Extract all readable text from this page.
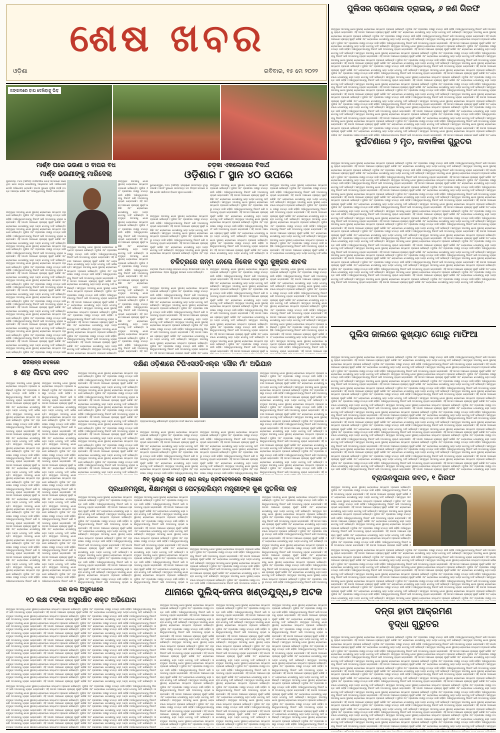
ଶେଷ ଖବର
ଓଡ଼ିଶା	ରବିବାର, ୧୫ ମେ ୨୦୨୨
ଜଙ୍ଗଲରେ ବାଘ ଦେଖିବାକୁ ଭିଡ଼
ପୁଲିସର ସ୍ପେଶାଲ ଡ୍ରାଇଭ୍, ୬ ଜଣ ଗିରଫ
ସମ୍ପୃକ୍ତ ଘଟଣାକୁ ନେଇ ସ୍ଥାନୀୟ ଲୋକମାନେ ଉଦ୍‌ବେଗ ପ୍ରକାଶ କରିଛନ୍ତି। ପୁଲିସ ଏବଂ ପ୍ରଶାସନ ପକ୍ଷରୁ ତଦନ୍ତ ଜାରି ରହିଛି। ଅଭିଯୁକ୍ତମାନଙ୍କୁ ଗିରଫ କରି ଅଦାଲତକୁ ଚାଲାଣ କରାଯାଇଛି। ଏହି ଘଟଣା ଅଞ୍ଚଳରେ ଚାଞ୍ଚଲ୍ୟ ସୃଷ୍ଟି କରିଛି ଏବଂ ଲୋକମାନେ ଦୋଷୀଙ୍କୁ କଡ଼ା ଦଣ୍ଡ ଦେବାକୁ ଦାବି କରିଛନ୍ତି। ସମ୍ପୃକ୍ତ ଘଟଣାକୁ ନେଇ ସ୍ଥାନୀୟ ଲୋକମାନେ ଉଦ୍‌ବେଗ ପ୍ରକାଶ କରିଛନ୍ତି। ପୁଲିସ ଏବଂ ପ୍ରଶାସନ ପକ୍ଷରୁ ତଦନ୍ତ ଜାରି ରହିଛି। ଅଭିଯୁକ୍ତମାନଙ୍କୁ ଗିରଫ କରି ଅଦାଲତକୁ ଚାଲାଣ କରାଯାଇଛି। ଏହି ଘଟଣା ଅଞ୍ଚଳରେ ଚାଞ୍ଚଲ୍ୟ ସୃଷ୍ଟି କରିଛି ଏବଂ ଲୋକମାନେ ଦୋଷୀଙ୍କୁ କଡ଼ା ଦଣ୍ଡ ଦେବାକୁ ଦାବି କରିଛନ୍ତି। ସମ୍ପୃକ୍ତ ଘଟଣାକୁ ନେଇ ସ୍ଥାନୀୟ ଲୋକମାନେ ଉଦ୍‌ବେଗ ପ୍ରକାଶ କରିଛନ୍ତି। ପୁଲିସ ଏବଂ ପ୍ରଶାସନ ପକ୍ଷରୁ ତଦନ୍ତ ଜାରି ରହିଛି। ଅଭିଯୁକ୍ତମାନଙ୍କୁ ଗିରଫ କରି ଅଦାଲତକୁ ଚାଲାଣ କରାଯାଇଛି। ଏହି ଘଟଣା ଅଞ୍ଚଳରେ ଚାଞ୍ଚଲ୍ୟ ସୃଷ୍ଟି କରିଛି ଏବଂ ଲୋକମାନେ ଦୋଷୀଙ୍କୁ କଡ଼ା ଦଣ୍ଡ ଦେବାକୁ ଦାବି କରିଛନ୍ତି। ସମ୍ପୃକ୍ତ ଘଟଣାକୁ ନେଇ ସ୍ଥାନୀୟ ଲୋକମାନେ ଉଦ୍‌ବେଗ ପ୍ରକାଶ କରିଛନ୍ତି। ପୁଲିସ ଏବଂ ପ୍ରଶାସନ ପକ୍ଷରୁ ତଦନ୍ତ ଜାରି ରହିଛି। ଅଭିଯୁକ୍ତମାନଙ୍କୁ ଗିରଫ କରି ଅଦାଲତକୁ ଚାଲାଣ କରାଯାଇଛି। ଏହି ଘଟଣା ଅଞ୍ଚଳରେ ଚାଞ୍ଚଲ୍ୟ ସୃଷ୍ଟି କରିଛି ଏବଂ ଲୋକମାନେ ଦୋଷୀଙ୍କୁ କଡ଼ା ଦଣ୍ଡ ଦେବାକୁ ଦାବି କରିଛନ୍ତି। ସମ୍ପୃକ୍ତ ଘଟଣାକୁ ନେଇ ସ୍ଥାନୀୟ ଲୋକମାନେ ଉଦ୍‌ବେଗ ପ୍ରକାଶ କରିଛନ୍ତି। ପୁଲିସ ଏବଂ ପ୍ରଶାସନ ପକ୍ଷରୁ ତଦନ୍ତ ଜାରି ରହିଛି। ଅଭିଯୁକ୍ତମାନଙ୍କୁ ଗିରଫ କରି ଅଦାଲତକୁ ଚାଲାଣ କରାଯାଇଛି। ଏହି ଘଟଣା ଅଞ୍ଚଳରେ ଚାଞ୍ଚଲ୍ୟ ସୃଷ୍ଟି କରିଛି ଏବଂ ଲୋକମାନେ ଦୋଷୀଙ୍କୁ କଡ଼ା ଦଣ୍ଡ ଦେବାକୁ ଦାବି କରିଛନ୍ତି। ସମ୍ପୃକ୍ତ ଘଟଣାକୁ ନେଇ ସ୍ଥାନୀୟ ଲୋକମାନେ ଉଦ୍‌ବେଗ ପ୍ରକାଶ କରିଛନ୍ତି। ପୁଲିସ ଏବଂ ପ୍ରଶାସନ ପକ୍ଷରୁ ତଦନ୍ତ ଜାରି ରହିଛି। ଅଭିଯୁକ୍ତମାନଙ୍କୁ ଗିରଫ କରି ଅଦାଲତକୁ ଚାଲାଣ କରାଯାଇଛି। ଏହି ଘଟଣା ଅଞ୍ଚଳରେ ଚାଞ୍ଚଲ୍ୟ ସୃଷ୍ଟି କରିଛି ଏବଂ ଲୋକମାନେ ଦୋଷୀଙ୍କୁ କଡ଼ା ଦଣ୍ଡ ଦେବାକୁ ଦାବି କରିଛନ୍ତି। ସମ୍ପୃକ୍ତ ଘଟଣାକୁ ନେଇ ସ୍ଥାନୀୟ ଲୋକମାନେ ଉଦ୍‌ବେଗ ପ୍ରକାଶ କରିଛନ୍ତି। ପୁଲିସ ଏବଂ ପ୍ରଶାସନ ପକ୍ଷରୁ ତଦନ୍ତ ଜାରି ରହିଛି। ଅଭିଯୁକ୍ତମାନଙ୍କୁ ଗିରଫ କରି ଅଦାଲତକୁ ଚାଲାଣ କରାଯାଇଛି। ଏହି ଘଟଣା ଅଞ୍ଚଳରେ ଚାଞ୍ଚଲ୍ୟ ସୃଷ୍ଟି କରିଛି ଏବଂ ଲୋକମାନେ ଦୋଷୀଙ୍କୁ କଡ଼ା ଦଣ୍ଡ ଦେବାକୁ ଦାବି କରିଛନ୍ତି। ସମ୍ପୃକ୍ତ ଘଟଣାକୁ ନେଇ ସ୍ଥାନୀୟ ଲୋକମାନେ ଉଦ୍‌ବେଗ ପ୍ରକାଶ କରିଛନ୍ତି। ପୁଲିସ ଏବଂ ପ୍ରଶାସନ ପକ୍ଷରୁ ତଦନ୍ତ ଜାରି ରହିଛି। ଅଭିଯୁକ୍ତମାନଙ୍କୁ ଗିରଫ କରି ଅଦାଲତକୁ ଚାଲାଣ କରାଯାଇଛି। ଏହି ଘଟଣା ଅଞ୍ଚଳରେ ଚାଞ୍ଚଲ୍ୟ ସୃଷ୍ଟି କରିଛି ଏବଂ ଲୋକମାନେ ଦୋଷୀଙ୍କୁ କଡ଼ା ଦଣ୍ଡ ଦେବାକୁ ଦାବି କରିଛନ୍ତି। ସମ୍ପୃକ୍ତ ଘଟଣାକୁ ନେଇ ସ୍ଥାନୀୟ ଲୋକମାନେ ଉଦ୍‌ବେଗ ପ୍ରକାଶ କରିଛନ୍ତି। ପୁଲିସ ଏବଂ ପ୍ରଶାସନ ପକ୍ଷରୁ ତଦନ୍ତ ଜାରି ରହିଛି। ଅଭିଯୁକ୍ତମାନଙ୍କୁ ଗିରଫ କରି ଅଦାଲତକୁ ଚାଲାଣ କରାଯାଇଛି। ଏହି ଘଟଣା ଅଞ୍ଚଳରେ ଚାଞ୍ଚଲ୍ୟ ସୃଷ୍ଟି କରିଛି ଏବଂ ଲୋକମାନେ ଦୋଷୀଙ୍କୁ କଡ଼ା ଦଣ୍ଡ ଦେବାକୁ ଦାବି କରିଛନ୍ତି। ସମ୍ପୃକ୍ତ ଘଟଣାକୁ ନେଇ ସ୍ଥାନୀୟ ଲୋକମାନେ ଉଦ୍‌ବେଗ ପ୍ରକାଶ କରିଛନ୍ତି। ପୁଲିସ ଏବଂ ପ୍ରଶାସନ ପକ୍ଷରୁ ତଦନ୍ତ ଜାରି ରହିଛି। ଅଭିଯୁକ୍ତମାନଙ୍କୁ ଗିରଫ କରି ଅଦାଲତକୁ ଚାଲାଣ କରାଯାଇଛି। ଏହି ଘଟଣା ଅଞ୍ଚଳରେ ଚାଞ୍ଚଲ୍ୟ ସୃଷ୍ଟି କରିଛି ଏବଂ ଲୋକମାନେ ଦୋଷୀଙ୍କୁ କଡ଼ା ଦଣ୍ଡ ଦେବାକୁ ଦାବି କରିଛନ୍ତି। ସମ୍ପୃକ୍ତ ଘଟଣାକୁ ନେଇ ସ୍ଥାନୀୟ ଲୋକମାନେ ଉଦ୍‌ବେଗ ପ୍ରକାଶ କରିଛନ୍ତି। ପୁଲିସ ଏବଂ ପ୍ରଶାସନ ପକ୍ଷରୁ ତଦନ୍ତ ଜାରି ରହିଛି। ଅଭିଯୁକ୍ତମାନଙ୍କୁ ଗିରଫ କରି ଅଦାଲତକୁ ଚାଲାଣ କରାଯାଇଛି। ଏହି ଘଟଣା ଅଞ୍ଚଳରେ ଚାଞ୍ଚଲ୍ୟ ସୃଷ୍ଟି କରିଛି ଏବଂ ଲୋକମାନେ ଦୋଷୀଙ୍କୁ କଡ଼ା ଦଣ୍ଡ ଦେବାକୁ ଦାବି କରିଛନ୍ତି। ସମ୍ପୃକ୍ତ ଘଟଣାକୁ ନେଇ ସ୍ଥାନୀୟ ଲୋକମାନେ ଉଦ୍‌ବେଗ ପ୍ରକାଶ କରିଛନ୍ତି। ପୁଲିସ ଏବଂ ପ୍ରଶାସନ ପକ୍ଷରୁ ତଦନ୍ତ ଜାରି ରହିଛି। ଅଭିଯୁକ୍ତମାନଙ୍କୁ ଗିରଫ କରି ଅଦାଲତକୁ ଚାଲାଣ କରାଯାଇଛି। ଏହି ଘଟଣା ଅଞ୍ଚଳରେ ଚାଞ୍ଚଲ୍ୟ ସୃଷ୍ଟି କରିଛି ଏବଂ ଲୋକମାନେ ଦୋଷୀଙ୍କୁ କଡ଼ା ଦଣ୍ଡ ଦେବାକୁ ଦାବି କରିଛନ୍ତି। ସମ୍ପୃକ୍ତ ଘଟଣାକୁ ନେଇ ସ୍ଥାନୀୟ ଲୋକମାନେ ଉଦ୍‌ବେଗ ପ୍ରକାଶ କରିଛନ୍ତି। ପୁଲିସ ଏବଂ ପ୍ରଶାସନ ପକ୍ଷରୁ ତଦନ୍ତ ଜାରି ରହିଛି। ଅଭିଯୁକ୍ତମାନଙ୍କୁ ଗିରଫ କରି ଅଦାଲତକୁ ଚାଲାଣ କରାଯାଇଛି। ଏହି ଘଟଣା ଅଞ୍ଚଳରେ ଚାଞ୍ଚଲ୍ୟ ସୃଷ୍ଟି କରିଛି ଏବଂ ଲୋକମାନେ ଦୋଷୀଙ୍କୁ କଡ଼ା ଦଣ୍ଡ ଦେବାକୁ ଦାବି କରିଛନ୍ତି। ସମ୍ପୃକ୍ତ ଘଟଣାକୁ ନେଇ ସ୍ଥାନୀୟ ଲୋକମାନେ ଉଦ୍‌ବେଗ ପ୍ରକାଶ କରିଛନ୍ତି। ପୁଲିସ ଏବଂ ପ୍ରଶାସନ ପକ୍ଷରୁ ତଦନ୍ତ ଜାରି ରହିଛି। ଅଭିଯୁକ୍ତମାନଙ୍କୁ ଗିରଫ କରି ଅଦାଲତକୁ ଚାଲାଣ କରାଯାଇଛି। ଏହି ଘଟଣା ଅଞ୍ଚଳରେ ଚାଞ୍ଚଲ୍ୟ ସୃଷ୍ଟି କରିଛି ଏବଂ ଲୋକମାନେ ଦୋଷୀଙ୍କୁ କଡ଼ା ଦଣ୍ଡ ଦେବାକୁ ଦାବି କରିଛନ୍ତି। ସମ୍ପୃକ୍ତ ଘଟଣାକୁ ନେଇ ସ୍ଥାନୀୟ ଲୋକମାନେ ଉଦ୍‌ବେଗ ପ୍ରକାଶ କରିଛନ୍ତି। ପୁଲିସ ଏବଂ ପ୍ରଶାସନ ପକ୍ଷରୁ ତଦନ୍ତ ଜାରି ରହିଛି। ଅଭିଯୁକ୍ତମାନଙ୍କୁ ଗିରଫ କରି ଅଦାଲତକୁ ଚାଲାଣ କରାଯାଇଛି। ଏହି ଘଟଣା ଅଞ୍ଚଳରେ ଚାଞ୍ଚଲ୍ୟ ସୃଷ୍ଟି କରିଛି ଏବଂ ଲୋକମାନେ ଦୋଷୀଙ୍କୁ କଡ଼ା ଦଣ୍ଡ ଦେବାକୁ ଦାବି କରିଛନ୍ତି। ସମ୍ପୃକ୍ତ ଘଟଣାକୁ ନେଇ ସ୍ଥାନୀୟ ଲୋକମାନେ ଉଦ୍‌ବେଗ ପ୍ରକାଶ କରିଛନ୍ତି। ପୁଲିସ ଏବଂ ପ୍ରଶାସନ ପକ୍ଷରୁ ତଦନ୍ତ ଜାରି ରହିଛି। ଅଭିଯୁକ୍ତମାନଙ୍କୁ ଗିରଫ କରି ଅଦାଲତକୁ ଚାଲାଣ କରାଯାଇଛି। ଏହି ଘଟଣା ଅଞ୍ଚଳରେ ଚାଞ୍ଚଲ୍ୟ ସୃଷ୍ଟି କରିଛି ଏବଂ ଲୋକମାନେ ଦୋଷୀଙ୍କୁ କଡ଼ା ଦଣ୍ଡ ଦେବାକୁ ଦାବି କରିଛନ୍ତି। ସମ୍ପୃକ୍ତ ଘଟଣାକୁ ନେଇ ସ୍ଥାନୀୟ ଲୋକମାନେ ଉଦ୍‌ବେଗ ପ୍ରକାଶ କରିଛନ୍ତି। ପୁଲିସ ଏବଂ ପ୍ରଶାସନ ପକ୍ଷରୁ ତଦନ୍ତ ଜାରି ରହିଛି। ଅଭିଯୁକ୍ତମାନଙ୍କୁ ଗିରଫ କରି ଅଦାଲତକୁ ଚାଲାଣ କରାଯାଇଛି। ଏହି ଘଟଣା ଅଞ୍ଚଳରେ ଚାଞ୍ଚଲ୍ୟ ସୃଷ୍ଟି କରିଛି ଏବଂ ଲୋକମାନେ ଦୋଷୀଙ୍କୁ କଡ଼ା ଦଣ୍ଡ ଦେବାକୁ ଦାବି କରିଛନ୍ତି। ସମ୍ପୃକ୍ତ ଘଟଣାକୁ ନେଇ ସ୍ଥାନୀୟ ଲୋକମାନେ ଉଦ୍‌ବେଗ ପ୍ରକାଶ କରିଛନ୍ତି। ପୁଲିସ ଏବଂ ପ୍ରଶାସନ ପକ୍ଷରୁ ତଦନ୍ତ ଜାରି ରହିଛି। ଅଭିଯୁକ୍ତମାନଙ୍କୁ ଗିରଫ କରି ଅଦାଲତକୁ ଚାଲାଣ କରାଯାଇଛି। ଏହି ଘଟଣା ଅଞ୍ଚଳରେ ଚାଞ୍ଚଲ୍ୟ ସୃଷ୍ଟି କରିଛି ଏବଂ ଲୋକ
ଦୁର୍ଘଟଣାରେ ୨ ମୃତ, ନାବାଳିକା ଗୁରୁତର
ସମ୍ପୃକ୍ତ ଘଟଣାକୁ ନେଇ ସ୍ଥାନୀୟ ଲୋକମାନେ ଉଦ୍‌ବେଗ ପ୍ରକାଶ କରିଛନ୍ତି। ପୁଲିସ ଏବଂ ପ୍ରଶାସନ ପକ୍ଷରୁ ତଦନ୍ତ ଜାରି ରହିଛି। ଅଭିଯୁକ୍ତମାନଙ୍କୁ ଗିରଫ କରି ଅଦାଲତକୁ ଚାଲାଣ କରାଯାଇଛି। ଏହି ଘଟଣା ଅଞ୍ଚଳରେ ଚାଞ୍ଚଲ୍ୟ ସୃଷ୍ଟି କରିଛି ଏବଂ ଲୋକମାନେ ଦୋଷୀଙ୍କୁ କଡ଼ା ଦଣ୍ଡ ଦେବାକୁ ଦାବି କରିଛନ୍ତି। ସମ୍ପୃକ୍ତ ଘଟଣାକୁ ନେଇ ସ୍ଥାନୀୟ ଲୋକମାନେ ଉଦ୍‌ବେଗ ପ୍ରକାଶ କରିଛନ୍ତି। ପୁଲିସ ଏବଂ ପ୍ରଶାସନ ପକ୍ଷରୁ ତଦନ୍ତ ଜାରି ରହିଛି। ଅଭିଯୁକ୍ତମାନଙ୍କୁ ଗିରଫ କରି ଅଦାଲତକୁ ଚାଲାଣ କରାଯାଇଛି। ଏହି ଘଟଣା ଅଞ୍ଚଳରେ ଚାଞ୍ଚଲ୍ୟ ସୃଷ୍ଟି କରିଛି ଏବଂ ଲୋକମାନେ ଦୋଷୀଙ୍କୁ କଡ଼ା ଦଣ୍ଡ ଦେବାକୁ ଦାବି କରିଛନ୍ତି। ସମ୍ପୃକ୍ତ ଘଟଣାକୁ ନେଇ ସ୍ଥାନୀୟ ଲୋକମାନେ ଉଦ୍‌ବେଗ ପ୍ରକାଶ କରିଛନ୍ତି। ପୁଲିସ ଏବଂ ପ୍ରଶାସନ ପକ୍ଷରୁ ତଦନ୍ତ ଜାରି ରହିଛି। ଅଭିଯୁକ୍ତମାନଙ୍କୁ ଗିରଫ କରି ଅଦାଲତକୁ ଚାଲାଣ କରାଯାଇଛି। ଏହି ଘଟଣା ଅଞ୍ଚଳରେ ଚାଞ୍ଚଲ୍ୟ ସୃଷ୍ଟି କରିଛି ଏବଂ ଲୋକମାନେ ଦୋଷୀଙ୍କୁ କଡ଼ା ଦଣ୍ଡ ଦେବାକୁ ଦାବି କରିଛନ୍ତି। ସମ୍ପୃକ୍ତ ଘଟଣାକୁ ନେଇ ସ୍ଥାନୀୟ ଲୋକମାନେ ଉଦ୍‌ବେଗ ପ୍ରକାଶ କରିଛନ୍ତି। ପୁଲିସ ଏବଂ ପ୍ରଶାସନ ପକ୍ଷରୁ ତଦନ୍ତ ଜାରି ରହିଛି। ଅଭିଯୁକ୍ତମାନଙ୍କୁ ଗିରଫ କରି ଅଦାଲତକୁ ଚାଲାଣ କରାଯାଇଛି। ଏହି ଘଟଣା ଅଞ୍ଚଳରେ ଚାଞ୍ଚଲ୍ୟ ସୃଷ୍ଟି କରିଛି ଏବଂ ଲୋକମାନେ ଦୋଷୀଙ୍କୁ କଡ଼ା ଦଣ୍ଡ ଦେବାକୁ ଦାବି କରିଛନ୍ତି। ସମ୍ପୃକ୍ତ ଘଟଣାକୁ ନେଇ ସ୍ଥାନୀୟ ଲୋକମାନେ ଉଦ୍‌ବେଗ ପ୍ରକାଶ କରିଛନ୍ତି। ପୁଲିସ ଏବଂ ପ୍ରଶାସନ ପକ୍ଷରୁ ତଦନ୍ତ ଜାରି ରହିଛି। ଅଭିଯୁକ୍ତମାନଙ୍କୁ ଗିରଫ କରି ଅଦାଲତକୁ ଚାଲାଣ କରାଯାଇଛି। ଏହି ଘଟଣା ଅଞ୍ଚଳରେ ଚାଞ୍ଚଲ୍ୟ ସୃଷ୍ଟି କରିଛି ଏବଂ ଲୋକମାନେ ଦୋଷୀଙ୍କୁ କଡ଼ା ଦଣ୍ଡ ଦେବାକୁ ଦାବି କରିଛନ୍ତି। ସମ୍ପୃକ୍ତ ଘଟଣାକୁ ନେଇ ସ୍ଥାନୀୟ ଲୋକମାନେ ଉଦ୍‌ବେଗ ପ୍ରକାଶ କରିଛନ୍ତି। ପୁଲିସ ଏବଂ ପ୍ରଶାସନ ପକ୍ଷରୁ ତଦନ୍ତ ଜାରି ରହିଛି। ଅଭିଯୁକ୍ତମାନଙ୍କୁ ଗିରଫ କରି ଅଦାଲତକୁ ଚାଲାଣ କରାଯାଇଛି। ଏହି ଘଟଣା ଅଞ୍ଚଳରେ ଚାଞ୍ଚଲ୍ୟ ସୃଷ୍ଟି କରିଛି ଏବଂ ଲୋକମାନେ ଦୋଷୀଙ୍କୁ କଡ଼ା ଦଣ୍ଡ ଦେବାକୁ ଦାବି କରିଛନ୍ତି। ସମ୍ପୃକ୍ତ ଘଟଣାକୁ ନେଇ ସ୍ଥାନୀୟ ଲୋକମାନେ ଉଦ୍‌ବେଗ ପ୍ରକାଶ କରିଛନ୍ତି। ପୁଲିସ ଏବଂ ପ୍ରଶାସନ ପକ୍ଷରୁ ତଦନ୍ତ ଜାରି ରହିଛି। ଅଭିଯୁକ୍ତମାନଙ୍କୁ ଗିରଫ କରି ଅଦାଲତକୁ ଚାଲାଣ କରାଯାଇଛି। ଏହି ଘଟଣା ଅଞ୍ଚଳରେ ଚାଞ୍ଚଲ୍ୟ ସୃଷ୍ଟି କରିଛି ଏବଂ ଲୋକମାନେ ଦୋଷୀଙ୍କୁ କଡ଼ା ଦଣ୍ଡ ଦେବାକୁ ଦାବି କରିଛନ୍ତି। ସମ୍ପୃକ୍ତ ଘଟଣାକୁ ନେଇ ସ୍ଥାନୀୟ ଲୋକମାନେ ଉଦ୍‌ବେଗ ପ୍ରକାଶ କରିଛନ୍ତି। ପୁଲିସ ଏବଂ ପ୍ରଶାସନ ପକ୍ଷରୁ ତଦନ୍ତ ଜାରି ରହିଛି। ଅଭିଯୁକ୍ତମାନଙ୍କୁ ଗିରଫ କରି ଅଦାଲତକୁ ଚାଲାଣ କରାଯାଇଛି। ଏହି ଘଟଣା ଅଞ୍ଚଳରେ ଚାଞ୍ଚଲ୍ୟ ସୃଷ୍ଟି କରିଛି ଏବଂ ଲୋକମାନେ ଦୋଷୀଙ୍କୁ କଡ଼ା ଦଣ୍ଡ ଦେବାକୁ ଦାବି କରିଛନ୍ତି। ସମ୍ପୃକ୍ତ ଘଟଣାକୁ ନେଇ ସ୍ଥାନୀୟ ଲୋକମାନେ ଉଦ୍‌ବେଗ ପ୍ରକାଶ କରିଛନ୍ତି। ପୁଲିସ ଏବଂ ପ୍ରଶାସନ ପକ୍ଷରୁ ତଦନ୍ତ ଜାରି ରହିଛି। ଅଭିଯୁକ୍ତମାନଙ୍କୁ ଗିରଫ କରି ଅଦାଲତକୁ ଚାଲାଣ କରାଯାଇଛି। ଏହି ଘଟଣା ଅଞ୍ଚଳରେ ଚାଞ୍ଚଲ୍ୟ ସୃଷ୍ଟି କରିଛି ଏବଂ ଲୋକମାନେ ଦୋଷୀଙ୍କୁ କଡ଼ା ଦଣ୍ଡ ଦେବାକୁ ଦାବି କରିଛନ୍ତି। ସମ୍ପୃକ୍ତ ଘଟଣାକୁ ନେଇ ସ୍ଥାନୀୟ ଲୋକମାନେ ଉଦ୍‌ବେଗ ପ୍ରକାଶ କରିଛନ୍ତି। ପୁଲିସ ଏବଂ ପ୍ରଶାସନ ପକ୍ଷରୁ ତଦନ୍ତ ଜାରି ରହିଛି। ଅଭିଯୁକ୍ତମାନଙ୍କୁ ଗିରଫ କରି ଅଦାଲତକୁ ଚାଲାଣ କରାଯାଇଛି। ଏହି ଘଟଣା ଅଞ୍ଚଳରେ ଚାଞ୍ଚଲ୍ୟ ସୃଷ୍ଟି କରିଛି ଏବଂ ଲୋକମାନେ ଦୋଷୀଙ୍କୁ କଡ଼ା ଦଣ୍ଡ ଦେବାକୁ ଦାବି କରିଛନ୍ତି। ସମ୍ପୃକ୍ତ ଘଟଣାକୁ ନେଇ ସ୍ଥାନୀୟ ଲୋକମାନେ ଉଦ୍‌ବେଗ ପ୍ରକାଶ କରିଛନ୍ତି। ପୁଲିସ ଏବଂ ପ୍ରଶାସନ ପକ୍ଷରୁ ତଦନ୍ତ ଜାରି ରହିଛି। ଅଭିଯୁକ୍ତମାନଙ୍କୁ ଗିରଫ କରି ଅଦାଲତକୁ ଚାଲାଣ କରାଯାଇଛି। ଏହି ଘଟଣା ଅଞ୍ଚଳରେ ଚାଞ୍ଚଲ୍ୟ ସୃଷ୍ଟି କରିଛି ଏବଂ ଲୋକମାନେ ଦୋଷୀଙ୍କୁ କଡ଼ା ଦଣ୍ଡ ଦେବାକୁ ଦାବି କରିଛନ୍ତି। ସମ୍ପୃକ୍ତ ଘଟଣାକୁ ନେଇ ସ୍ଥାନୀୟ ଲୋକମାନେ ଉଦ୍‌ବେଗ ପ୍ରକାଶ କରିଛନ୍ତି। ପୁଲିସ ଏବଂ ପ୍ରଶାସନ ପକ୍ଷରୁ ତଦନ୍ତ ଜାରି ରହିଛି। ଅଭିଯୁକ୍ତମାନଙ୍କୁ ଗିରଫ କରି ଅଦାଲତକୁ ଚାଲାଣ କରାଯାଇଛି। ଏହି ଘଟଣା ଅଞ୍ଚଳରେ ଚାଞ୍ଚଲ୍ୟ ସୃଷ୍ଟି କରିଛି ଏବଂ ଲୋକମାନେ ଦୋଷୀଙ୍କୁ କଡ଼ା ଦଣ୍ଡ ଦେବାକୁ ଦାବି କରିଛନ୍ତି। ସମ୍ପୃକ୍ତ ଘଟଣାକୁ ନେଇ ସ୍ଥାନୀୟ ଲୋକମାନେ ଉଦ୍‌ବେଗ ପ୍ରକାଶ କରିଛନ୍ତି। ପୁଲିସ ଏବଂ ପ୍ରଶାସନ ପକ୍ଷରୁ ତଦନ୍ତ ଜାରି ରହିଛି। ଅଭିଯୁକ୍ତମାନଙ୍କୁ ଗିରଫ କରି ଅଦାଲତକୁ ଚାଲାଣ କରାଯାଇଛି। ଏହି ଘଟଣା ଅଞ୍ଚଳରେ ଚାଞ୍ଚଲ୍ୟ ସୃଷ୍ଟି କରିଛି ଏବଂ ଲୋକମାନେ ଦୋଷୀଙ୍କୁ କଡ଼ା ଦଣ୍ଡ ଦେବାକୁ ଦାବି କରିଛନ୍ତି। ସମ୍ପୃକ୍ତ ଘଟଣାକୁ ନେଇ ସ୍ଥାନୀୟ ଲୋକମାନେ ଉଦ୍‌ବେଗ ପ୍ରକାଶ କରିଛନ୍ତି। ପୁଲିସ ଏବଂ ପ୍ରଶାସନ ପକ୍ଷରୁ ତଦନ୍ତ ଜାରି ରହିଛି। ଅଭିଯୁକ୍ତମାନଙ୍କୁ ଗିରଫ କରି ଅଦାଲତକୁ ଚାଲାଣ କରାଯାଇଛି। ଏହି ଘଟଣା ଅଞ୍ଚଳରେ ଚାଞ୍ଚଲ୍ୟ ସୃଷ୍ଟି କରିଛି ଏବଂ ଲୋକମାନେ ଦୋଷୀଙ୍କୁ କଡ଼ା ଦଣ୍ଡ ଦେବାକୁ ଦାବି କରିଛନ୍ତି। ସମ୍ପୃକ୍ତ ଘଟଣାକୁ ନେଇ ସ୍ଥାନୀୟ ଲୋକମାନେ ଉଦ୍‌ବେଗ ପ୍ରକାଶ କରିଛନ୍ତି। ପୁଲିସ ଏବଂ ପ୍ରଶାସନ ପକ୍ଷରୁ ତଦନ୍ତ ଜାରି ରହିଛି। ଅଭିଯୁକ୍ତମାନଙ୍କୁ ଗିରଫ କରି ଅଦାଲତକୁ ଚାଲାଣ କରାଯାଇଛି। ଏହି ଘଟଣା ଅଞ୍ଚଳରେ ଚାଞ୍ଚଲ୍ୟ ସୃଷ୍ଟି କରିଛି ଏବଂ ଲୋକମାନେ ଦୋଷୀଙ୍କୁ କଡ଼ା ଦଣ୍ଡ ଦେବାକୁ ଦାବି କରିଛନ୍ତି। ସମ୍ପୃକ୍ତ ଘଟଣାକୁ ନେଇ ସ୍ଥାନୀୟ ଲୋକମାନେ ଉଦ୍‌ବେଗ ପ୍ରକାଶ କରିଛନ୍ତି। ପୁଲିସ ଏବଂ ପ୍ରଶାସନ ପକ୍ଷରୁ ତଦନ୍ତ ଜାରି ରହିଛି। ଅଭିଯୁକ୍ତମାନଙ୍କୁ ଗିରଫ କରି ଅଦାଲତକୁ ଚାଲାଣ କରାଯାଇଛି। ଏହି ଘଟଣା ଅଞ୍ଚଳରେ ଚାଞ୍ଚଲ୍ୟ ସୃଷ୍ଟି କରିଛି ଏବଂ ଲୋକମାନେ ଦୋଷୀଙ୍କୁ କଡ଼ା ଦଣ୍ଡ ଦେବାକୁ ଦାବି କରିଛନ୍ତି। ସମ୍ପୃକ୍ତ ଘଟଣାକୁ ନେଇ ସ୍ଥାନୀୟ ଲୋକମାନେ ଉଦ୍‌ବେଗ ପ୍ରକାଶ କରିଛନ୍ତି। ପୁଲିସ ଏବଂ ପ୍ରଶାସନ ପକ୍ଷରୁ ତଦନ୍ତ ଜାରି ରହିଛି। ଅଭିଯୁକ୍ତମାନଙ୍କୁ ଗିରଫ କରି ଅଦାଲତକୁ ଚାଲାଣ କରାଯାଇଛି। ଏହି ଘଟଣା ଅଞ୍ଚଳରେ ଚାଞ୍ଚଲ୍ୟ ସୃଷ୍ଟି କରିଛି ଏବଂ ଲୋକମାନେ ଦୋଷୀଙ୍କୁ କଡ଼ା ଦଣ୍ଡ ଦେବାକୁ ଦାବି କରିଛନ୍ତି। ସମ୍ପୃକ୍ତ ଘଟଣାକୁ ନେଇ ସ୍ଥାନୀୟ ଲୋକମାନେ ଉଦ୍‌ବେଗ ପ୍ରକାଶ କରିଛନ୍ତି। ପୁଲିସ ଏବଂ ପ୍ରଶାସନ ପକ୍ଷରୁ ତଦନ୍ତ ଜାରି ରହିଛି। ଅଭିଯୁକ୍ତମାନଙ୍କୁ ଗିରଫ କରି ଅଦାଲତକୁ ଚାଲାଣ କରାଯାଇଛି। ଏହି ଘଟଣା ଅଞ୍ଚଳରେ ଚାଞ୍ଚଲ୍ୟ ସୃଷ୍ଟି କରିଛି ଏବଂ ଲୋକମାନେ ଦୋଷୀଙ୍କୁ କଡ଼ା ଦଣ୍ଡ ଦେବାକୁ ଦାବି କରିଛନ୍ତି। ସମ୍ପୃକ୍ତ ଘଟଣାକୁ ନେଇ ସ୍ଥାନୀୟ ଲୋକମାନେ ଉଦ୍‌ବେଗ ପ୍ରକାଶ କରିଛନ୍ତି। ପୁଲିସ ଏବଂ ପ୍ରଶାସନ ପକ୍ଷରୁ ତଦନ୍ତ ଜାରି ରହିଛି। ଅଭିଯୁକ୍ତମାନଙ୍କୁ ଗିରଫ କରି ଅଦାଲତକୁ ଚାଲାଣ କରାଯାଇଛି। ଏହି ଘଟଣା ଅଞ୍ଚଳରେ ଚାଞ୍ଚଲ୍ୟ ସୃଷ୍ଟି କରିଛି ଏବଂ ଲୋକମାନେ ଦୋଷୀଙ୍କୁ କଡ଼ା ଦଣ୍ଡ ଦେବାକୁ ଦାବି କରିଛନ୍ତି। ସମ୍ପୃକ୍ତ ଘଟଣାକୁ ନେଇ ସ୍ଥାନୀୟ ଲୋକମାନେ ଉଦ୍‌ବେଗ ପ୍ରକାଶ କରିଛନ୍ତି। ପୁଲିସ ଏବଂ ପ୍ରଶାସନ ପକ୍ଷରୁ ତଦନ୍ତ ଜାରି ରହିଛି। ଅଭିଯୁକ୍ତମାନଙ୍କୁ ଗିରଫ କରି ଅଦାଲତକୁ ଚାଲାଣ କରାଯାଇଛି। ଏହି ଘଟଣା ଅଞ୍ଚଳରେ ଚାଞ୍ଚଲ୍ୟ ସୃଷ୍ଟି କରିଛି ଏବଂ ଲୋକମାନେ ଦୋଷୀଙ୍କୁ କଡ଼ା ଦଣ୍ଡ ଦେବାକୁ ଦାବି କରିଛନ୍ତି।
ପୁଲିସ ଜାଲରେ କୁଖ୍ୟାତ ଗୋରୁ ମାଫିଆ
ସମ୍ପୃକ୍ତ ଘଟଣାକୁ ନେଇ ସ୍ଥାନୀୟ ଲୋକମାନେ ଉଦ୍‌ବେଗ ପ୍ରକାଶ କରିଛନ୍ତି। ପୁଲିସ ଏବଂ ପ୍ରଶାସନ ପକ୍ଷରୁ ତଦନ୍ତ ଜାରି ରହିଛି। ଅଭିଯୁକ୍ତମାନଙ୍କୁ ଗିରଫ କରି ଅଦାଲତକୁ ଚାଲାଣ କରାଯାଇଛି। ଏହି ଘଟଣା ଅଞ୍ଚଳରେ ଚାଞ୍ଚଲ୍ୟ ସୃଷ୍ଟି କରିଛି ଏବଂ ଲୋକମାନେ ଦୋଷୀଙ୍କୁ କଡ଼ା ଦଣ୍ଡ ଦେବାକୁ ଦାବି କରିଛନ୍ତି। ସମ୍ପୃକ୍ତ ଘଟଣାକୁ ନେଇ ସ୍ଥାନୀୟ ଲୋକମାନେ ଉଦ୍‌ବେଗ ପ୍ରକାଶ କରିଛନ୍ତି। ପୁଲିସ ଏବଂ ପ୍ରଶାସନ ପକ୍ଷରୁ ତଦନ୍ତ ଜାରି ରହିଛି। ଅଭିଯୁକ୍ତମାନଙ୍କୁ ଗିରଫ କରି ଅଦାଲତକୁ ଚାଲାଣ କରାଯାଇଛି। ଏହି ଘଟଣା ଅଞ୍ଚଳରେ ଚାଞ୍ଚଲ୍ୟ ସୃଷ୍ଟି କରିଛି ଏବଂ ଲୋକମାନେ ଦୋଷୀଙ୍କୁ କଡ଼ା ଦଣ୍ଡ ଦେବାକୁ ଦାବି କରିଛନ୍ତି। ସମ୍ପୃକ୍ତ ଘଟଣାକୁ ନେଇ ସ୍ଥାନୀୟ ଲୋକମାନେ ଉଦ୍‌ବେଗ ପ୍ରକାଶ କରିଛନ୍ତି। ପୁଲିସ ଏବଂ ପ୍ରଶାସନ ପକ୍ଷରୁ ତଦନ୍ତ ଜାରି ରହିଛି। ଅଭିଯୁକ୍ତମାନଙ୍କୁ ଗିରଫ କରି ଅଦାଲତକୁ ଚାଲାଣ କରାଯାଇଛି। ଏହି ଘଟଣା ଅଞ୍ଚଳରେ ଚାଞ୍ଚଲ୍ୟ ସୃଷ୍ଟି କରିଛି ଏବଂ ଲୋକମାନେ ଦୋଷୀଙ୍କୁ କଡ଼ା ଦଣ୍ଡ ଦେବାକୁ ଦାବି କରିଛନ୍ତି। ସମ୍ପୃକ୍ତ ଘଟଣାକୁ ନେଇ ସ୍ଥାନୀୟ ଲୋକମାନେ ଉଦ୍‌ବେଗ ପ୍ରକାଶ କରିଛନ୍ତି। ପୁଲିସ ଏବଂ ପ୍ରଶାସନ ପକ୍ଷରୁ ତଦନ୍ତ ଜାରି ରହିଛି। ଅଭିଯୁକ୍ତମାନଙ୍କୁ ଗିରଫ କରି ଅଦାଲତକୁ ଚାଲାଣ କରାଯାଇଛି। ଏହି ଘଟଣା ଅଞ୍ଚଳରେ ଚାଞ୍ଚଲ୍ୟ ସୃଷ୍ଟି କରିଛି ଏବଂ ଲୋକମାନେ ଦୋଷୀଙ୍କୁ କଡ଼ା ଦଣ୍ଡ ଦେବାକୁ ଦାବି କରିଛନ୍ତି। ସମ୍ପୃକ୍ତ ଘଟଣାକୁ ନେଇ ସ୍ଥାନୀୟ ଲୋକମାନେ ଉଦ୍‌ବେଗ ପ୍ରକାଶ କରିଛନ୍ତି। ପୁଲିସ ଏବଂ ପ୍ରଶାସନ ପକ୍ଷରୁ ତଦନ୍ତ ଜାରି ରହିଛି। ଅଭିଯୁକ୍ତମାନଙ୍କୁ ଗିରଫ କରି ଅଦାଲତକୁ ଚାଲାଣ କରାଯାଇଛି। ଏହି ଘଟଣା ଅଞ୍ଚଳରେ ଚାଞ୍ଚଲ୍ୟ ସୃଷ୍ଟି କରିଛି ଏବଂ ଲୋକମାନେ ଦୋଷୀଙ୍କୁ କଡ଼ା ଦଣ୍ଡ ଦେବାକୁ ଦାବି କରିଛନ୍ତି। ସମ୍ପୃକ୍ତ ଘଟଣାକୁ ନେଇ ସ୍ଥାନୀୟ ଲୋକମାନେ ଉଦ୍‌ବେଗ ପ୍ରକାଶ କରିଛନ୍ତି। ପୁଲିସ ଏବଂ ପ୍ରଶାସନ ପକ୍ଷରୁ ତଦନ୍ତ ଜାରି ରହିଛି। ଅଭିଯୁକ୍ତମାନଙ୍କୁ ଗିରଫ କରି ଅଦାଲତକୁ ଚାଲାଣ କରାଯାଇଛି। ଏହି ଘଟଣା ଅଞ୍ଚଳରେ ଚାଞ୍ଚଲ୍ୟ ସୃଷ୍ଟି କରିଛି ଏବଂ ଲୋକମାନେ ଦୋଷୀଙ୍କୁ କଡ଼ା ଦଣ୍ଡ ଦେବାକୁ ଦାବି କରିଛନ୍ତି। ସମ୍ପୃକ୍ତ ଘଟଣାକୁ ନେଇ ସ୍ଥାନୀୟ ଲୋକମାନେ ଉଦ୍‌ବେଗ ପ୍ରକାଶ କରିଛନ୍ତି। ପୁଲିସ ଏବଂ ପ୍ରଶାସନ ପକ୍ଷରୁ ତଦନ୍ତ ଜାରି ରହିଛି। ଅଭିଯୁକ୍ତମାନଙ୍କୁ ଗିରଫ କରି ଅଦାଲତକୁ ଚାଲାଣ କରାଯାଇଛି। ଏହି ଘଟଣା ଅଞ୍ଚଳରେ ଚାଞ୍ଚଲ୍ୟ ସୃଷ୍ଟି କରିଛି ଏବଂ ଲୋକମାନେ ଦୋଷୀଙ୍କୁ କଡ଼ା ଦଣ୍ଡ ଦେବାକୁ ଦାବି କରିଛନ୍ତି। ସମ୍ପୃକ୍ତ ଘଟଣାକୁ ନେଇ ସ୍ଥାନୀୟ ଲୋକମାନେ ଉଦ୍‌ବେଗ ପ୍ରକାଶ କରିଛନ୍ତି। ପୁଲିସ ଏବଂ ପ୍ରଶାସନ ପକ୍ଷରୁ ତଦନ୍ତ ଜାରି ରହିଛି। ଅଭିଯୁକ୍ତମାନଙ୍କୁ ଗିରଫ କରି ଅଦାଲତକୁ ଚାଲାଣ କରାଯାଇଛି। ଏହି ଘଟଣା ଅଞ୍ଚଳରେ ଚାଞ୍ଚଲ୍ୟ ସୃଷ୍ଟି କରିଛି ଏବଂ ଲୋକମାନେ ଦୋଷୀଙ୍କୁ କଡ଼ା ଦଣ୍ଡ ଦେବାକୁ ଦାବି କରିଛନ୍ତି। ସମ୍ପୃକ୍ତ ଘଟଣାକୁ ନେଇ ସ୍ଥାନୀୟ ଲୋକମାନେ ଉଦ୍‌ବେଗ ପ୍ରକାଶ କରିଛନ୍ତି। ପୁଲିସ ଏବଂ ପ୍ରଶାସନ ପକ୍ଷରୁ ତଦନ୍ତ ଜାରି ରହିଛି। ଅଭିଯୁକ୍ତମାନଙ୍କୁ ଗିରଫ କରି ଅଦାଲତକୁ ଚାଲାଣ କରାଯାଇଛି। ଏହି ଘଟଣା ଅଞ୍ଚଳରେ ଚାଞ୍ଚଲ୍ୟ ସୃଷ୍ଟି କରିଛି ଏବଂ ଲୋକମାନେ ଦୋଷୀଙ୍କୁ କଡ଼ା ଦଣ୍ଡ ଦେବାକୁ ଦାବି କରିଛନ୍ତି। ସମ୍ପୃକ୍ତ ଘଟଣାକୁ ନେଇ ସ୍ଥାନୀୟ ଲୋକମାନେ ଉଦ୍‌ବେଗ ପ୍ରକାଶ କରିଛନ୍ତି। ପୁଲିସ ଏବଂ ପ୍ରଶାସନ ପକ୍ଷରୁ ତଦନ୍ତ ଜାରି ରହିଛି। ଅଭିଯୁକ୍ତମାନଙ୍କୁ ଗିରଫ କରି ଅଦାଲତକୁ ଚାଲାଣ କରାଯାଇଛି। ଏହି ଘଟଣା ଅଞ୍ଚଳରେ ଚାଞ୍ଚଲ୍ୟ ସୃଷ୍ଟି କରିଛି ଏବଂ ଲୋକମାନେ ଦୋଷୀଙ୍କୁ କଡ଼ା ଦଣ୍ଡ ଦେବାକୁ ଦାବି କରିଛନ୍ତି। ସମ୍ପୃକ୍ତ ଘଟଣାକୁ ନେଇ ସ୍ଥାନୀୟ ଲୋକମାନେ ଉଦ୍‌ବେଗ ପ୍ରକାଶ କରିଛନ୍ତି। ପୁଲିସ ଏବଂ ପ୍ରଶାସନ ପକ୍ଷରୁ ତଦନ୍ତ ଜାରି ରହିଛି। ଅଭିଯୁକ୍ତମାନଙ୍କୁ ଗିରଫ କରି ଅଦାଲତକୁ ଚାଲାଣ କରାଯାଇଛି। ଏହି ଘଟଣା ଅଞ୍ଚଳରେ ଚାଞ୍ଚଲ୍ୟ ସୃଷ୍ଟି କରିଛି ଏବଂ ଲୋକମାନେ ଦୋଷୀଙ୍କୁ କଡ଼ା ଦଣ୍ଡ ଦେବାକୁ ଦାବି କରିଛନ୍ତି। ସମ୍ପୃକ୍ତ ଘଟଣାକୁ ନେଇ ସ୍ଥାନୀୟ ଲୋକମାନେ ଉଦ୍‌ବେଗ ପ୍ରକାଶ କରିଛନ୍ତି। ପୁଲିସ ଏବଂ ପ୍ରଶାସନ ପକ୍ଷରୁ ତଦନ୍ତ ଜାରି ରହିଛି। ଅଭିଯୁକ୍ତମାନଙ୍କୁ ଗିରଫ କରି ଅଦାଲତକୁ ଚାଲାଣ କରାଯାଇଛି। ଏହି ଘଟଣା ଅଞ୍ଚଳରେ ଚାଞ୍ଚଲ୍ୟ ସୃଷ୍ଟି କରିଛି ଏବଂ ଲୋକମାନେ ଦୋଷୀଙ୍କୁ କଡ଼ା ଦଣ୍ଡ ଦେବାକୁ ଦାବି କରିଛନ୍ତି। ସମ୍ପୃକ୍ତ ଘଟଣାକୁ ନେଇ ସ୍ଥାନୀୟ ଲୋକମାନେ ଉଦ୍‌ବେଗ ପ୍ରକାଶ କରିଛନ୍ତି। ପୁଲିସ ଏବଂ ପ୍ରଶାସନ ପକ୍ଷରୁ ତଦନ୍ତ ଜାରି ରହିଛି। ଅଭିଯୁକ୍ତମାନଙ୍କୁ ଗିରଫ କରି ଅଦାଲତକୁ ଚାଲାଣ କରାଯାଇଛି। ଏହି ଘଟଣା ଅଞ୍ଚଳରେ ଚାଞ୍ଚଲ୍ୟ ସୃଷ୍ଟି କରିଛି ଏବଂ ଲୋକମାନେ ଦୋଷୀଙ୍କୁ କଡ଼ା ଦଣ୍ଡ ଦେବାକୁ ଦାବି କରିଛନ୍ତି। ସମ୍ପୃକ୍ତ ଘଟଣାକୁ ନେଇ ସ୍ଥାନୀୟ ଲୋକମାନେ ଉଦ୍‌ବେଗ ପ୍ରକାଶ କରିଛନ୍ତି। ପୁଲିସ ଏବଂ ପ୍ରଶାସନ ପକ୍ଷରୁ ତଦନ୍ତ ଜାରି ରହିଛି। ଅଭିଯୁକ୍ତମାନଙ୍କୁ ଗିରଫ କରି ଅଦାଲତକୁ ଚାଲାଣ କରାଯାଇଛି। ଏହି ଘଟଣା ଅଞ୍ଚଳରେ ଚାଞ୍ଚଲ୍ୟ ସୃଷ୍ଟି କରିଛି ଏବଂ ଲୋକମାନେ ଦୋଷୀଙ୍କୁ କଡ଼ା ଦଣ୍ଡ ଦେବାକୁ ଦାବି କରିଛନ୍ତି। ସମ୍ପୃକ୍ତ ଘଟଣାକୁ ନେଇ ସ୍ଥାନୀୟ ଲୋକମାନେ ଉଦ୍‌ବେଗ ପ୍ରକାଶ କରିଛନ୍ତି। ପୁଲିସ ଏବଂ ପ୍ରଶାସନ ପକ୍ଷରୁ ତଦନ୍ତ ଜାରି ରହିଛି। ଅଭିଯୁକ୍ତମାନଙ୍କୁ ଗିରଫ କରି ଅଦାଲତକୁ ଚାଲାଣ କରାଯାଇଛି। ଏହି ଘଟଣା ଅଞ୍ଚଳରେ ଚାଞ୍ଚଲ୍ୟ ସୃଷ୍ଟି କରିଛି ଏବଂ ଲୋକମାନେ ଦୋଷୀଙ୍କୁ କଡ଼ା ଦଣ୍ଡ ଦେବାକୁ ଦାବି କରିଛନ୍ତି। ସମ୍ପୃକ୍ତ ଘଟଣାକୁ ନେଇ ସ୍ଥାନୀୟ ଲୋକମାନେ ଉଦ୍‌ବେଗ ପ୍ରକାଶ କରିଛନ୍ତି। ପୁଲିସ ଏବଂ ପ୍ରଶାସନ ପକ୍ଷରୁ ତଦନ୍ତ ଜାରି ରହିଛି। ଅଭିଯୁକ୍ତମାନଙ୍କୁ ଗିରଫ କରି ଅଦାଲତକୁ ଚାଲାଣ କରାଯାଇଛି। ଏହି ଘଟଣା ଅଞ୍ଚଳରେ ଚାଞ୍ଚଲ୍ୟ ସୃଷ୍ଟି କରିଛି ଏବଂ ଲୋକମାନେ ଦୋଷୀଙ୍କୁ କଡ଼ା ଦଣ୍ଡ ଦେବାକୁ ଦାବି କରିଛନ୍ତି। ସମ୍ପୃକ୍ତ ଘଟଣାକୁ ନେଇ ସ୍ଥାନୀୟ ଲୋକମାନେ ଉଦ୍‌ବେଗ ପ୍ରକାଶ କରିଛନ୍ତି। ପୁଲିସ ଏବଂ ପ୍ରଶାସନ ପକ୍ଷରୁ ତଦନ୍ତ ଜାରି ରହିଛି। ଅଭିଯୁକ୍ତମାନଙ୍କୁ ଗିରଫ କରି ଅଦାଲତକୁ ଚାଲାଣ କରାଯାଇଛି। ଏହି ଘଟଣା ଅଞ୍ଚଳରେ ଚାଞ୍ଚଲ୍ୟ ସୃଷ୍ଟି କରିଛି ଏବଂ ଲୋକମାନେ ଦୋଷୀଙ୍କୁ କଡ଼ା ଦଣ୍ଡ ଦେବାକୁ ଦାବି କରିଛନ୍ତି। ସମ୍ପୃକ୍ତ ଘଟଣାକୁ ନେଇ ସ୍ଥାନୀୟ ଲୋକମାନେ ଉଦ୍‌ବେଗ ପ୍ରକାଶ କରିଛନ୍ତି। ପୁଲିସ ଏବଂ ପ୍ରଶାସନ ପକ୍ଷରୁ ତଦନ୍ତ ଜାରି ରହିଛି। ଅଭିଯୁକ୍ତମାନଙ୍କୁ ଗିରଫ କରି ଅଦାଲତକୁ ଚାଲାଣ କରାଯାଇଛି। ଏହି ଘଟଣା ଅଞ୍ଚଳରେ ଚାଞ୍ଚଲ୍ୟ ସୃଷ୍ଟି କରିଛି ଏବଂ ଲୋକମାନେ ଦୋଷୀଙ୍କୁ କଡ଼ା ଦଣ୍ଡ ଦେବାକୁ ଦାବି କରିଛନ୍ତି। ସମ୍ପୃକ୍ତ ଘଟଣାକୁ ନେଇ ସ୍ଥାନୀୟ ଲୋକମାନେ ଉଦ୍‌ବେଗ ପ୍ରକାଶ କରିଛନ୍ତି। ପୁଲିସ ଏବଂ ପ୍ରଶାସନ ପକ୍ଷରୁ ତଦନ୍ତ ଜାରି ରହିଛି। ଅଭିଯୁକ୍ତମାନଙ୍କୁ ଗିରଫ କରି ଅଦାଲତକୁ ଚାଲାଣ କରାଯାଇଛି। ଏହି ଘଟଣା ଅଞ୍ଚଳରେ ଚାଞ୍ଚଲ୍ୟ ସୃଷ୍ଟି କରିଛି ଏବଂ ଲୋକମାନେ ଦୋଷୀଙ୍କୁ କଡ଼ା ଦଣ୍ଡ
ବ୍ରାଉନସୁଗାର ଜବତ, ୧ ଗିରଫ
ସମ୍ପୃକ୍ତ ଘଟଣାକୁ ନେଇ ସ୍ଥାନୀୟ ଲୋକମାନେ ଉଦ୍‌ବେଗ ପ୍ରକାଶ କରିଛନ୍ତି। ପୁଲିସ ଏବଂ ପ୍ରଶାସନ ପକ୍ଷରୁ ତଦନ୍ତ ଜାରି ରହିଛି। ଅଭିଯୁକ୍ତମାନଙ୍କୁ ଗିରଫ କରି ଅଦାଲତକୁ ଚାଲାଣ କରାଯାଇଛି। ଏହି ଘଟଣା ଅଞ୍ଚଳରେ ଚାଞ୍ଚଲ୍ୟ ସୃଷ୍ଟି କରିଛି ଏବଂ ଲୋକମାନେ ଦୋଷୀଙ୍କୁ କଡ଼ା ଦଣ୍ଡ ଦେବାକୁ ଦାବି କରିଛନ୍ତି। ସମ୍ପୃକ୍ତ ଘଟଣାକୁ ନେଇ ସ୍ଥାନୀୟ ଲୋକମାନେ ଉଦ୍‌ବେଗ ପ୍ରକାଶ କରିଛନ୍ତି। ପୁଲିସ ଏବଂ ପ୍ରଶାସନ ପକ୍ଷରୁ ତଦନ୍ତ ଜାରି ରହିଛି। ଅଭିଯୁକ୍ତମାନଙ୍କୁ ଗିରଫ କରି ଅଦାଲତକୁ ଚାଲାଣ କରାଯାଇଛି। ଏହି ଘଟଣା ଅଞ୍ଚଳରେ ଚାଞ୍ଚଲ୍ୟ ସୃଷ୍ଟି କରିଛି ଏବଂ ଲୋକମାନେ ଦୋଷୀଙ୍କୁ କଡ଼ା ଦଣ୍ଡ ଦେବାକୁ ଦାବି କରିଛନ୍ତି। ସମ୍ପୃକ୍ତ ଘଟଣାକୁ ନେଇ ସ୍ଥାନୀୟ ଲୋକମାନେ ଉଦ୍‌ବେଗ ପ୍ରକାଶ କରିଛନ୍ତି। ପୁଲିସ ଏବଂ ପ୍ରଶାସନ ପକ୍ଷରୁ ତଦନ୍ତ ଜାରି ରହିଛି। ଅଭିଯୁକ୍ତମାନଙ୍କୁ ଗିରଫ କରି ଅଦାଲତକୁ ଚାଲାଣ କରାଯାଇଛି। ଏହି ଘଟଣା ଅଞ୍ଚଳରେ ଚାଞ୍ଚଲ୍ୟ ସୃଷ୍ଟି କରିଛି ଏବଂ ଲୋକମାନେ ଦୋଷୀଙ୍କୁ କଡ଼ା ଦଣ୍ଡ ଦେବାକୁ ଦାବି କରିଛନ୍ତି। ସମ୍ପୃକ୍ତ ଘଟଣାକୁ ନେଇ ସ୍ଥାନୀୟ ଲୋକମାନେ ଉଦ୍‌ବେଗ ପ୍ରକାଶ କରିଛନ୍ତି। ପୁଲିସ ଏବଂ ପ୍ରଶାସନ ପକ୍ଷରୁ ତଦନ୍ତ ଜାରି ରହିଛି। ଅଭିଯୁକ୍ତମାନଙ୍କୁ ଗିରଫ କରି ଅଦାଲତକୁ ଚାଲାଣ କରାଯାଇଛି। ଏହି ଘଟଣା ଅଞ୍ଚଳରେ ଚାଞ୍ଚଲ୍ୟ ସୃଷ୍ଟି କରିଛି ଏବଂ ଲୋକମାନେ ଦୋଷୀଙ୍କୁ କଡ଼ା ଦଣ୍ଡ ଦେବାକୁ ଦାବି କରିଛନ୍ତି। ସମ୍ପୃକ୍ତ ଘଟଣାକୁ ନେଇ ସ୍ଥାନୀୟ ଲୋକମାନେ ଉଦ୍‌ବେଗ ପ୍ରକାଶ କରିଛନ୍ତି। ପୁଲିସ ଏବଂ ପ୍ରଶାସନ ପକ୍ଷରୁ ତଦନ୍ତ ଜାରି ରହିଛି। ଅଭିଯୁକ୍ତମାନଙ୍କୁ ଗିରଫ କରି ଅଦାଲତକୁ ଚାଲାଣ କରାଯାଇଛି। ଏହି ଘଟଣା ଅଞ୍ଚଳରେ ଚାଞ୍ଚଲ୍ୟ ସୃଷ୍ଟି କରିଛି ଏ
ସମ୍ପୃକ୍ତ ଘଟଣାକୁ ନେଇ ସ୍ଥାନୀୟ ଲୋକମାନେ ଉଦ୍‌ବେଗ ପ୍ରକାଶ କରିଛନ୍ତି। ପୁଲିସ ଏବଂ ପ୍ରଶାସନ ପକ୍ଷରୁ ତଦନ୍ତ ଜାରି ରହିଛି। ଅଭିଯୁକ୍ତମାନଙ୍କୁ ଗିରଫ କରି ଅଦାଲତକୁ ଚାଲାଣ କରାଯାଇଛି। ଏହି ଘଟଣା ଅଞ୍ଚଳରେ ଚାଞ୍ଚଲ୍ୟ ସୃଷ୍ଟି କରିଛି ଏବଂ ଲୋକମାନେ ଦୋଷୀଙ୍କୁ କଡ଼ା ଦଣ୍ଡ ଦେବାକୁ ଦାବି କରିଛନ୍ତି। ସମ୍ପୃକ୍ତ ଘଟଣାକୁ ନେଇ ସ୍ଥାନୀୟ ଲୋକମାନେ ଉଦ୍‌ବେଗ ପ୍ରକାଶ କରିଛନ୍ତି। ପୁଲିସ ଏବଂ ପ୍ରଶାସନ ପକ୍ଷରୁ ତଦନ୍ତ ଜାରି ରହିଛି। ଅଭିଯୁକ୍ତମାନଙ୍କୁ ଗିରଫ କରି ଅଦାଲତକୁ ଚାଲାଣ କରାଯାଇଛି। ଏହି ଘଟଣା ଅଞ୍ଚଳରେ ଚାଞ୍ଚଲ୍ୟ ସୃଷ୍ଟି କରିଛି ଏବଂ ଲୋକମାନେ ଦୋଷୀଙ୍କୁ କଡ଼ା ଦଣ୍ଡ ଦେବାକୁ ଦାବି କରିଛନ୍ତି। ସମ୍ପୃକ୍ତ ଘଟଣାକୁ ନେଇ ସ୍ଥାନୀୟ ଲୋକମାନେ ଉଦ୍‌ବେଗ ପ୍ରକାଶ କରିଛନ୍ତି। ପୁଲିସ ଏବଂ ପ୍ରଶାସନ ପକ୍ଷରୁ ତଦନ୍ତ ଜାରି ରହିଛି। ଅଭିଯୁକ୍ତମାନଙ୍କୁ ଗିରଫ କରି ଅଦାଲତକୁ ଚାଲାଣ କରାଯାଇଛି। ଏହି ଘଟଣା ଅଞ୍ଚଳରେ ଚାଞ୍ଚଲ୍ୟ ସୃଷ୍ଟି କରିଛି ଏବଂ ଲୋକମାନେ ଦୋଷୀଙ୍କୁ କଡ଼ା ଦଣ୍ଡ ଦେବାକୁ ଦାବି କରିଛନ୍ତି। ସମ୍ପୃକ୍ତ ଘଟଣାକୁ ନେଇ ସ୍ଥାନୀୟ ଲୋକମାନେ ଉଦ୍‌ବେଗ ପ୍ରକାଶ କରିଛନ୍ତି। ପୁଲିସ ଏବଂ ପ୍ରଶାସନ ପକ୍ଷରୁ ତଦନ୍ତ ଜାରି ରହିଛି। ଅଭିଯୁକ୍ତମାନଙ୍କୁ ଗିରଫ କରି ଅଦାଲତକୁ ଚାଲାଣ କରାଯାଇଛି। ଏହି ଘଟଣା ଅଞ୍ଚଳରେ ଚାଞ୍ଚଲ୍ୟ ସୃଷ୍ଟି କରିଛି ଏବଂ ଲୋକମାନେ ଦୋଷୀଙ୍କୁ କଡ଼ା ଦଣ୍ଡ ଦେବାକୁ ଦାବି କରିଛନ୍ତି। ସମ୍ପୃକ୍ତ ଘଟଣାକୁ ନେଇ ସ୍ଥାନୀୟ ଲୋକମାନେ ଉଦ୍‌ବେଗ ପ୍ରକାଶ କରିଛନ୍ତି। ପୁଲିସ ଏବଂ ପ୍ରଶାସନ ପକ୍ଷରୁ ତଦନ୍ତ ଜାରି ରହିଛି। ଅଭିଯୁକ୍ତମାନଙ୍କୁ ଗିରଫ କରି ଅଦାଲତକୁ ଚାଲାଣ କରାଯାଇଛି। ଏହି ଘଟଣା ଅଞ୍ଚଳରେ ଚାଞ୍ଚଲ୍ୟ ସୃଷ୍ଟି କରିଛି ଏବଂ ଲୋକମାନେ ଦୋଷୀଙ୍କୁ କଡ଼ା ଦଣ୍ଡ ଦେବାକୁ ଦାବି କରିଛନ୍ତି। ସମ୍ପୃକ୍ତ ଘଟଣାକୁ ନେଇ ସ୍ଥାନୀୟ ଲୋକମାନେ ଉଦ୍‌ବେଗ ପ୍ରକାଶ କରିଛନ୍ତି। ପୁଲିସ ଏବଂ ପ୍ରଶାସନ ପକ୍ଷରୁ ତଦନ୍ତ ଜାରି ରହିଛି। ଅଭିଯୁକ୍ତମାନଙ୍କୁ ଗିରଫ କରି ଅଦାଲତକୁ ଚାଲାଣ କରାଯାଇଛି। ଏହି ଘଟଣା ଅଞ୍ଚଳରେ ଚାଞ୍ଚଲ୍ୟ ସୃଷ୍ଟି କରିଛି ଏବଂ ଲୋକମାନେ ଦୋଷୀଙ୍କୁ କଡ଼ା ଦଣ୍ଡ ଦେବାକୁ ଦାବି କରିଛନ୍ତି। ସମ୍ପୃକ୍ତ ଘଟଣାକୁ ନେଇ ସ୍ଥାନୀୟ ଲୋକମାନେ ଉଦ୍‌ବେଗ ପ୍ରକାଶ କରିଛନ୍ତି। ପୁଲିସ ଏବଂ ପ୍ରଶାସନ ପକ୍ଷରୁ ତଦନ୍ତ ଜାରି ରହିଛି। ଅଭିଯୁକ୍ତମାନଙ୍କୁ ଗିରଫ କରି ଅଦାଲତକୁ ଚାଲାଣ କରାଯାଇଛି। ଏହି ଘଟଣା ଅଞ୍ଚଳରେ ଚାଞ୍ଚଲ୍ୟ ସୃଷ୍ଟି କରିଛି ଏବଂ ଲୋକମାନେ ଦୋଷୀଙ୍କୁ କଡ଼ା ଦଣ୍ଡ ଦେବାକୁ ଦାବି କରିଛନ୍ତି। ସମ୍ପୃକ୍ତ ଘଟଣାକୁ ନେଇ ସ୍ଥାନୀୟ ଲୋକମାନେ ଉଦ୍‌ବେଗ ପ୍ରକାଶ କରିଛନ୍ତି। ପୁଲିସ ଏବଂ ପ୍ରଶାସନ ପକ୍ଷରୁ ତଦନ୍ତ ଜାରି ରହିଛି। ଅଭିଯୁକ୍ତମାନଙ୍କୁ ଗିରଫ କରି ଅଦାଲତକୁ ଚାଲାଣ କରାଯାଇଛି। ଏହି ଘଟଣା ଅଞ୍ଚଳରେ ଚାଞ୍ଚଲ୍ୟ ସୃଷ୍ଟି କରିଛି ଏବଂ ଲୋକମାନେ ଦୋଷୀଙ୍କୁ କଡ଼ା ଦଣ୍ଡ ଦେବାକୁ ଦାବି କରିଛନ୍ତି। ସମ୍ପୃକ୍ତ ଘଟଣାକୁ ନେଇ ସ୍ଥାନୀୟ ଲୋକମାନେ ଉଦ୍‌ବେଗ ପ୍ରକାଶ କରିଛନ୍ତି। ପୁଲିସ ଏବଂ ପ୍ରଶାସନ ପକ୍ଷରୁ ତଦ
ଦନ୍ତା ହାତୀ ଆକ୍ରମଣ
ବୃଦ୍ଧା ଗୁରୁତର
ସମ୍ପୃକ୍ତ ଘଟଣାକୁ ନେଇ ସ୍ଥାନୀୟ ଲୋକମାନେ ଉଦ୍‌ବେଗ ପ୍ରକାଶ କରିଛନ୍ତି। ପୁଲିସ ଏବଂ ପ୍ରଶାସନ ପକ୍ଷରୁ ତଦନ୍ତ ଜାରି ରହିଛି। ଅଭିଯୁକ୍ତମାନଙ୍କୁ ଗିରଫ କରି ଅଦାଲତକୁ ଚାଲାଣ କରାଯାଇଛି। ଏହି ଘଟଣା ଅଞ୍ଚଳରେ ଚାଞ୍ଚଲ୍ୟ ସୃଷ୍ଟି କରିଛି ଏବଂ ଲୋକମାନେ ଦୋଷୀଙ୍କୁ କଡ଼ା ଦଣ୍ଡ ଦେବାକୁ ଦାବି କରିଛନ୍ତି। ସମ୍ପୃକ୍ତ ଘଟଣାକୁ ନେଇ ସ୍ଥାନୀୟ ଲୋକମାନେ ଉଦ୍‌ବେଗ ପ୍ରକାଶ କରିଛନ୍ତି। ପୁଲିସ ଏବଂ ପ୍ରଶାସନ ପକ୍ଷରୁ ତଦନ୍ତ ଜାରି ରହିଛି। ଅଭିଯୁକ୍ତମାନଙ୍କୁ ଗିରଫ କରି ଅଦାଲତକୁ ଚାଲାଣ କରାଯାଇଛି। ଏହି ଘଟଣା ଅଞ୍ଚଳରେ ଚାଞ୍ଚଲ୍ୟ ସୃଷ୍ଟି କରିଛି ଏବଂ ଲୋକମାନେ ଦୋଷୀଙ୍କୁ କଡ଼ା ଦଣ୍ଡ ଦେବାକୁ ଦାବି କରିଛନ୍ତି। ସମ୍ପୃକ୍ତ ଘଟଣାକୁ ନେଇ ସ୍ଥାନୀୟ ଲୋକମାନେ ଉଦ୍‌ବେଗ ପ୍ରକାଶ କରିଛନ୍ତି। ପୁଲିସ ଏବଂ ପ୍ରଶାସନ ପକ୍ଷରୁ ତଦନ୍ତ ଜାରି ରହିଛି। ଅଭିଯୁକ୍ତମାନଙ୍କୁ ଗିରଫ କରି ଅଦାଲତକୁ ଚାଲାଣ କରାଯାଇଛି। ଏହି ଘଟଣା ଅଞ୍ଚଳରେ ଚାଞ୍ଚଲ୍ୟ ସୃଷ୍ଟି କରିଛି ଏବଂ ଲୋକମାନେ ଦୋଷୀଙ୍କୁ କଡ଼ା ଦଣ୍ଡ ଦେବାକୁ ଦାବି କରିଛନ୍ତି। ସମ୍ପୃକ୍ତ ଘଟଣାକୁ ନେଇ ସ୍ଥାନୀୟ ଲୋକମାନେ ଉଦ୍‌ବେଗ ପ୍ରକାଶ କରିଛନ୍ତି। ପୁଲିସ ଏବଂ ପ୍ରଶାସନ ପକ୍ଷରୁ ତଦନ୍ତ ଜାରି ରହିଛି। ଅଭିଯୁକ୍ତମାନଙ୍କୁ ଗିରଫ କରି ଅଦାଲତକୁ ଚାଲାଣ କରାଯାଇଛି। ଏହି ଘଟଣା ଅଞ୍ଚଳରେ ଚାଞ୍ଚଲ୍ୟ ସୃଷ୍ଟି କରିଛି ଏବଂ ଲୋକମାନେ ଦୋଷୀଙ୍କୁ କଡ଼ା ଦଣ୍ଡ ଦେବାକୁ ଦାବି କରିଛନ୍ତି। ସମ୍ପୃକ୍ତ ଘଟଣାକୁ ନେଇ ସ୍ଥାନୀୟ ଲୋକମାନେ ଉଦ୍‌ବେଗ ପ୍ରକାଶ କରିଛନ୍ତି। ପୁଲିସ ଏବଂ ପ୍ରଶାସନ ପକ୍ଷରୁ ତଦନ୍ତ ଜାରି ରହିଛି। ଅଭିଯୁକ୍ତମାନଙ୍କୁ ଗିରଫ କରି ଅଦାଲତକୁ ଚାଲାଣ କରାଯାଇଛି। ଏହି ଘଟଣା ଅଞ୍ଚଳରେ ଚାଞ୍ଚଲ୍ୟ ସୃଷ୍ଟି କରିଛି ଏବଂ ଲୋକମାନେ ଦୋଷୀଙ୍କୁ କଡ଼ା ଦଣ୍ଡ ଦେବାକୁ ଦାବି କରିଛନ୍ତି। ସମ୍ପୃକ୍ତ ଘଟଣାକୁ ନେଇ ସ୍ଥାନୀୟ ଲୋକମାନେ ଉଦ୍‌ବେଗ ପ୍ରକାଶ କରିଛନ୍ତି। ପୁଲିସ ଏବଂ ପ୍ରଶାସନ ପକ୍ଷରୁ ତଦନ୍ତ ଜାରି ରହିଛି। ଅଭିଯୁକ୍ତମାନଙ୍କୁ ଗିରଫ କରି ଅଦାଲତକୁ ଚାଲାଣ କରାଯାଇଛି। ଏହି ଘଟଣା ଅଞ୍ଚଳରେ ଚାଞ୍ଚଲ୍ୟ ସୃଷ୍ଟି କରିଛି ଏବଂ ଲୋକମାନେ ଦୋଷୀଙ୍କୁ କଡ଼ା ଦଣ୍ଡ ଦେବାକୁ ଦାବି କରିଛନ୍ତି। ସମ୍ପୃକ୍ତ ଘଟଣାକୁ ନେଇ ସ୍ଥାନୀୟ ଲୋକମାନେ ଉଦ୍‌ବେଗ ପ୍ରକାଶ କରିଛନ୍ତି। ପୁଲିସ ଏବଂ ପ୍ରଶାସନ ପକ୍ଷରୁ ତଦନ୍ତ ଜାରି ରହିଛି। ଅଭିଯୁକ୍ତମାନଙ୍କୁ ଗିରଫ କରି ଅଦାଲତକୁ ଚାଲାଣ କରାଯାଇଛି। ଏହି ଘଟଣା ଅଞ୍ଚଳରେ ଚାଞ୍ଚଲ୍ୟ ସୃଷ୍ଟି କରିଛି ଏବଂ ଲୋକମାନେ ଦୋଷୀଙ୍କୁ କଡ଼ା ଦଣ୍ଡ ଦେବାକୁ ଦାବି କରିଛନ୍ତି। ସମ୍ପୃକ୍ତ ଘଟଣାକୁ ନେଇ ସ୍ଥାନୀୟ ଲୋକମାନେ ଉଦ୍‌ବେଗ ପ୍ରକାଶ କରିଛନ୍ତି। ପୁଲିସ ଏବଂ ପ୍ରଶାସନ ପକ୍ଷରୁ ତଦନ୍ତ ଜାରି ରହିଛି। ଅଭିଯୁକ୍ତମାନଙ୍କୁ ଗିରଫ କରି ଅଦାଲତକୁ ଚାଲାଣ କରାଯାଇଛି। ଏହି ଘଟଣା ଅଞ୍ଚଳରେ ଚାଞ୍ଚଲ୍ୟ ସୃଷ୍ଟି କରିଛି ଏବଂ ଲୋକମାନେ ଦୋଷୀଙ୍କୁ କଡ଼ା ଦଣ୍ଡ ଦେବାକୁ ଦାବି କରିଛନ୍ତି। ସମ୍ପୃକ୍ତ ଘଟଣାକୁ ନେଇ ସ୍ଥାନୀୟ ଲୋକମାନେ ଉଦ୍‌ବେଗ ପ୍ରକାଶ କରିଛନ୍ତି। ପୁଲିସ ଏବଂ ପ୍ରଶାସନ ପକ୍ଷରୁ ତଦନ୍ତ ଜାରି ରହିଛି। ଅଭିଯୁକ୍ତମାନଙ୍କୁ ଗିରଫ କରି ଅଦାଲତକୁ ଚାଲାଣ କରାଯାଇଛି। ଏହି ଘଟଣା ଅଞ୍ଚଳରେ ଚାଞ୍ଚଲ୍ୟ ସୃଷ୍ଟି କରିଛି ଏବଂ ଲୋକମାନେ ଦୋଷୀଙ୍କୁ କଡ଼ା ଦଣ୍ଡ ଦେବାକୁ ଦାବି କରିଛନ୍ତି। ସମ୍ପୃକ୍ତ ଘଟଣାକୁ ନେଇ ସ୍ଥାନୀୟ ଲୋକମାନେ ଉଦ୍‌ବେଗ ପ୍ରକାଶ କରିଛନ୍ତି। ପୁଲିସ ଏବଂ ପ୍ରଶାସନ ପକ୍ଷରୁ ତଦନ୍ତ ଜାରି ରହିଛି। ଅଭିଯୁକ୍ତମାନଙ୍କୁ ଗିରଫ କରି ଅଦାଲତକୁ ଚାଲାଣ କରାଯାଇଛି। ଏହି ଘଟଣା ଅଞ୍ଚଳରେ ଚାଞ୍ଚଲ୍ୟ ସୃଷ୍ଟି କରିଛି ଏବଂ ଲୋକମାନେ ଦୋଷୀଙ୍କୁ କଡ଼ା ଦଣ୍ଡ ଦେବାକୁ ଦାବି କରିଛନ୍ତି। ସମ୍ପୃକ୍ତ ଘଟଣାକୁ ନେଇ ସ୍ଥାନୀୟ ଲୋକମାନେ ଉଦ୍‌ବେଗ ପ୍ରକାଶ କରିଛନ୍ତି। ପୁଲିସ ଏବଂ ପ୍ରଶାସନ ପକ୍ଷରୁ ତଦନ୍ତ ଜାରି ରହିଛି। ଅଭିଯୁକ୍ତମାନଙ୍କୁ ଗିରଫ କରି ଅଦାଲତକୁ ଚାଲାଣ କରାଯାଇଛି। ଏହି ଘଟଣା ଅଞ୍ଚଳରେ ଚାଞ୍ଚଲ୍ୟ ସୃଷ୍ଟି କରିଛି ଏବଂ ଲୋକମାନେ ଦୋଷୀଙ୍କୁ କଡ଼ା ଦଣ୍ଡ ଦେବାକୁ ଦାବି କରିଛନ୍ତି। ସମ୍ପୃକ୍ତ ଘଟଣାକୁ ନେଇ ସ୍ଥାନୀୟ ଲୋକମାନେ ଉଦ୍‌ବେଗ ପ୍ରକାଶ କରିଛନ୍ତି। ପୁଲିସ ଏବଂ ପ୍ରଶାସନ ପକ୍ଷରୁ ତଦନ୍ତ ଜାରି ରହିଛି। ଅଭିଯୁକ୍ତମାନଙ୍କୁ ଗିରଫ କରି ଅଦାଲତକୁ ଚାଲାଣ କରାଯାଇଛି। ଏହି ଘଟଣା ଅଞ୍ଚଳରେ ଚାଞ୍ଚଲ୍ୟ ସୃଷ୍ଟି କରିଛି ଏବଂ ଲୋକମାନେ ଦୋଷୀଙ୍କୁ କଡ଼ା ଦଣ୍ଡ ଦେବାକୁ ଦାବି କରିଛନ୍ତି। ସମ୍ପୃକ୍ତ ଘଟଣାକୁ ନେଇ ସ୍ଥାନୀୟ ଲୋକମାନେ ଉଦ୍‌ବେଗ ପ୍ରକାଶ କରିଛନ୍ତି। ପୁଲିସ ଏବଂ ପ୍ରଶାସନ ପକ୍ଷରୁ ତଦନ୍ତ ଜାରି ରହିଛି। ଅଭିଯୁକ୍ତମାନଙ୍କୁ ଗିରଫ କରି ଅଦାଲତକୁ ଚାଲାଣ କରାଯାଇଛି। ଏହି ଘଟଣା ଅଞ୍ଚଳରେ ଚାଞ୍ଚଲ୍ୟ ସୃଷ୍ଟି କରିଛି ଏବଂ ଲୋକମାନେ ଦୋଷୀଙ୍କୁ କଡ଼ା ଦଣ୍ଡ ଦେବାକୁ ଦାବି କରିଛନ୍ତି। ସମ୍ପୃକ୍ତ ଘଟଣାକୁ ନେଇ ସ୍ଥାନୀୟ ଲୋକମାନେ ଉଦ୍‌ବେଗ ପ୍ରକାଶ କରିଛନ୍ତି। ପୁଲିସ ଏବଂ ପ୍ରଶାସନ ପକ୍ଷରୁ ତଦନ୍ତ ଜାରି ରହିଛି। ଅଭିଯୁକ୍ତମାନଙ୍କୁ ଗିରଫ କରି ଅଦାଲତକୁ ଚାଲାଣ କରାଯାଇଛି। ଏହି ଘଟଣା ଅଞ୍ଚଳରେ ଚାଞ୍ଚଲ୍ୟ ସୃଷ୍ଟି କରିଛି ଏବଂ ଲୋକମାନେ ଦୋଷୀଙ୍କୁ କଡ଼ା ଦଣ୍ଡ ଦେବାକୁ ଦାବି କରିଛନ୍ତି। ସମ୍ପୃକ୍ତ ଘଟଣାକୁ ନେଇ ସ୍ଥାନୀୟ ଲୋକମାନେ ଉଦ୍‌ବେଗ ପ୍ରକାଶ କରିଛନ୍ତି। ପୁଲିସ ଏବଂ ପ୍ରଶାସନ ପକ୍ଷରୁ ତଦନ୍ତ ଜାରି ରହିଛି। ଅଭିଯୁକ୍ତମାନଙ୍କୁ ଗିରଫ କରି ଅଦାଲତକୁ ଚାଲାଣ କରାଯାଇଛି। ଏହି ଘଟଣା ଅଞ୍ଚଳରେ ଚାଞ୍ଚଲ୍ୟ ସୃଷ୍ଟି କରିଛି ଏବଂ ଲୋକମାନେ ଦୋଷୀଙ୍କୁ କଡ଼ା ଦଣ୍ଡ ଦେବାକୁ ଦାବି କରିଛନ୍ତି। ସମ୍ପୃକ୍ତ
ମାର୍ଶ୍ଵ ଘରେ ଭଉଣୀ ଓ ବାପର ବଧ
ମାର୍ଶ୍ଵ ଭଉଣୀଙ୍କୁ ମାରିଦେଲା
ସୁନ୍ଦରଗଡ଼, ୧୪ା୫ (ସମିସ): ପାରିବାରିକ କଳହ ଘଟଣାରେ ଘରେ ଥିବା ଭାଇ ତାଙ୍କ ଭଉଣୀଙ୍କୁ ଆକ୍ରମଣ କରି ମାରିଦେଇଛି ବୋଲି ଅଭିଯୋଗ ହୋଇଛି। ଘଟଣା ସ୍ଥଳରେ ପୁଲିସ ପହଞ୍ଚି ତଦନ୍ତ ଆରମ୍ଭ କରିଛି ଏବଂ ଅଭିଯୁକ୍ତଙ୍କୁ ଗିରଫ କରାଯାଇଛି।
ସମ୍ପୃକ୍ତ ଘଟଣାକୁ ନେଇ ସ୍ଥାନୀୟ ଲୋକମାନେ ଉଦ୍‌ବେଗ ପ୍ରକାଶ କରିଛନ୍ତି। ପୁଲିସ ଏବଂ ପ୍ରଶାସନ ପକ୍ଷରୁ ତଦନ୍ତ ଜାରି ରହିଛି। ଅଭିଯୁକ୍ତମାନଙ୍କୁ ଗିରଫ କରି ଅଦାଲତକୁ ଚାଲାଣ କରାଯାଇଛି। ଏହି ଘଟଣା ଅଞ୍ଚଳରେ ଚାଞ୍ଚଲ୍ୟ ସୃଷ୍ଟି କରିଛି ଏବଂ ଲୋକମାନେ ଦୋଷୀଙ୍କୁ କଡ଼ା ଦଣ୍ଡ ଦେବାକୁ ଦାବି କରିଛନ୍ତି। ସମ୍ପୃକ୍ତ ଘଟଣାକୁ ନେଇ ସ୍ଥାନୀୟ ଲୋକମାନେ ଉଦ୍‌ବେଗ ପ୍ରକାଶ କରିଛନ୍ତି। ପୁଲିସ ଏବଂ ପ୍ରଶାସନ ପକ୍ଷରୁ ତଦନ୍ତ ଜାରି ରହିଛି। ଅଭିଯୁକ୍ତମାନଙ୍କୁ ଗିରଫ କରି ଅଦାଲତକୁ ଚାଲାଣ କରାଯାଇଛି। ଏହି ଘଟଣା ଅଞ୍ଚଳରେ ଚାଞ୍ଚଲ୍ୟ ସୃଷ୍ଟି କରିଛି ଏବଂ ଲୋକମାନେ ଦୋଷୀଙ୍କୁ କଡ଼ା ଦଣ୍ଡ ଦେବାକୁ ଦାବି କରିଛନ୍ତି। ସମ୍ପୃକ୍ତ ଘଟଣାକୁ ନେଇ ସ୍ଥାନୀୟ ଲୋକମାନେ ଉଦ୍‌ବେଗ ପ୍ରକାଶ କରିଛନ୍ତି। ପୁଲିସ ଏବଂ ପ୍ରଶାସନ ପକ୍ଷରୁ ତଦନ୍ତ ଜାରି ରହିଛି। ଅଭିଯୁକ୍ତମାନଙ୍କୁ ଗିରଫ କରି ଅଦାଲତକୁ ଚାଲାଣ କରାଯାଇଛି। ଏହି ଘଟଣା ଅଞ୍ଚଳରେ ଚାଞ୍ଚଲ୍ୟ ସୃଷ୍ଟି କରିଛି ଏବଂ ଲୋକମାନେ ଦୋଷୀଙ୍କୁ କଡ଼ା ଦଣ୍ଡ ଦେବାକୁ ଦାବି କରିଛନ୍ତି। ସମ୍ପୃକ୍ତ ଘଟଣାକୁ ନେଇ ସ୍ଥାନୀୟ ଲୋକମାନେ ଉଦ୍‌ବେଗ ପ୍ରକାଶ କରିଛନ୍ତି। ପୁଲିସ ଏବଂ ପ୍ରଶାସନ ପକ୍ଷରୁ ତଦନ୍ତ ଜାରି ରହିଛି। ଅଭିଯୁକ୍ତମାନଙ୍କୁ ଗିରଫ କରି ଅଦାଲତକୁ ଚାଲାଣ କରାଯାଇଛି। ଏହି ଘଟଣା ଅଞ୍ଚଳରେ ଚାଞ୍ଚଲ୍ୟ ସୃଷ୍ଟି କରିଛି ଏବଂ ଲୋକମାନେ ଦୋଷୀଙ୍କୁ କଡ଼ା ଦଣ୍ଡ ଦେବାକୁ ଦାବି କରିଛନ୍ତି। ସମ୍ପୃକ୍ତ ଘଟଣାକୁ ନେଇ ସ୍ଥାନୀୟ ଲୋକମାନେ ଉଦ୍‌ବେଗ ପ୍ରକାଶ କରିଛନ୍ତି। ପୁଲିସ ଏବଂ ପ୍ରଶାସନ ପକ୍ଷରୁ ତଦନ୍ତ ଜାରି ରହିଛି। ଅଭିଯୁକ୍ତମାନଙ୍କୁ ଗିରଫ କରି ଅଦାଲତକୁ ଚାଲାଣ କରାଯାଇଛି। ଏହି ଘଟଣା ଅଞ୍ଚଳରେ ଚାଞ୍ଚଲ୍ୟ ସୃଷ୍ଟି କରିଛି ଏବଂ ଲୋକମାନେ ଦୋଷୀଙ୍କୁ କଡ଼ା ଦଣ୍ଡ ଦେବାକୁ ଦାବି କରିଛନ୍ତି। ସମ୍ପୃକ୍ତ ଘଟଣାକୁ ନେଇ ସ୍ଥାନୀୟ ଲୋକମାନେ ଉଦ୍‌ବେଗ ପ୍ରକାଶ କରିଛନ୍ତି। ପୁଲିସ ଏବଂ ପ୍ରଶାସନ ପକ୍ଷରୁ ତଦନ୍ତ ଜାରି ରହିଛି। ଅଭିଯୁକ୍ତମାନଙ୍କୁ ଗିରଫ କରି ଅଦାଲତକୁ ଚାଲାଣ କରାଯାଇଛି। ଏହି ଘଟଣା ଅଞ୍ଚଳରେ ଚାଞ୍ଚଲ୍ୟ ସୃଷ୍ଟି କରିଛି ଏବଂ ଲୋକମାନେ ଦୋଷୀଙ୍କୁ କଡ଼ା ଦଣ୍ଡ ଦେବାକୁ ଦାବି କରିଛନ୍ତି। ସମ୍ପୃକ୍ତ ଘଟଣାକୁ ନେଇ ସ୍ଥାନୀୟ ଲୋକମାନେ ଉଦ୍‌ବେଗ ପ୍ରକାଶ କରିଛନ୍ତି। ପୁଲିସ ଏବଂ ପ୍ରଶାସନ ପକ୍ଷରୁ ତଦନ୍ତ ଜାରି ରହିଛି। ଅଭିଯୁକ୍ତମାନଙ୍କୁ ଗିରଫ କରି ଅଦାଲତକୁ ଚାଲାଣ କରାଯାଇଛି। ଏହି ଘଟଣା ଅଞ୍ଚଳରେ ଚାଞ୍ଚଲ୍ୟ ସୃଷ୍ଟି କରିଛି ଏବଂ ଲୋକମାନେ ଦୋଷୀଙ୍କୁ କଡ଼ା ଦଣ୍ଡ ଦେବାକୁ ଦାବି କରିଛନ୍ତି। ସମ୍ପୃକ୍ତ ଘଟଣାକୁ ନେଇ ସ୍ଥାନୀୟ ଲୋକମାନେ ଉଦ୍‌ବେଗ ପ୍ରକାଶ କରିଛନ୍ତି। ପୁଲିସ ଏବଂ ପ୍ରଶାସନ ପକ୍ଷରୁ ତଦନ୍ତ ଜାରି ରହିଛି। ଅଭିଯୁକ୍ତମାନଙ୍କୁ ଗିରଫ କରି ଅଦାଲତକୁ ଚାଲାଣ କରାଯାଇଛି। ଏହି ଘଟଣା ଅଞ୍ଚଳରେ ଚାଞ୍ଚଲ୍ୟ ସୃଷ୍ଟି କରିଛି ଏବଂ ଲୋକମାନେ ଦୋଷୀଙ୍କୁ କଡ଼ା ଦଣ୍ଡ ଦେବାକୁ ଦାବି କରିଛନ୍ତି। ସମ୍ପୃକ୍ତ ଘଟଣାକୁ ନେଇ ସ୍ଥାନୀୟ ଲୋକମାନେ ଉଦ୍‌ବେଗ ପ୍ରକାଶ କରିଛନ୍ତି। ପୁଲିସ ଏବଂ ପ୍ରଶାସନ ପକ୍ଷରୁ ତଦନ୍ତ ଜାରି
ସମ୍ପୃକ୍ତ ଘଟଣାକୁ ନେଇ ସ୍ଥାନୀୟ ଲୋକମାନେ ଉଦ୍‌ବେଗ ପ୍ରକାଶ କରିଛନ୍ତି। ପୁଲିସ ଏବଂ ପ୍ରଶାସନ ପକ୍ଷରୁ ତଦନ୍ତ ଜାରି ରହିଛି। ଅଭିଯୁକ୍ତମାନଙ୍କୁ ଗିରଫ କରି ଅଦାଲତକୁ ଚାଲାଣ କରାଯାଇଛି। ଏହି ଘଟଣା ଅଞ୍ଚଳରେ ଚାଞ୍ଚଲ୍ୟ ସୃଷ୍ଟି କରିଛି ଏବଂ ଲୋକମାନେ ଦୋଷୀଙ୍କୁ କଡ଼ା ଦଣ୍ଡ ଦେବାକୁ ଦାବି କରିଛନ୍ତି। ସମ୍ପୃକ୍ତ ଘଟଣାକୁ ନେଇ ସ୍ଥାନୀୟ ଲୋକମାନେ ଉଦ୍‌ବେଗ ପ୍ରକାଶ କରିଛନ୍ତି। ପୁଲିସ ଏବଂ ପ୍ରଶାସନ ପକ୍ଷରୁ ତଦନ୍ତ ଜାରି ରହିଛି। ଅଭିଯୁକ୍ତମାନଙ୍କୁ ଗିରଫ କରି ଅଦାଲତକୁ ଚାଲାଣ କରାଯାଇଛି। ଏହି ଘଟଣା ଅଞ୍ଚଳରେ ଚାଞ୍ଚଲ୍ୟ ସୃଷ୍ଟି କରିଛି ଏବଂ ଲୋକମାନେ ଦୋଷୀଙ୍କୁ କଡ଼ା ଦଣ୍ଡ ଦେବାକୁ ଦାବି କରିଛନ୍ତି। ସମ୍ପୃକ୍ତ ଘଟଣାକୁ ନେଇ ସ୍ଥାନୀୟ ଲୋକମାନେ ଉଦ୍‌ବେଗ ପ୍ରକାଶ କରିଛନ୍ତି। ପୁଲିସ ଏବଂ ପ୍ରଶାସନ ପକ୍ଷରୁ ତଦନ୍ତ ଜାରି ରହିଛି। ଅଭିଯୁକ୍ତମାନଙ୍କୁ ଗିରଫ କରି ଅଦାଲତକୁ ଚାଲାଣ କରାଯାଇଛି। ଏହି ଘଟଣା ଅଞ୍ଚଳରେ ଚାଞ୍ଚଲ୍ୟ ସୃଷ୍ଟି କରିଛି ଏବଂ ଲୋକମାନେ ଦୋଷୀଙ୍କୁ କଡ଼ା ଦଣ୍ଡ ଦେବାକୁ ଦାବି କରିଛନ୍ତି। ସମ୍ପୃକ୍ତ ଘଟଣାକୁ ନେଇ ସ୍ଥାନୀୟ ଲୋକମାନେ ଉଦ୍‌ବେଗ ପ୍ରକାଶ କରିଛନ୍ତି। ପୁଲିସ ଏବଂ ପ୍ରଶାସନ ପକ୍ଷରୁ ତଦନ୍ତ ଜାରି ରହିଛି। ଅଭିଯୁକ୍ତମାନଙ୍କୁ ଗିରଫ କରି ଅଦାଲତକୁ ଚାଲାଣ କରାଯାଇଛି। ଏହି ଘଟଣା ଅଞ୍ଚଳରେ ଚାଞ୍ଚଲ୍ୟ ସୃଷ୍ଟି କରିଛି ଏବଂ ଲୋକମାନେ ଦୋଷୀଙ୍କୁ କଡ଼ା ଦଣ୍ଡ ଦେବାକୁ ଦାବି କରିଛନ୍ତି। ସମ୍ପୃକ୍ତ ଘଟଣାକୁ ନେଇ ସ୍ଥାନୀୟ ଲୋକମାନେ ଉଦ୍‌ବେଗ ପ୍ରକାଶ କରିଛନ୍ତି। ପୁଲିସ ଏବଂ ପ୍ରଶାସନ ପକ୍ଷରୁ ତଦନ୍ତ ଜାରି ରହିଛି। ଅଭିଯୁକ୍ତମାନଙ୍କୁ ଗିରଫ କରି ଅଦାଲତକୁ ଚାଲାଣ କରାଯାଇଛି। ଏହି ଘଟଣା ଅଞ୍ଚଳରେ ଚାଞ୍ଚଲ୍ୟ ସୃଷ୍ଟି କରିଛି ଏବଂ ଲୋକମାନେ ଦୋଷୀଙ୍କୁ କଡ଼ା ଦଣ୍ଡ ଦେବାକୁ ଦାବି କରିଛନ୍ତି। ସମ୍ପୃକ୍ତ ଘଟଣାକୁ ନେଇ ସ୍ଥାନୀୟ ଲୋକମାନେ ଉଦ୍‌ବେଗ ପ୍ରକାଶ କରିଛନ୍ତି।
ସମ୍ପୃକ୍ତ ଘଟଣାକୁ ନେଇ ସ୍ଥାନୀୟ ଲୋକମାନେ ଉଦ୍‌ବେଗ ପ୍ରକାଶ କରିଛନ୍ତି। ପୁଲିସ ଏବଂ ପ୍ରଶାସନ ପକ୍ଷରୁ ତଦନ୍ତ ଜାରି ରହିଛି। ଅଭିଯୁକ୍ତମାନଙ୍କୁ ଗିରଫ କରି ଅଦାଲତକୁ ଚାଲାଣ କରାଯାଇଛି। ଏହି ଘଟଣା ଅଞ୍ଚଳରେ ଚାଞ୍ଚଲ୍ୟ ସୃଷ୍ଟି କରିଛି ଏବଂ ଲୋକମାନେ ଦୋଷୀଙ୍କୁ କଡ଼ା ଦଣ୍ଡ ଦେବାକୁ ଦାବି କରିଛନ୍ତି। ସମ୍ପୃକ୍ତ ଘଟଣାକୁ ନେଇ ସ୍ଥାନୀୟ ଲୋକମାନେ ଉଦ୍‌ବେଗ ପ୍ରକାଶ କରିଛନ୍ତି। ପୁଲିସ ଏବଂ ପ୍ରଶାସନ ପକ୍ଷରୁ ତଦନ୍ତ ଜାରି ରହିଛି। ଅଭିଯୁକ୍ତମାନଙ୍କୁ ଗିରଫ କରି ଅଦାଲତକୁ ଚାଲାଣ କରାଯାଇଛି। ଏହି ଘଟଣା ଅଞ୍ଚଳରେ ଚାଞ୍ଚଲ୍ୟ ସୃଷ୍ଟି କରିଛି ଏବଂ ଲୋକମାନେ ଦୋଷୀଙ୍କୁ କଡ଼ା ଦଣ୍ଡ ଦେବାକୁ ଦାବି କରିଛନ୍ତି। ସମ୍ପୃକ୍ତ ଘଟଣାକୁ ନେଇ ସ୍ଥାନୀୟ ଲୋକମାନେ ଉଦ୍‌ବେଗ ପ୍ରକାଶ କରିଛନ୍ତି। ପୁଲିସ ଏବଂ ପ୍ରଶାସନ ପକ୍ଷରୁ ତଦନ୍ତ ଜାରି ରହିଛି। ଅଭିଯୁକ୍ତମାନଙ୍କୁ ଗିରଫ କରି ଅଦାଲତକୁ ଚାଲାଣ କରାଯାଇଛି। ଏହି ଘଟଣା ଅଞ୍ଚଳରେ ଚାଞ୍ଚଲ୍ୟ ସୃଷ୍ଟି କରିଛି ଏବଂ ଲୋକମାନେ ଦୋଷୀଙ୍କୁ କଡ଼ା ଦଣ୍ଡ ଦେବାକୁ ଦାବି କରିଛନ୍ତି। ସମ୍ପୃକ୍ତ ଘଟଣାକୁ ନେଇ ସ୍ଥାନୀୟ ଲୋକମାନେ ଉଦ୍‌ବେଗ ପ୍ରକାଶ କରିଛନ୍ତି। ପୁଲିସ ଏବଂ ପ୍ରଶାସନ ପକ୍ଷରୁ ତଦନ୍ତ ଜାରି ରହିଛି। ଅଭିଯୁକ୍ତମାନଙ୍କୁ ଗିରଫ କରି ଅଦାଲତକୁ ଚାଲାଣ କରାଯାଇଛି। ଏହି ଘଟଣା ଅଞ୍ଚଳରେ ଚାଞ୍ଚଲ୍ୟ ସୃଷ୍ଟି କରିଛି ଏବଂ ଲୋକମାନେ ଦୋଷୀଙ୍କୁ କଡ଼ା ଦଣ୍ଡ ଦେବାକୁ ଦାବି କରିଛନ୍ତି। ସମ୍ପୃକ୍ତ ଘଟଣାକୁ ନେଇ ସ୍ଥାନୀୟ ଲୋକମାନେ ଉଦ୍‌ବେଗ ପ୍ରକାଶ କରିଛନ୍ତି। ପୁଲିସ ଏବଂ ପ୍ରଶାସନ ପକ୍ଷରୁ ତଦନ୍ତ ଜାରି ରହିଛି। ଅଭିଯୁକ୍ତମାନଙ୍କୁ ଗିରଫ କରି ଅଦାଲତକୁ ଚାଲାଣ କରାଯାଇଛି। ଏହି ଘଟ
ଚଡ଼କା ଏକଲେଖରେ ବିଦାର୍ଥ
ଓଡ଼ିଶାର ୮ ସ୍ଥାନ ୪୦ ଉପରେ
ଭୁବନେଶ୍ୱର, ୧୪ା୫ (ସମିସ): ରାଜ୍ୟରେ ତାପମାତ୍ରା ବୃଦ୍ଧି ପାଇଛି। ଆଠଟି ସ୍ଥାନରେ ତାପମାତ୍ରା ୪୦ ଡିଗ୍ରୀ ଉପରେ ରହିଛି ବୋଲି ପାଣିପାଗ ବିଭାଗ ସୂଚନା ଦେଇଛି।
ସମ୍ପୃକ୍ତ ଘଟଣାକୁ ନେଇ ସ୍ଥାନୀୟ ଲୋକମାନେ ଉଦ୍‌ବେଗ ପ୍ରକାଶ କରିଛନ୍ତି। ପୁଲିସ ଏବଂ ପ୍ରଶାସନ ପକ୍ଷରୁ ତଦନ୍ତ ଜାରି ରହିଛି। ଅଭିଯୁକ୍ତମାନଙ୍କୁ ଗିରଫ କରି ଅଦାଲତକୁ ଚାଲାଣ କରାଯାଇଛି। ଏହି ଘଟଣା ଅଞ୍ଚଳରେ ଚାଞ୍ଚଲ୍ୟ ସୃଷ୍ଟି କରିଛି ଏବଂ ଲୋକମାନେ ଦୋଷୀଙ୍କୁ କଡ଼ା ଦଣ୍ଡ ଦେବାକୁ ଦାବି କରିଛନ୍ତି। ସମ୍ପୃକ୍ତ ଘଟଣାକୁ ନେଇ ସ୍ଥାନୀୟ ଲୋକମାନେ ଉଦ୍‌ବେଗ ପ୍ରକାଶ କରିଛନ୍ତି। ପୁଲିସ ଏବଂ ପ୍ରଶାସନ ପକ୍ଷରୁ ତଦନ୍ତ ଜାରି ରହିଛି। ଅଭିଯୁକ୍ତମାନଙ୍କୁ ଗିରଫ କରି ଅଦାଲତକୁ ଚାଲାଣ କରାଯାଇଛି। ଏହି ଘଟଣା ଅଞ୍ଚଳରେ ଚାଞ୍ଚଲ୍ୟ ସୃଷ୍ଟି କରିଛି ଏବଂ ଲୋକମାନେ ଦୋଷୀଙ୍କୁ କଡ଼ା ଦଣ୍ଡ ଦେବାକୁ ଦାବି କରିଛନ୍ତି। ସମ୍ପୃକ୍ତ ଘଟଣାକୁ ନେଇ ସ୍ଥାନୀୟ ଲୋକମାନେ ଉଦ୍‌ବେଗ ପ୍ରକାଶ କରିଛନ୍ତି। ପୁଲିସ ଏବଂ ପ୍ର
ସମ୍ପୃକ୍ତ ଘଟଣାକୁ ନେଇ ସ୍ଥାନୀୟ ଲୋକମାନେ ଉଦ୍‌ବେଗ ପ୍ରକାଶ କରିଛନ୍ତି। ପୁଲିସ ଏବଂ ପ୍ରଶାସନ ପକ୍ଷରୁ ତଦନ୍ତ ଜାରି ରହିଛି। ଅଭିଯୁକ୍ତମାନଙ୍କୁ ଗିରଫ କରି ଅଦାଲତକୁ ଚାଲାଣ କରାଯାଇଛି। ଏହି ଘଟଣା ଅଞ୍ଚଳରେ ଚାଞ୍ଚଲ୍ୟ ସୃଷ୍ଟି କରିଛି ଏବଂ ଲୋକମାନେ ଦୋଷୀଙ୍କୁ କଡ଼ା ଦଣ୍ଡ ଦେବାକୁ ଦାବି କରିଛନ୍ତି। ସମ୍ପୃକ୍ତ ଘଟଣାକୁ ନେଇ ସ୍ଥାନୀୟ ଲୋକମାନେ ଉଦ୍‌ବେଗ ପ୍ରକାଶ କରିଛନ୍ତି। ପୁଲିସ ଏବଂ ପ୍ରଶାସନ ପକ୍ଷରୁ ତଦନ୍ତ ଜାରି ରହିଛି। ଅଭିଯୁକ୍ତମାନଙ୍କୁ ଗିରଫ କରି ଅଦାଲତକୁ ଚାଲାଣ କରାଯାଇଛି। ଏହି ଘଟଣା ଅଞ୍ଚଳରେ ଚାଞ୍ଚଲ୍ୟ ସୃଷ୍ଟି କରିଛି ଏବଂ ଲୋକମାନେ ଦୋଷୀଙ୍କୁ କଡ଼ା ଦଣ୍ଡ ଦେବାକୁ ଦାବି କରିଛନ୍ତି। ସମ୍ପୃକ୍ତ ଘଟଣାକୁ ନେଇ ସ୍ଥାନୀୟ ଲୋକମାନେ ଉଦ୍‌ବେଗ ପ୍ରକାଶ କରିଛନ୍ତି। ପୁଲିସ ଏବଂ ପ୍ରଶାସନ ପକ୍ଷରୁ ତଦନ୍ତ ଜାରି ରହିଛି। ଅଭିଯୁକ୍ତମାନଙ୍କୁ ଗିରଫ କରି ଅଦାଲତକୁ ଚାଲାଣ କରାଯାଇଛି। ଏହି ଘଟଣା ଅଞ୍ଚଳରେ ଚାଞ୍ଚଲ୍ୟ ସୃଷ୍ଟି କରିଛି ଏବଂ ଲୋକମାନେ ଦୋଷୀଙ୍କୁ କଡ଼ା ଦଣ୍ଡ ଦେବାକୁ ଦାବି କରିଛନ୍ତି। ସମ୍ପୃକ୍ତ ଘଟଣାକୁ ନେଇ ସ୍ଥାନୀୟ ଲୋକମାନେ ଉଦ୍‌ବେଗ ପ୍ରକାଶ କରିଛନ୍ତି। ପୁଲିସ ଏବଂ ପ୍ରଶାସନ ପକ୍ଷରୁ ତଦନ୍ତ ଜାରି ରହିଛି। ଅଭିଯୁକ୍ତମାନଙ୍କୁ ଗିରଫ କରି ଅଦାଲତକୁ ଚାଲାଣ କରାଯାଇଛି। ଏହି ଘଟଣା ଅଞ୍ଚଳରେ ଚାଞ୍ଚଲ୍ୟ ସୃଷ୍ଟି କରିଛି ଏବଂ ଲୋକମାନେ ଦୋଷୀଙ୍କୁ କଡ଼ା ଦଣ୍ଡ ଦେବାକୁ ଦାବି କରିଛନ୍ତି। ସ
ସମ୍ପୃକ୍ତ ଘଟଣାକୁ ନେଇ ସ୍ଥାନୀୟ ଲୋକମାନେ ଉଦ୍‌ବେଗ ପ୍ରକାଶ କରିଛନ୍ତି। ପୁଲିସ ଏବଂ ପ୍ରଶାସନ ପକ୍ଷରୁ ତଦନ୍ତ ଜାରି ରହିଛି। ଅଭିଯୁକ୍ତମାନଙ୍କୁ ଗିରଫ କରି ଅଦାଲତକୁ ଚାଲାଣ କରାଯାଇଛି। ଏହି ଘଟଣା ଅଞ୍ଚଳରେ ଚାଞ୍ଚଲ୍ୟ ସୃଷ୍ଟି କରିଛି ଏବଂ ଲୋକମାନେ ଦୋଷୀଙ୍କୁ କଡ଼ା ଦଣ୍ଡ ଦେବାକୁ ଦାବି କରିଛନ୍ତି। ସମ୍ପୃକ୍ତ ଘଟଣାକୁ ନେଇ ସ୍ଥାନୀୟ ଲୋକମାନେ ଉଦ୍‌ବେଗ ପ୍ରକାଶ କରିଛନ୍ତି। ପୁଲିସ ଏବଂ ପ୍ରଶାସନ ପକ୍ଷରୁ ତଦନ୍ତ ଜାରି ରହିଛି। ଅଭିଯୁକ୍ତମାନଙ୍କୁ ଗିରଫ କରି ଅଦାଲତକୁ ଚାଲାଣ କରାଯାଇଛି। ଏହି ଘଟଣା ଅଞ୍ଚଳରେ ଚାଞ୍ଚଲ୍ୟ ସୃଷ୍ଟି କରିଛି ଏବଂ ଲୋକମାନେ ଦୋଷୀଙ୍କୁ କଡ଼ା ଦଣ୍ଡ ଦେବାକୁ ଦାବି କରିଛନ୍ତି। ସମ୍ପୃକ୍ତ ଘଟଣାକୁ ନେଇ ସ୍ଥାନୀୟ ଲୋକମାନେ ଉଦ୍‌ବେଗ ପ୍ରକାଶ କରିଛନ୍ତି। ପୁଲିସ ଏବଂ ପ୍ରଶାସନ ପକ୍ଷରୁ ତଦନ୍ତ ଜାରି ରହିଛି। ଅଭିଯୁକ୍ତମାନଙ୍କୁ ଗିରଫ କରି ଅଦାଲତକୁ ଚାଲାଣ କରାଯାଇଛି। ଏହି ଘଟଣା ଅଞ୍ଚଳରେ ଚାଞ୍ଚଲ୍ୟ ସୃଷ୍ଟି କରିଛି ଏବଂ ଲୋକମାନେ ଦୋଷୀଙ୍କୁ କଡ଼ା ଦଣ୍ଡ ଦେବାକୁ ଦାବି କରିଛନ୍ତି। ସମ୍ପୃକ୍ତ ଘଟଣାକୁ ନେଇ ସ୍ଥାନୀୟ ଲୋକମାନେ ଉଦ୍‌ବେଗ ପ୍ରକାଶ କରିଛନ୍ତି। ପୁଲିସ ଏବଂ ପ୍ରଶାସନ ପକ୍ଷରୁ ତଦନ୍ତ ଜାରି ରହିଛି। ଅଭିଯୁକ୍ତମାନଙ୍କୁ ଗିରଫ କରି ଅଦାଲତକୁ ଚାଲାଣ କରାଯାଇଛି। ଏହି ଘଟଣା ଅଞ୍ଚଳରେ ଚାଞ୍ଚଲ୍ୟ ସୃଷ୍ଟି କରିଛି ଏବଂ ଲୋକମାନେ ଦୋଷୀଙ୍କୁ କଡ଼ା ଦଣ୍ଡ ଦେବାକୁ ଦାବି କରିଛ
ଚଳିତ୍ରରେ ଜନ୍ମ ନେଲେ ନିକେଳ ବସ୍ତ୍ରା କୁଞ୍ଜର ଶାବକ
ଜଙ୍ଗଲ ବିଭାଗ ପକ୍ଷରୁ ଶାବକର ଯତ୍ନ ନିଆଯାଉଛି। ବନ ଅଧିକାରୀମାନେ ଏହାର ସ୍ୱାସ୍ଥ୍ୟ ଉପରେ ନଜର ରଖିଛନ୍ତି।
ସମ୍ପୃକ୍ତ ଘଟଣାକୁ ନେଇ ସ୍ଥାନୀୟ ଲୋକମାନେ ଉଦ୍‌ବେଗ ପ୍ରକାଶ କରିଛନ୍ତି। ପୁଲିସ ଏବଂ ପ୍ରଶାସନ ପକ୍ଷରୁ ତଦନ୍ତ ଜାରି ରହିଛି। ଅଭିଯୁକ୍ତମାନଙ୍କୁ ଗିରଫ କରି ଅଦାଲତକୁ ଚାଲାଣ କରାଯାଇଛି। ଏହି ଘଟଣା ଅଞ୍ଚଳରେ ଚାଞ୍ଚଲ୍ୟ ସୃଷ୍ଟି କରିଛି ଏବଂ ଲୋକମାନେ ଦୋଷୀଙ୍କୁ କଡ଼ା ଦଣ୍ଡ ଦେବାକୁ ଦାବି କରିଛନ୍ତି। ସମ୍ପୃକ୍ତ ଘଟଣାକୁ ନେଇ ସ୍ଥାନୀୟ ଲୋକମାନେ ଉଦ୍‌ବେଗ ପ୍ରକାଶ କରିଛନ୍ତି। ପୁଲିସ ଏବଂ ପ୍ରଶାସନ ପକ୍ଷରୁ ତଦନ୍ତ ଜାରି ରହିଛି। ଅଭିଯୁକ୍ତମାନଙ୍କୁ ଗିରଫ କରି ଅଦାଲତକୁ ଚାଲାଣ କରାଯାଇଛି। ଏହି ଘଟଣା ଅଞ୍ଚଳରେ ଚାଞ୍ଚଲ୍ୟ ସୃଷ୍ଟି କରିଛି ଏବଂ ଲୋକମାନେ ଦୋଷୀଙ୍କୁ କଡ଼ା ଦଣ୍ଡ ଦେବାକୁ ଦାବି କରିଛନ୍ତି। ସମ୍ପୃକ୍ତ ଘଟଣାକୁ ନେଇ ସ୍ଥାନୀୟ ଲୋକମାନେ ଉଦ୍‌ବେଗ ପ୍ରକାଶ କରିଛନ୍ତି। ପୁଲିସ ଏବଂ ପ୍ରଶାସନ ପକ୍ଷରୁ ତଦନ୍ତ ଜାରି ରହିଛି। ଅଭିଯୁକ୍ତମାନଙ୍କୁ ଗିରଫ କରି ଅଦାଲତକୁ ଚାଲାଣ କରାଯାଇଛି। ଏହି ଘଟଣା ଅଞ୍ଚଳରେ ଚାଞ୍ଚଲ୍ୟ ସୃଷ୍ଟି କରିଛି ଏବଂ ଲୋକମାନେ ଦୋଷୀଙ୍କୁ କଡ଼ା ଦଣ୍ଡ ଦେବାକୁ ଦାବି କରିଛନ୍ତି। ସମ୍ପୃକ୍ତ ଘଟଣାକୁ ନେଇ ସ୍ଥାନୀୟ ଲୋକମାନେ ଉଦ୍‌ବେଗ ପ୍ରକାଶ କରିଛନ୍ତି। ପୁଲିସ ଏବଂ ପ୍ରଶାସନ ପକ୍ଷରୁ ତଦନ୍ତ ଜାରି ରହିଛି। ଅଭିଯୁକ୍ତମାନଙ୍କୁ ଗିରଫ କରି ଅଦାଲତକୁ ଚାଲାଣ କରାଯାଇଛି। ଏହି ଘଟଣା ଅଞ୍ଚଳରେ ଚାଞ୍ଚଲ୍ୟ ସୃଷ୍ଟି କରିଛି ଏବଂ ଲୋକ
ସମ୍ପୃକ୍ତ ଘଟଣାକୁ ନେଇ ସ୍ଥାନୀୟ ଲୋକମାନେ ଉଦ୍‌ବେଗ ପ୍ରକାଶ କରିଛନ୍ତି। ପୁଲିସ ଏବଂ ପ୍ରଶାସନ ପକ୍ଷରୁ ତଦନ୍ତ ଜାରି ରହିଛି। ଅଭିଯୁକ୍ତମାନଙ୍କୁ ଗିରଫ କରି ଅଦାଲତକୁ ଚାଲାଣ କରାଯାଇଛି। ଏହି ଘଟଣା ଅଞ୍ଚଳରେ ଚାଞ୍ଚଲ୍ୟ ସୃଷ୍ଟି କରିଛି ଏବଂ ଲୋକମାନେ ଦୋଷୀଙ୍କୁ କଡ଼ା ଦଣ୍ଡ ଦେବାକୁ ଦାବି କରିଛନ୍ତି। ସମ୍ପୃକ୍ତ ଘଟଣାକୁ ନେଇ ସ୍ଥାନୀୟ ଲୋକମାନେ ଉଦ୍‌ବେଗ ପ୍ରକାଶ କରିଛନ୍ତି। ପୁଲିସ ଏବଂ ପ୍ରଶାସନ ପକ୍ଷରୁ ତଦନ୍ତ ଜାରି ରହିଛି। ଅଭିଯୁକ୍ତମାନଙ୍କୁ ଗିରଫ କରି ଅଦାଲତକୁ ଚାଲାଣ କରାଯାଇଛି। ଏହି ଘଟଣା ଅଞ୍ଚଳରେ ଚାଞ୍ଚଲ୍ୟ ସୃଷ୍ଟି କରିଛି ଏବଂ ଲୋକମାନେ ଦୋଷୀଙ୍କୁ କଡ଼ା ଦଣ୍ଡ ଦେବାକୁ ଦାବି କରିଛନ୍ତି। ସମ୍ପୃକ୍ତ ଘଟଣାକୁ ନେଇ ସ୍ଥାନୀୟ ଲୋକମାନେ ଉଦ୍‌ବେଗ ପ୍ରକାଶ କରିଛନ୍ତି। ପୁଲିସ ଏବଂ ପ୍ରଶାସନ ପକ୍ଷରୁ ତଦନ୍ତ ଜାରି ରହିଛି। ଅଭିଯୁକ୍ତମାନଙ୍କୁ ଗିରଫ କରି ଅଦାଲତକୁ ଚାଲାଣ କରାଯାଇଛି। ଏହି ଘଟଣା ଅଞ୍ଚଳରେ ଚାଞ୍ଚଲ୍ୟ ସୃଷ୍ଟି କରିଛି ଏବଂ ଲୋକମାନେ ଦୋଷୀଙ୍କୁ କଡ଼ା ଦଣ୍ଡ ଦେବାକୁ ଦାବି କରିଛନ୍ତି। ସମ୍ପୃକ୍ତ ଘଟଣାକୁ ନେଇ ସ୍ଥାନୀୟ ଲୋକମାନେ ଉଦ୍‌ବେଗ ପ୍ରକାଶ କରିଛନ୍ତି। ପୁଲିସ ଏବଂ ପ୍ରଶାସନ ପକ୍ଷରୁ ତଦନ୍ତ ଜାରି ରହିଛି। ଅଭିଯୁକ୍ତମାନଙ୍କୁ ଗିରଫ କରି ଅଦାଲତକୁ ଚାଲାଣ କରାଯାଇଛି। ଏହି ଘଟଣା ଅଞ୍ଚଳରେ ଚାଞ୍ଚଲ୍ୟ ସୃଷ୍ଟି କରିଛି ଏବଂ ଲୋକମାନେ ଦୋଷୀଙ୍କୁ କଡ଼ା ଦଣ୍ଡ ଦେବାକୁ ଦାବି କରିଛନ୍ତି। ସମ୍ପୃକ୍ତ ଘଟଣାକୁ ନେଇ ସ୍ଥାନୀୟ ଲୋକମାନେ ଉଦ୍‌ବେଗ ପ୍ରକାଶ କରିଛନ୍ତି। ପୁଲିସ ଏବଂ ପ୍ରଶାସନ ପକ୍ଷରୁ ତଦନ୍ତ ଜାରି ରହିଛି। ଅଭିଯୁକ୍ତମାନଙ୍କୁ ଗିରଫ କରି ଅଦାଲତକୁ ଚାଲାଣ କରାଯାଇଛି। ଏହି ଘଟଣା ଅଞ୍ଚଳରେ ଚାଞ୍ଚଲ୍ୟ ସୃଷ୍ଟି କ
ସମ୍ପୃକ୍ତ ଘଟଣାକୁ ନେଇ ସ୍ଥାନୀୟ ଲୋକମାନେ ଉଦ୍‌ବେଗ ପ୍ରକାଶ କରିଛନ୍ତି। ପୁଲିସ ଏବଂ ପ୍ରଶାସନ ପକ୍ଷରୁ ତଦନ୍ତ ଜାରି ରହିଛି। ଅଭିଯୁକ୍ତମାନଙ୍କୁ ଗିରଫ କରି ଅଦାଲତକୁ ଚାଲାଣ କରାଯାଇଛି। ଏହି ଘଟଣା ଅଞ୍ଚଳରେ ଚାଞ୍ଚଲ୍ୟ ସୃଷ୍ଟି କରିଛି ଏବଂ ଲୋକମାନେ ଦୋଷୀଙ୍କୁ କଡ଼ା ଦଣ୍ଡ ଦେବାକୁ ଦାବି କରିଛନ୍ତି। ସମ୍ପୃକ୍ତ ଘଟଣାକୁ ନେଇ ସ୍ଥାନୀୟ ଲୋକମାନେ ଉଦ୍‌ବେଗ ପ୍ରକାଶ କରିଛନ୍ତି। ପୁଲିସ ଏବଂ ପ୍ରଶାସନ ପକ୍ଷରୁ ତଦନ୍ତ ଜାରି ରହିଛି। ଅଭିଯୁକ୍ତମାନଙ୍କୁ ଗିରଫ କରି ଅଦାଲତକୁ ଚାଲାଣ କରାଯାଇଛି। ଏହି ଘଟଣା ଅଞ୍ଚଳରେ ଚାଞ୍ଚଲ୍ୟ ସୃଷ୍ଟି କରିଛି ଏବଂ ଲୋକମାନେ ଦୋଷୀଙ୍କୁ କଡ଼ା ଦଣ୍ଡ ଦେବାକୁ ଦାବି କରିଛନ୍ତି। ସମ୍ପୃକ୍ତ ଘଟଣାକୁ ନେଇ ସ୍ଥାନୀୟ ଲୋକମାନେ ଉଦ୍‌ବେଗ ପ୍ରକାଶ କରିଛନ୍ତି। ପୁଲିସ ଏବଂ ପ୍ରଶାସନ ପକ୍ଷରୁ ତଦନ୍ତ ଜାରି ରହିଛି। ଅଭିଯୁକ୍ତମାନଙ୍କୁ ଗିରଫ କରି ଅଦାଲତକୁ ଚାଲାଣ କରାଯାଇଛି। ଏହି ଘଟଣା ଅଞ୍ଚଳରେ ଚାଞ୍ଚଲ୍ୟ ସୃଷ୍ଟି କରିଛି ଏବଂ ଲୋକମାନେ ଦୋଷୀଙ୍କୁ କଡ଼ା ଦଣ୍ଡ ଦେବାକୁ ଦାବି କରିଛନ୍ତି। ସମ୍ପୃକ୍ତ ଘଟଣାକୁ ନେଇ ସ୍ଥାନୀୟ ଲୋକମାନେ ଉଦ୍‌ବେଗ ପ୍ରକାଶ କରିଛନ୍ତି। ପୁଲିସ ଏବଂ ପ୍ରଶାସନ ପକ୍ଷରୁ ତଦନ୍ତ ଜାରି ରହିଛି। ଅଭିଯୁକ୍ତମାନଙ୍କୁ ଗିରଫ କରି ଅଦାଲତକୁ ଚାଲାଣ କରାଯାଇଛି। ଏହି ଘଟଣା ଅଞ୍ଚଳରେ ଚାଞ୍ଚଲ୍ୟ ସୃଷ୍ଟି କରିଛି ଏବଂ ଲୋକମାନେ ଦୋଷୀଙ୍କୁ କଡ଼ା ଦଣ୍ଡ ଦେବାକୁ ଦାବି କରିଛନ୍ତି। ସମ୍ପୃକ୍ତ ଘଟଣାକୁ ନେଇ ସ୍ଥାନୀୟ ଲୋକମାନେ ଉଦ୍‌ବେଗ ପ୍ରକାଶ କରିଛନ୍ତି। ପୁଲିସ ଏବଂ ପ୍ରଶାସନ ପକ୍ଷରୁ ତଦନ୍ତ ଜାରି ରହିଛି। ଅଭିଯୁକ୍ତମାନଙ୍କୁ ଗିରଫ କରି ଅଦାଲତକୁ ଚାଲାଣ କରାଯାଇଛି। ଏହି ଘଟଣା ଅଞ୍ଚଳରେ ଚାଞ୍ଚ
ଭିଜିଲାନ୍ସ କବଳରେ
୫ ଶହ ଲିଟର ଜବତ
ସମ୍ପୃକ୍ତ ଘଟଣାକୁ ନେଇ ସ୍ଥାନୀୟ ଲୋକମାନେ ଉଦ୍‌ବେଗ ପ୍ରକାଶ କରିଛନ୍ତି। ପୁଲିସ ଏବଂ ପ୍ରଶାସନ ପକ୍ଷରୁ ତଦନ୍ତ ଜାରି ରହିଛି। ଅଭିଯୁକ୍ତମାନଙ୍କୁ ଗିରଫ କରି ଅଦାଲତକୁ ଚାଲାଣ କରାଯାଇଛି। ଏହି ଘଟଣା ଅଞ୍ଚଳରେ ଚାଞ୍ଚଲ୍ୟ ସୃଷ୍ଟି କରିଛି ଏବଂ ଲୋକମାନେ ଦୋଷୀଙ୍କୁ କଡ଼ା ଦଣ୍ଡ ଦେବାକୁ ଦାବି କରିଛନ୍ତି। ସମ୍ପୃକ୍ତ ଘଟଣାକୁ ନେଇ ସ୍ଥାନୀୟ ଲୋକମାନେ ଉଦ୍‌ବେଗ ପ୍ରକାଶ କରିଛନ୍ତି। ପୁଲିସ ଏବଂ ପ୍ରଶାସନ ପକ୍ଷରୁ ତଦନ୍ତ ଜାରି ରହିଛି। ଅଭିଯୁକ୍ତମାନଙ୍କୁ ଗିରଫ କରି ଅଦାଲତକୁ ଚାଲାଣ କରାଯାଇଛି। ଏହି ଘଟଣା ଅଞ୍ଚଳରେ ଚାଞ୍ଚଲ୍ୟ ସୃଷ୍ଟି କରିଛି ଏବଂ ଲୋକମାନେ ଦୋଷୀଙ୍କୁ କଡ଼ା ଦଣ୍ଡ ଦେବାକୁ ଦାବି କରିଛନ୍ତି। ସମ୍ପୃକ୍ତ ଘଟଣାକୁ ନେଇ ସ୍ଥାନୀୟ ଲୋକମାନେ ଉଦ୍‌ବେଗ ପ୍ରକାଶ କରିଛନ୍ତି। ପୁଲିସ ଏବଂ ପ୍ରଶାସନ ପକ୍ଷରୁ ତଦନ୍ତ ଜାରି ରହିଛି। ଅଭିଯୁକ୍ତମାନଙ୍କୁ ଗିରଫ କରି ଅଦାଲତକୁ ଚାଲାଣ କରାଯାଇଛି। ଏହି ଘଟଣା ଅଞ୍ଚଳରେ ଚାଞ୍ଚଲ୍ୟ ସୃଷ୍ଟି କରିଛି ଏବଂ ଲୋକମାନେ ଦୋଷୀଙ୍କୁ କଡ଼ା ଦଣ୍ଡ ଦେବାକୁ ଦାବି କରିଛନ୍ତି। ସମ୍ପୃକ୍ତ ଘଟଣାକୁ ନେଇ ସ୍ଥାନୀୟ ଲୋକମାନେ ଉଦ୍‌ବେଗ ପ୍ରକାଶ କରିଛନ୍ତି। ପୁଲିସ ଏବଂ ପ୍ରଶାସନ ପକ୍ଷରୁ ତଦନ୍ତ ଜାରି ରହିଛି। ଅଭିଯୁକ୍ତମାନଙ୍କୁ ଗିରଫ କରି ଅଦାଲତକୁ ଚାଲାଣ କରାଯାଇଛି। ଏହି ଘଟଣା ଅଞ୍ଚଳରେ ଚାଞ୍ଚଲ୍ୟ ସୃଷ୍ଟି କରିଛି ଏବଂ ଲୋକମାନେ ଦୋଷୀଙ୍କୁ କଡ଼ା ଦଣ୍ଡ ଦେବାକୁ ଦାବି କରିଛନ୍ତି। ସମ୍ପୃକ୍ତ ଘଟଣାକୁ ନେଇ ସ୍ଥାନୀୟ ଲୋକମାନେ ଉଦ୍‌ବେଗ ପ୍ରକାଶ କରିଛନ୍ତି। ପୁଲିସ ଏବଂ ପ୍ରଶାସନ ପକ୍ଷରୁ ତଦନ୍ତ ଜାରି ରହିଛି। ଅଭିଯୁକ୍ତମାନଙ୍କୁ ଗିରଫ କରି ଅଦାଲତକୁ ଚାଲାଣ କରାଯାଇଛି। ଏହି ଘଟଣା ଅଞ୍ଚଳରେ ଚାଞ୍ଚଲ୍ୟ ସୃଷ୍ଟି କରିଛି ଏବଂ ଲୋକମାନେ ଦୋଷୀଙ୍କୁ କଡ଼ା ଦଣ୍ଡ ଦେବାକୁ ଦାବି କରିଛନ୍ତି। ସମ୍ପୃକ୍ତ ଘଟଣାକୁ ନେଇ ସ୍ଥାନୀୟ ଲୋକମାନେ ଉଦ୍‌ବେଗ ପ୍ରକାଶ କରିଛନ୍ତି। ପୁଲିସ ଏବଂ ପ୍ରଶାସନ ପକ୍ଷରୁ ତଦନ୍ତ ଜାରି ରହିଛି। ଅଭିଯୁକ୍ତମାନଙ୍କୁ ଗିରଫ କରି ଅଦାଲତକୁ ଚାଲାଣ କରାଯାଇଛି। ଏହି ଘଟଣା ଅଞ୍ଚଳରେ ଚାଞ୍ଚଲ୍ୟ ସୃଷ୍ଟି କରିଛି ଏବଂ ଲୋକମାନେ ଦୋଷୀଙ୍କୁ କଡ଼ା ଦଣ୍ଡ ଦେବାକୁ ଦାବି କରିଛନ୍ତି। ସମ୍ପୃକ୍ତ ଘଟଣାକୁ ନେଇ ସ୍ଥାନୀୟ ଲୋକମାନେ ଉଦ୍‌ବେଗ ପ୍ରକାଶ କରିଛନ୍ତି। ପୁଲିସ ଏବଂ ପ୍ରଶାସନ ପକ୍ଷରୁ ତଦନ୍ତ ଜାରି ରହିଛି। ଅଭିଯୁକ୍ତମାନଙ୍କୁ ଗିରଫ କରି ଅ
ସମ୍ପୃକ୍ତ ଘଟଣାକୁ ନେଇ ସ୍ଥାନୀୟ ଲୋକମାନେ ଉଦ୍‌ବେଗ ପ୍ରକାଶ କରିଛନ୍ତି। ପୁଲିସ ଏବଂ ପ୍ରଶାସନ ପକ୍ଷରୁ ତଦନ୍ତ ଜାରି ରହିଛି। ଅଭିଯୁକ୍ତମାନଙ୍କୁ ଗିରଫ କରି ଅଦାଲତକୁ ଚାଲାଣ କରାଯାଇଛି। ଏହି ଘଟଣା ଅଞ୍ଚଳରେ ଚାଞ୍ଚଲ୍ୟ ସୃଷ୍ଟି କରିଛି ଏବଂ ଲୋକମାନେ ଦୋଷୀଙ୍କୁ କଡ଼ା ଦଣ୍ଡ ଦେବାକୁ ଦାବି କରିଛନ୍ତି। ସମ୍ପୃକ୍ତ ଘଟଣାକୁ ନେଇ ସ୍ଥାନୀୟ ଲୋକମାନେ ଉଦ୍‌ବେଗ ପ୍ରକାଶ କରିଛନ୍ତି। ପୁଲିସ ଏବଂ ପ୍ରଶାସନ ପକ୍ଷରୁ ତଦନ୍ତ ଜାରି ରହିଛି। ଅଭିଯୁକ୍ତମାନଙ୍କୁ ଗିରଫ କରି ଅଦାଲତକୁ ଚାଲାଣ କରାଯାଇଛି। ଏହି ଘଟଣା ଅଞ୍ଚଳରେ ଚାଞ୍ଚଲ୍ୟ ସୃଷ୍ଟି କରିଛି ଏବଂ ଲୋକମାନେ ଦୋଷୀଙ୍କୁ କଡ଼ା ଦଣ୍ଡ ଦେବାକୁ ଦାବି କରିଛନ୍ତି। ସମ୍ପୃକ୍ତ ଘଟଣାକୁ ନେଇ ସ୍ଥାନୀୟ ଲୋକମାନେ ଉଦ୍‌ବେଗ ପ୍ରକାଶ କରିଛନ୍ତି। ପୁଲିସ ଏବଂ ପ୍ରଶାସନ ପକ୍ଷରୁ ତଦନ୍ତ ଜାରି ରହିଛି। ଅଭିଯୁକ୍ତମାନଙ୍କୁ ଗିରଫ କରି ଅଦାଲତକୁ ଚାଲାଣ କରାଯାଇଛି। ଏହି ଘଟଣା ଅଞ୍ଚଳରେ ଚାଞ୍ଚଲ୍ୟ ସୃଷ୍ଟି କରିଛି ଏବଂ ଲୋକମାନେ ଦୋଷୀଙ୍କୁ କଡ଼ା ଦଣ୍ଡ ଦେବାକୁ ଦାବି କରିଛନ୍ତି। ସମ୍ପୃକ୍ତ ଘଟଣାକୁ ନେଇ ସ୍ଥାନୀୟ ଲୋକମାନେ ଉଦ୍‌ବେଗ ପ୍ରକାଶ କରିଛନ୍ତି। ପୁଲିସ ଏବଂ ପ୍ରଶାସନ ପକ୍ଷରୁ ତଦନ୍ତ ଜାରି ରହିଛି। ଅଭିଯୁକ୍ତମାନଙ୍କୁ ଗିରଫ କରି ଅଦାଲତକୁ ଚାଲାଣ କରାଯାଇଛି। ଏହି ଘଟଣା ଅଞ୍ଚଳରେ ଚାଞ୍ଚଲ୍ୟ ସୃଷ୍ଟି କରିଛି ଏବଂ ଲୋକମାନେ ଦୋଷୀଙ୍କୁ କଡ଼ା ଦଣ୍ଡ ଦେବାକୁ ଦାବି କରିଛନ୍ତି। ସମ୍ପୃକ୍ତ ଘଟଣାକୁ ନେଇ ସ୍ଥାନୀୟ ଲୋକମାନେ ଉଦ୍‌ବେଗ ପ୍ରକାଶ କରିଛନ୍ତି। ପୁଲିସ ଏବଂ ପ୍ରଶାସନ ପକ୍ଷରୁ ତଦନ୍ତ ଜାରି ରହିଛି। ଅଭିଯୁକ୍ତମାନଙ୍କୁ ଗିରଫ କରି ଅଦାଲତକୁ ଚାଲାଣ କରାଯାଇଛି। ଏହି ଘଟଣା ଅଞ୍ଚଳରେ ଚାଞ୍ଚଲ୍ୟ ସୃଷ୍ଟି କରିଛି ଏବଂ ଲୋକମାନେ ଦୋଷୀଙ୍କୁ କଡ଼ା ଦଣ୍ଡ ଦେବାକୁ ଦାବି କରିଛନ୍ତି। ସମ୍ପୃକ୍ତ ଘଟଣାକୁ ନେଇ ସ୍ଥାନୀୟ ଲୋକମାନେ ଉଦ୍‌ବେଗ ପ୍ରକାଶ କରିଛନ୍ତି। ପୁଲିସ ଏବଂ ପ୍ରଶାସନ ପକ୍ଷରୁ ତଦନ୍ତ ଜାରି ରହିଛି। ଅଭିଯୁକ୍ତମାନଙ୍କୁ ଗିରଫ କରି ଅଦାଲତକୁ ଚାଲାଣ କରାଯାଇଛି। ଏହି ଘଟଣା ଅଞ୍ଚଳରେ ଚାଞ୍ଚଲ୍ୟ ସୃଷ୍ଟି କରିଛି ଏବଂ ଲୋକମାନେ ଦୋଷୀଙ୍କୁ କଡ଼ା ଦଣ୍ଡ ଦେବାକୁ ଦାବି କରିଛନ୍ତି। ସମ୍ପୃକ୍ତ ଘଟଣାକୁ ନେଇ ସ୍ଥାନୀୟ ଲୋକମାନେ ଉଦ୍‌ବେଗ ପ୍ରକାଶ କରିଛନ୍ତି। ପୁଲିସ ଏବଂ ପ୍ରଶାସନ ପକ୍ଷରୁ ତଦନ୍ତ ଜାରି ରହିଛି। ଅଭିଯୁକ୍ତମାନଙ୍କୁ ଗିରଫ କରି ଅ
ଦକ୍ଷିଣ ଓଡ଼ିଶାରେ ଟିପିଏସଓଡିଏଲ୍‌ର 'ସୌର ମାଁ' ଅଭିଯାନ
ସମ୍ପୃକ୍ତ ଘଟଣାକୁ ନେଇ ସ୍ଥାନୀୟ ଲୋକମାନେ ଉଦ୍‌ବେଗ ପ୍ରକାଶ କରିଛନ୍ତି। ପୁଲିସ ଏବଂ ପ୍ରଶାସନ ପକ୍ଷରୁ ତଦନ୍ତ ଜାରି ରହିଛି। ଅଭିଯୁକ୍ତମାନଙ୍କୁ ଗିରଫ କରି ଅଦାଲତକୁ ଚାଲାଣ କରାଯାଇଛି। ଏହି ଘଟଣା ଅଞ୍ଚଳରେ ଚାଞ୍ଚଲ୍ୟ ସୃଷ୍ଟି କରିଛି ଏବଂ ଲୋକମାନେ ଦୋଷୀଙ୍କୁ କଡ଼ା ଦଣ୍ଡ ଦେବାକୁ ଦାବି କରିଛନ୍ତି। ସମ୍ପୃକ୍ତ ଘଟଣାକୁ ନେଇ ସ୍ଥାନୀୟ ଲୋକମାନେ ଉଦ୍‌ବେଗ ପ୍ରକାଶ କରିଛନ୍ତି। ପୁଲିସ ଏବଂ ପ୍ରଶାସନ ପକ୍ଷରୁ ତଦନ୍ତ ଜାରି ରହିଛି। ଅଭିଯୁକ୍ତମାନଙ୍କୁ ଗିରଫ କରି ଅଦାଲତକୁ ଚାଲାଣ କରାଯାଇଛି। ଏହି ଘଟଣା ଅଞ୍ଚଳରେ ଚାଞ୍ଚଲ୍ୟ ସୃଷ୍ଟି କରିଛି ଏବଂ ଲୋକମାନେ ଦୋଷୀଙ୍କୁ କଡ଼ା ଦଣ୍ଡ ଦେବାକୁ ଦାବି କରିଛନ୍ତି। ସମ୍ପୃକ୍ତ ଘଟଣାକୁ ନେଇ ସ୍ଥାନୀୟ ଲୋକମାନେ ଉଦ୍‌ବେଗ ପ୍ରକାଶ କରିଛନ୍ତି। ପୁଲିସ ଏବଂ ପ୍ରଶାସନ ପକ୍ଷରୁ ତଦନ୍ତ ଜାରି ରହିଛି। ଅଭିଯୁକ୍ତମାନଙ୍କୁ ଗିରଫ କରି ଅଦାଲତକୁ ଚାଲାଣ କରାଯାଇଛି। ଏହି ଘଟଣା ଅଞ୍ଚଳରେ ଚାଞ୍ଚଲ୍ୟ ସୃଷ୍ଟି କରିଛି ଏବଂ ଲୋକମାନେ ଦୋଷୀଙ୍କୁ କଡ଼ା ଦଣ୍ଡ ଦେବାକୁ ଦାବି କରିଛନ୍ତି। ସମ୍ପୃକ୍ତ ଘଟଣାକୁ ନେଇ ସ୍ଥାନୀୟ ଲୋକମାନେ ଉଦ୍‌ବେଗ ପ୍ରକାଶ କରିଛନ୍ତି। ପୁଲିସ ଏବଂ ପ୍ରଶାସନ ପକ୍ଷରୁ ତଦନ୍ତ ଜାରି ରହିଛି। ଅଭିଯୁକ୍ତମାନଙ୍କୁ ଗିରଫ କରି ଅଦାଲତକୁ ଚାଲାଣ କରାଯାଇଛି। ଏହି ଘଟଣା ଅଞ୍ଚଳରେ ଚାଞ୍ଚଲ୍ୟ ସୃଷ୍ଟି କରିଛି ଏବଂ ଲୋକମାନେ ଦୋଷୀଙ୍କୁ କଡ଼ା ଦଣ୍ଡ ଦେବାକୁ ଦାବି କରିଛନ୍ତି। ସମ୍ପୃକ୍ତ ଘଟଣାକୁ ନେଇ ସ୍ଥାନୀୟ ଲୋକମାନେ ଉଦ୍‌ବେଗ ପ୍ରକାଶ କରିଛନ୍ତି। ପୁଲିସ ଏବଂ ପ୍ରଶାସନ ପକ୍ଷରୁ ତଦନ୍ତ ଜାରି ରହିଛି। ଅଭିଯୁକ୍ତମାନଙ୍କୁ ଗିରଫ କରି ଅଦାଲତକୁ ଚାଲାଣ କରାଯାଇଛି। ଏହି ଘଟଣା ଅଞ୍ଚଳରେ ଚାଞ୍ଚଲ୍ୟ ସୃଷ୍ଟି କରିଛି ଏବଂ ଲୋକମାନେ ଦୋଷୀଙ୍କୁ କଡ଼ା ଦଣ୍ଡ ଦେବାକୁ ଦାବି କରିଛନ୍ତି। ସମ୍ପୃକ୍ତ ଘଟଣାକୁ ନେଇ ସ୍ଥାନୀୟ ଲୋକମାନେ ଉଦ୍‌ବେଗ ପ୍ରକାଶ କରିଛନ୍ତି। ପୁଲିସ ଏବଂ ପ୍ରଶାସନ ପକ୍ଷରୁ ତଦନ୍ତ ଜାରି ରହିଛି। ଅଭିଯୁକ୍ତମାନଙ୍କୁ ଗିରଫ କରି ଅଦାଲତକୁ ଚାଲାଣ କରାଯାଇଛି। ଏହି ଘଟଣା ଅଞ୍ଚଳରେ ଚାଞ୍ଚଲ୍ୟ ସୃଷ୍ଟି କରିଛି ଏବଂ ଲୋକମାନେ ଦୋଷୀଙ୍କୁ କଡ଼ା ଦଣ୍ଡ ଦେବାକୁ ଦାବି କରିଛନ୍ତି।
ଗ୍ରାହକମାନଙ୍କୁ ସୌରଶକ୍ତି ବ୍ୟବହାର ପାଇଁ ସଚେତନ କରାଯାଉଛି।
ସମ୍ପୃକ୍ତ ଘଟଣାକୁ ନେଇ ସ୍ଥାନୀୟ ଲୋକମାନେ ଉଦ୍‌ବେଗ ପ୍ରକାଶ କରିଛନ୍ତି। ପୁଲିସ ଏବଂ ପ୍ରଶାସନ ପକ୍ଷରୁ ତଦନ୍ତ ଜାରି ରହିଛି। ଅଭିଯୁକ୍ତମାନଙ୍କୁ ଗିରଫ କରି ଅଦାଲତକୁ ଚାଲାଣ କରାଯାଇଛି। ଏହି ଘଟଣା ଅଞ୍ଚଳରେ ଚାଞ୍ଚଲ୍ୟ ସୃଷ୍ଟି କରିଛି ଏବଂ ଲୋକମାନେ ଦୋଷୀଙ୍କୁ କଡ଼ା ଦଣ୍ଡ ଦେବାକୁ ଦାବି କରିଛନ୍ତି। ସମ୍ପୃକ୍ତ ଘଟଣାକୁ ନେଇ ସ୍ଥାନୀୟ ଲୋକମାନେ ଉଦ୍‌ବେଗ ପ୍ରକାଶ କରିଛନ୍ତି। ପୁଲିସ ଏବଂ ପ୍ରଶାସନ ପକ୍ଷରୁ ତଦନ୍ତ ଜାରି ରହିଛି। ଅଭିଯୁକ୍ତମାନଙ୍କୁ ଗିରଫ କରି ଅଦାଲତକୁ ଚାଲାଣ କରାଯାଇଛି। ଏହି ଘଟଣା ଅଞ୍ଚଳରେ ଚାଞ୍ଚଲ୍ୟ ସୃଷ୍ଟି କରିଛି ଏବଂ ଲୋକମାନେ ଦୋଷୀଙ୍କୁ କଡ଼ା ଦଣ୍ଡ ଦେବାକୁ ଦାବି କରିଛନ୍ତି। ସମ୍ପୃକ୍ତ ଘଟଣାକୁ ନେଇ ସ୍ଥାନୀୟ ଲୋକମାନେ ଉଦ୍‌ବେଗ ପ୍ରକାଶ କରିଛନ୍ତି। ପୁଲିସ ଏବଂ ପ୍ରଶାସନ ପକ୍ଷରୁ ତଦନ୍ତ ଜାରି ରହିଛି। ଅଭିଯୁକ୍ତମାନଙ୍କୁ ଗିର
ସମ୍ପୃକ୍ତ ଘଟଣାକୁ ନେଇ ସ୍ଥାନୀୟ ଲୋକମାନେ ଉଦ୍‌ବେଗ ପ୍ରକାଶ କରିଛନ୍ତି। ପୁଲିସ ଏବଂ ପ୍ରଶାସନ ପକ୍ଷରୁ ତଦନ୍ତ ଜାରି ରହିଛି। ଅଭିଯୁକ୍ତମାନଙ୍କୁ ଗିରଫ କରି ଅଦାଲତକୁ ଚାଲାଣ କରାଯାଇଛି। ଏହି ଘଟଣା ଅଞ୍ଚଳରେ ଚାଞ୍ଚଲ୍ୟ ସୃଷ୍ଟି କରିଛି ଏବଂ ଲୋକମାନେ ଦୋଷୀଙ୍କୁ କଡ଼ା ଦଣ୍ଡ ଦେବାକୁ ଦାବି କରିଛନ୍ତି। ସମ୍ପୃକ୍ତ ଘଟଣାକୁ ନେଇ ସ୍ଥାନୀୟ ଲୋକମାନେ ଉଦ୍‌ବେଗ ପ୍ରକାଶ କରିଛନ୍ତି। ପୁଲିସ ଏବଂ ପ୍ରଶାସନ ପକ୍ଷରୁ ତଦନ୍ତ ଜାରି ରହିଛି। ଅଭିଯୁକ୍ତମାନଙ୍କୁ ଗିରଫ କରି ଅଦାଲତକୁ ଚାଲାଣ କରାଯାଇଛି। ଏହି ଘଟଣା ଅଞ୍ଚଳରେ ଚାଞ୍ଚଲ୍ୟ ସୃଷ୍ଟି କରିଛି ଏବଂ ଲୋକମାନେ ଦୋଷୀଙ୍କୁ କଡ଼ା ଦଣ୍ଡ ଦେବାକୁ ଦାବି କରିଛନ୍ତି। ସମ୍ପୃକ୍ତ ଘଟଣାକୁ ନେଇ ସ୍ଥାନୀୟ ଲୋକମାନେ ଉଦ୍‌ବେଗ ପ୍ରକାଶ କରିଛନ୍ତି। ପୁଲିସ ଏବଂ ପ୍ରଶାସନ ପକ୍ଷରୁ ତଦନ୍ତ ଜାରି ରହିଛି। ଅଭିଯୁକ୍ତମାନଙ୍କୁ ଗିର
ସମ୍ପୃକ୍ତ ଘଟଣାକୁ ନେଇ ସ୍ଥାନୀୟ ଲୋକମାନେ ଉଦ୍‌ବେଗ ପ୍ରକାଶ କରିଛନ୍ତି। ପୁଲିସ ଏବଂ ପ୍ରଶାସନ ପକ୍ଷରୁ ତଦନ୍ତ ଜାରି ରହିଛି। ଅଭିଯୁକ୍ତମାନଙ୍କୁ ଗିରଫ କରି ଅଦାଲତକୁ ଚାଲାଣ କରାଯାଇଛି। ଏହି ଘଟଣା ଅଞ୍ଚଳରେ ଚାଞ୍ଚଲ୍ୟ ସୃଷ୍ଟି କରିଛି ଏବଂ ଲୋକମାନେ ଦୋଷୀଙ୍କୁ କଡ଼ା ଦଣ୍ଡ ଦେବାକୁ ଦାବି କରିଛନ୍ତି। ସମ୍ପୃକ୍ତ ଘଟଣାକୁ ନେଇ ସ୍ଥାନୀୟ ଲୋକମାନେ ଉଦ୍‌ବେଗ ପ୍ରକାଶ କରିଛନ୍ତି। ପୁଲିସ ଏବଂ ପ୍ରଶାସନ ପକ୍ଷରୁ ତଦନ୍ତ ଜାରି ରହିଛି। ଅଭିଯୁକ୍ତମାନଙ୍କୁ ଗିରଫ କରି ଅଦାଲତକୁ ଚାଲାଣ କରାଯାଇଛି। ଏହି ଘଟଣା ଅଞ୍ଚଳରେ ଚାଞ୍ଚଲ୍ୟ ସୃଷ୍ଟି କରିଛି ଏବଂ ଲୋକମାନେ ଦୋଷୀଙ୍କୁ କଡ଼ା ଦଣ୍ଡ ଦେବାକୁ ଦାବି କରିଛନ୍ତି। ସମ୍ପୃକ୍ତ ଘଟଣାକୁ ନେଇ ସ୍ଥାନୀୟ ଲୋକମାନେ ଉଦ୍‌ବେଗ ପ୍ରକାଶ କରିଛନ୍ତି। ପୁଲିସ ଏବଂ ପ୍ରଶାସନ ପକ୍ଷରୁ ତଦନ୍ତ ଜାରି ରହିଛି। ଅଭିଯୁକ୍ତମାନଙ୍କୁ ଗିରଫ କରି ଅଦାଲତକୁ ଚାଲାଣ କରାଯାଇଛି। ଏହି ଘଟଣା ଅଞ୍ଚଳରେ ଚାଞ୍ଚଲ୍ୟ ସୃଷ୍ଟି କରିଛି ଏବଂ ଲୋକମାନେ ଦୋଷୀଙ୍କୁ କଡ଼ା ଦଣ୍ଡ ଦେବାକୁ ଦାବି କରିଛନ୍ତି। ସମ୍ପୃକ୍ତ ଘଟଣାକୁ ନେଇ ସ୍ଥାନୀୟ ଲୋକମାନେ ଉଦ୍‌ବେଗ ପ୍ରକାଶ କରିଛନ୍ତି। ପୁଲିସ ଏବଂ ପ୍ରଶାସନ ପକ୍ଷରୁ ତଦନ୍ତ ଜାରି ରହିଛି। ଅଭିଯୁକ୍ତମାନଙ୍କୁ ଗିରଫ କରି ଅଦାଲତକୁ ଚାଲାଣ କରାଯାଇଛି। ଏହି ଘଟଣା ଅଞ୍ଚଳରେ ଚାଞ୍ଚଲ୍ୟ ସୃଷ୍ଟି କରିଛି ଏବଂ ଲୋକମାନେ ଦୋଷୀଙ୍କୁ କଡ଼ା ଦଣ୍ଡ ଦେବାକୁ ଦାବି କରିଛନ୍ତି। ସମ୍ପୃକ୍ତ ଘଟଣାକୁ ନେଇ ସ୍ଥାନୀୟ ଲୋକମାନେ ଉଦ୍‌ବେଗ ପ୍ରକାଶ କରିଛନ୍ତି। ପୁଲିସ ଏବଂ ପ୍ରଶାସନ ପକ୍ଷରୁ ତଦନ୍ତ ଜାରି ରହିଛି। ଅଭିଯୁକ୍ତମାନଙ୍କୁ ଗିରଫ କରି ଅଦାଲତକୁ ଚାଲାଣ କରାଯାଇଛି। ଏହି ଘଟଣା ଅଞ୍ଚଳରେ ଚାଞ୍ଚଲ୍ୟ ସୃଷ୍ଟି କରିଛି ଏବଂ ଲୋକମାନେ ଦୋଷୀଙ୍କୁ କଡ଼ା ଦଣ୍ଡ ଦେବାକୁ ଦାବି କରିଛନ୍ତି। ସମ୍ପୃକ୍ତ ଘଟଣାକୁ ନେଇ ସ୍ଥାନୀୟ ଲୋକମାନେ ଉଦ୍‌ବେଗ ପ୍ରକାଶ କରିଛନ୍ତି। ପୁଲିସ ଏବଂ ପ୍ରଶାସନ ପକ୍ଷରୁ ତଦନ୍ତ ଜାରି ରହିଛି। ଅଭିଯୁକ୍ତମାନଙ୍କୁ ଗିରଫ କରି ଅଦାଲତକୁ ଚାଲାଣ କରାଯାଇଛି। ଏହି ଘଟଣା ଅଞ୍ଚଳରେ ଚାଞ୍ଚଲ୍ୟ ସୃଷ୍ଟି କରିଛି ଏବଂ ଲୋକମାନେ ଦୋଷୀଙ୍କୁ କଡ଼ା ଦଣ୍ଡ ଦେବାକୁ ଦାବି କରିଛନ୍ତି। ସମ୍ପୃକ୍ତ ଘଟଣାକୁ ନେଇ ସ୍ଥାନୀୟ ଲୋକମାନେ ଉଦ୍‌ବେଗ ପ୍ରକାଶ କରିଛନ୍ତି। ପୁଲିସ ଏବଂ ପ୍ରଶାସନ ପକ୍ଷରୁ ତଦନ୍ତ ଜାରି ରହିଛି। ଅଭିଯୁକ୍ତମାନଙ୍କୁ ଗିରଫ କରି ଅଦାଲତକୁ ଚାଲାଣ କରାଯାଇଛି। ଏହି ଘ
ନିଚ୍ ଲୁଭାରୁ ଲିଚ୍ଚ ଗେଡ଼ି ଲାଗ ଲବ୍ଧି ପ୍ରତିବେଦନରେ ଦିଲ୍ଲୀରେ
ପ୍ରଧାନମନ୍ତ୍ରୀ, ଶିକ୍ଷାମନ୍ତ୍ରୀ ଓ ପେଟ୍ରୋଲିୟମ ମନ୍ତ୍ରୀଙ୍କ କୁଶ ପୁତଳିକା ଦାହ
ସମ୍ପୃକ୍ତ ଘଟଣାକୁ ନେଇ ସ୍ଥାନୀୟ ଲୋକମାନେ ଉଦ୍‌ବେଗ ପ୍ରକାଶ କରିଛନ୍ତି। ପୁଲିସ ଏବଂ ପ୍ରଶାସନ ପକ୍ଷରୁ ତଦନ୍ତ ଜାରି ରହିଛି। ଅଭିଯୁକ୍ତମାନଙ୍କୁ ଗିରଫ କରି ଅଦାଲତକୁ ଚାଲାଣ କରାଯାଇଛି। ଏହି ଘଟଣା ଅଞ୍ଚଳରେ ଚାଞ୍ଚଲ୍ୟ ସୃଷ୍ଟି କରିଛି ଏବଂ ଲୋକମାନେ ଦୋଷୀଙ୍କୁ କଡ଼ା ଦଣ୍ଡ ଦେବାକୁ ଦାବି କରିଛନ୍ତି। ସମ୍ପୃକ୍ତ ଘଟଣାକୁ ନେଇ ସ୍ଥାନୀୟ ଲୋକମାନେ ଉଦ୍‌ବେଗ ପ୍ରକାଶ କରିଛନ୍ତି। ପୁଲିସ ଏବଂ ପ୍ରଶାସନ ପକ୍ଷରୁ ତଦନ୍ତ ଜାରି ରହିଛି। ଅଭିଯୁକ୍ତମାନଙ୍କୁ ଗିରଫ କରି ଅଦାଲତକୁ ଚାଲାଣ କରାଯାଇଛି। ଏହି ଘଟଣା ଅଞ୍ଚଳରେ ଚାଞ୍ଚଲ୍ୟ ସୃଷ୍ଟି କରିଛି ଏବଂ ଲୋକମାନେ ଦୋଷୀଙ୍କୁ କଡ଼ା ଦଣ୍ଡ ଦେବାକୁ ଦାବି କରିଛନ୍ତି। ସମ୍ପୃକ୍ତ ଘଟଣାକୁ ନେଇ ସ୍ଥାନୀୟ ଲୋକମାନେ ଉଦ୍‌ବେଗ ପ୍ରକାଶ କରିଛନ୍ତି। ପୁଲିସ ଏବଂ ପ୍ରଶାସନ ପକ୍ଷରୁ ତଦନ୍ତ ଜାରି ରହିଛି। ଅଭିଯୁକ୍ତମାନଙ୍କୁ ଗିରଫ କରି ଅଦାଲତକୁ ଚାଲାଣ କରାଯାଇଛି। ଏହି ଘଟଣା ଅଞ୍ଚଳରେ ଚାଞ୍ଚଲ୍ୟ ସୃଷ୍ଟି କରିଛି ଏବଂ ଲୋକମାନେ ଦୋଷୀଙ୍କୁ କଡ଼ା ଦଣ୍ଡ ଦେବାକୁ ଦାବି କରିଛନ୍ତି। ସମ୍ପୃକ୍ତ ଘଟଣାକୁ ନେଇ ସ୍ଥାନୀୟ ଲୋକମାନେ ଉଦ୍‌ବେଗ ପ୍ରକାଶ କରିଛନ୍ତି। ପୁଲିସ ଏବଂ ପ୍ରଶାସନ ପକ୍ଷରୁ ତଦନ୍ତ ଜାରି ରହିଛି। ଅଭିଯୁକ୍ତମାନଙ୍କୁ ଗିରଫ କରି ଅଦାଲତକୁ ଚାଲାଣ କରାଯାଇଛି। ଏହି ଘଟଣା ଅଞ୍ଚଳରେ ଚାଞ୍ଚଲ୍ୟ ସୃଷ୍ଟି କରିଛି ଏବଂ ଲୋକମାନେ ଦୋଷୀଙ୍କୁ କଡ଼ା ଦଣ୍ଡ ଦେବାକୁ ଦାବି କରିଛନ୍ତି। ସମ୍ପୃକ୍ତ ଘଟଣାକୁ ନେଇ ସ୍ଥାନୀୟ ଲୋକମାନେ ଉଦ୍‌ବେଗ ପ୍ରକାଶ କରିଛନ୍ତି। ପୁଲିସ ଏବଂ ପ୍ରଶାସନ ପକ୍ଷରୁ ତଦନ୍ତ ଜାରି ରହିଛି। ଅଭିଯୁକ୍ତମାନଙ୍କୁ ଗିରଫ କରି ଅଦାଲତକୁ ଚାଲାଣ କ
ସମ୍ପୃକ୍ତ ଘଟଣାକୁ ନେଇ ସ୍ଥାନୀୟ ଲୋକମାନେ ଉଦ୍‌ବେଗ ପ୍ରକାଶ କରିଛନ୍ତି। ପୁଲିସ ଏବଂ ପ୍ରଶାସନ ପକ୍ଷରୁ ତଦନ୍ତ ଜାରି ରହିଛି। ଅଭିଯୁକ୍ତମାନଙ୍କୁ ଗିରଫ କରି ଅଦାଲତକୁ ଚାଲାଣ କରାଯାଇଛି। ଏହି ଘଟଣା ଅଞ୍ଚଳରେ ଚାଞ୍ଚଲ୍ୟ ସୃଷ୍ଟି କରିଛି ଏବଂ ଲୋକମାନେ ଦୋଷୀଙ୍କୁ କଡ଼ା ଦଣ୍ଡ ଦେବାକୁ ଦାବି କରିଛନ୍ତି। ସମ୍ପୃକ୍ତ ଘଟଣାକୁ ନେଇ ସ୍ଥାନୀୟ ଲୋକମାନେ ଉଦ୍‌ବେଗ ପ୍ରକାଶ କରିଛନ୍ତି। ପୁଲିସ ଏବଂ ପ୍ରଶାସନ ପକ୍ଷରୁ ତଦନ୍ତ ଜାରି ରହିଛି। ଅଭିଯୁକ୍ତମାନଙ୍କୁ ଗିରଫ କରି ଅଦାଲତକୁ ଚାଲାଣ କରାଯାଇଛି। ଏହି ଘଟଣା ଅଞ୍ଚଳରେ ଚାଞ୍ଚଲ୍ୟ ସୃଷ୍ଟି କରିଛି ଏବଂ ଲୋକମାନେ ଦୋଷୀଙ୍କୁ କଡ଼ା ଦଣ୍ଡ ଦେବାକୁ ଦାବି କରିଛନ୍ତି। ସମ୍ପୃକ୍ତ ଘଟଣାକୁ ନେଇ ସ୍ଥାନୀୟ ଲୋକମାନେ ଉଦ୍‌ବେଗ ପ୍ରକାଶ କରିଛନ୍ତି। ପୁଲିସ ଏବଂ ପ୍ରଶାସନ ପକ୍ଷରୁ ତଦନ୍ତ ଜାରି ରହିଛି। ଅଭିଯୁକ୍ତମାନଙ୍କୁ ଗିରଫ କରି ଅଦାଲତକୁ ଚାଲାଣ କରାଯାଇଛି। ଏହି ଘଟଣା ଅଞ୍ଚଳରେ ଚାଞ୍ଚଲ୍ୟ ସୃଷ୍ଟି କରିଛି ଏବଂ ଲୋକମାନେ ଦୋଷୀଙ୍କୁ କଡ଼ା ଦଣ୍ଡ ଦେବାକୁ ଦାବି କରିଛନ୍ତି। ସମ୍ପୃକ୍ତ ଘଟଣାକୁ ନେଇ ସ୍ଥାନୀୟ ଲୋକମାନେ ଉଦ୍‌ବେଗ ପ୍ରକାଶ କରିଛନ୍ତି। ପୁଲିସ ଏବଂ ପ୍ରଶାସନ ପକ୍ଷରୁ ତଦନ୍ତ ଜାରି ରହିଛି। ଅଭିଯୁକ୍ତମାନଙ୍କୁ ଗିରଫ କରି ଅଦାଲତକୁ ଚାଲାଣ କରାଯାଇଛି। ଏହି ଘଟଣା ଅଞ୍ଚଳରେ ଚାଞ୍ଚଲ୍ୟ ସୃଷ୍ଟି କରିଛି ଏବଂ ଲୋକମାନେ ଦୋଷୀଙ୍କୁ କଡ଼ା ଦଣ୍ଡ ଦେବାକୁ ଦାବି କରିଛନ୍ତି। ସମ୍ପୃକ୍ତ ଘଟଣାକୁ ନେଇ ସ୍ଥାନୀୟ ଲୋକମାନେ ଉଦ୍‌ବେଗ ପ୍ରକାଶ କରିଛନ୍ତି। ପୁଲିସ ଏବଂ ପ୍ରଶାସନ ପକ୍ଷରୁ ତଦନ୍ତ ଜାରି ରହିଛି। ଅଭିଯୁକ୍ତମାନଙ୍କୁ ଗିରଫ କରି ଅଦାଲତକୁ ଚାଲାଣ କ
ସମ୍ପୃକ୍ତ ଘଟଣାକୁ ନେଇ ସ୍ଥାନୀୟ ଲୋକମାନେ ଉଦ୍‌ବେଗ ପ୍ରକାଶ କରିଛନ୍ତି। ପୁଲିସ ଏବଂ ପ୍ରଶାସନ ପକ୍ଷରୁ ତଦନ୍ତ ଜାରି ରହିଛି। ଅଭିଯୁକ୍ତମାନଙ୍କୁ ଗିରଫ କରି ଅଦାଲତକୁ ଚାଲାଣ କରାଯାଇଛି। ଏହି ଘଟଣା ଅଞ୍ଚଳରେ ଚାଞ୍ଚଲ୍ୟ ସୃଷ୍ଟି କରିଛି ଏବଂ ଲୋକମାନେ ଦୋଷୀଙ୍କୁ କଡ଼ା ଦଣ୍ଡ ଦେବାକୁ ଦାବି କରିଛନ୍ତି। ସମ୍ପୃକ୍ତ ଘଟଣାକୁ ନେଇ ସ୍ଥାନୀୟ ଲୋକମାନେ ଉଦ୍‌ବେଗ ପ୍ରକାଶ କରିଛନ୍ତି। ପୁଲିସ ଏବଂ ପ୍ରଶାସନ ପକ୍ଷରୁ ତଦନ୍ତ ଜାରି ରହିଛି। ଅଭିଯୁକ୍ତମାନଙ୍କୁ ଗିରଫ କରି ଅଦାଲତକୁ ଚାଲାଣ କରାଯାଇଛି। ଏହି ଘଟଣା ଅଞ୍ଚଳରେ ଚାଞ୍ଚଲ୍ୟ ସୃଷ୍ଟି କରିଛି ଏବଂ ଲୋକମାନେ ଦୋଷୀଙ୍କୁ କଡ଼ା ଦଣ୍ଡ ଦେବାକୁ ଦାବି କରିଛନ୍ତି। ସମ୍ପୃକ୍ତ ଘଟଣାକୁ ନେଇ ସ୍ଥାନୀୟ ଲୋକମାନେ ଉଦ୍‌ବେଗ ପ୍ରକାଶ କରିଛନ୍ତି। ପୁଲିସ ଏବଂ ପ୍ରଶାସନ ପକ୍ଷରୁ ତଦନ୍ତ ଜାରି ରହିଛି। ଅଭିଯୁକ୍ତମାନଙ୍କୁ ଗିରଫ କରି ଅଦାଲତକୁ ଚାଲାଣ କରାଯାଇଛି। ଏହି ଘଟଣା ଅଞ୍ଚଳରେ ଚାଞ୍ଚଲ୍ୟ ସୃଷ୍ଟି କରିଛି ଏବଂ ଲୋକମାନେ ଦୋଷୀଙ୍କୁ କଡ଼ା ଦଣ୍ଡ ଦେବାକୁ ଦାବି କରିଛନ୍ତି। ସମ୍ପୃକ୍ତ ଘଟଣାକୁ ନେଇ ସ୍ଥାନୀୟ ଲୋକମାନେ ଉଦ୍‌ବେଗ ପ୍ରକାଶ କରିଛନ୍ତି। ପୁଲିସ ଏବଂ ପ୍ରଶାସନ ପକ୍ଷରୁ ତଦନ୍ତ ଜାରି ରହିଛି। ଅଭିଯୁକ୍ତମାନଙ୍କୁ ଗିରଫ କରି ଅଦାଲତକୁ ଚାଲାଣ କରାଯାଇଛି। ଏହି ଘଟଣା ଅଞ୍ଚଳରେ ଚାଞ୍ଚଲ୍ୟ ସୃଷ୍ଟି କରିଛି ଏବଂ ଲୋକମାନେ ଦୋଷୀଙ୍କୁ କଡ଼ା ଦଣ୍ଡ ଦେବାକୁ ଦାବି କରିଛନ୍ତି। ସମ୍ପୃକ୍ତ ଘଟଣାକୁ ନେଇ ସ୍ଥାନୀୟ ଲୋକମାନେ ଉଦ୍‌ବେଗ ପ୍ରକାଶ କରିଛନ୍ତି। ପୁଲିସ ଏବଂ ପ୍ରଶାସନ ପକ୍ଷରୁ ତଦନ୍ତ ଜାରି ରହିଛି। ଅଭିଯୁକ୍ତମାନଙ୍କୁ ଗିରଫ କରି ଅଦାଲତକୁ ଚାଲାଣ କରାଯାଇଛି। ଏହି ଘଟଣା ଅଞ୍ଚଳରେ ଚାଞ୍ଚଲ୍ୟ ସୃଷ୍ଟି କରିଛି ଏବଂ ଲୋକମାନେ ଦୋଷୀଙ୍କୁ କଡ଼ା ଦଣ୍ଡ ଦେବାକୁ ଦାବି କରିଛନ୍ତି। ସମ୍ପୃକ୍ତ ଘଟଣାକୁ ନେଇ ସ୍ଥାନୀୟ ଲୋକମାନେ ଉଦ୍‌ବେଗ ପ୍ରକାଶ କରିଛନ୍ତି। ପୁଲିସ ଏବଂ ପ୍ରଶାସନ ପକ୍ଷରୁ ତଦନ୍ତ ଜାରି ରହିଛି। ଅଭିଯୁକ୍ତମାନଙ୍କୁ ଗିରଫ କରି ଅଦାଲତକୁ
ସମ୍ପୃକ୍ତ ଘଟଣାକୁ ନେଇ ସ୍ଥାନୀୟ ଲୋକମାନେ ଉଦ୍‌ବେଗ ପ୍ରକାଶ କରିଛନ୍ତି। ପୁଲିସ ଏବଂ ପ୍ରଶାସନ ପକ୍ଷରୁ ତଦନ୍ତ ଜାରି ରହିଛି। ଅଭିଯୁକ୍ତମାନଙ୍କୁ ଗିରଫ କରି ଅଦାଲତକୁ ଚାଲାଣ କରାଯାଇଛି। ଏହି ଘଟଣା ଅଞ୍ଚଳରେ ଚାଞ୍ଚଲ୍ୟ ସୃଷ୍ଟି କରିଛି ଏବଂ ଲୋକମାନେ ଦୋଷୀଙ୍କୁ କଡ଼ା ଦଣ୍ଡ ଦେବାକୁ ଦାବି କରିଛନ୍ତି। ସମ୍ପୃକ୍ତ ଘଟଣାକୁ ନେଇ ସ୍ଥାନୀୟ ଲୋକମାନେ ଉଦ୍‌ବେଗ ପ୍ରକାଶ କରିଛନ୍ତି। ପୁଲିସ ଏବଂ ପ୍ରଶାସନ ପକ୍ଷରୁ ତଦନ୍ତ ଜାରି ରହିଛି। ଅଭିଯୁକ୍ତମାନଙ୍କୁ ଗିରଫ କରି ଅଦାଲତକୁ ଚାଲାଣ କରାଯାଇଛି। ଏହି ଘଟଣା ଅଞ୍ଚଳରେ ଚାଞ୍ଚଲ୍ୟ ସୃଷ୍ଟି କରିଛି ଏବଂ ଲୋକମାନେ ଦୋଷୀଙ୍କୁ କଡ଼ା ଦଣ୍ଡ ଦେବାକୁ ଦାବି କରିଛନ୍ତି। ସମ୍ପୃକ୍ତ ଘଟଣାକୁ ନେଇ ସ୍ଥାନୀୟ ଲୋକମାନେ ଉଦ୍‌ବେଗ ପ୍ରକାଶ କରିଛନ୍ତି। ପୁଲିସ ଏବଂ ପ୍ରଶାସନ ପକ୍ଷରୁ ତଦନ୍ତ ଜାରି ରହିଛି। ଅଭିଯୁକ୍ତମାନଙ୍କୁ ଗିରଫ କରି ଅଦାଲତକୁ ଚାଲାଣ କ
ଘର ଭଲ ଅସୁବିଧାରେ
୧୦ ଲକ୍ଷ ଟଙ୍କା ଅସୁରକ୍ଷିତ ଶକ୍ତ ଅଭିଯୋଗ
ସମ୍ପୃକ୍ତ ଘଟଣାକୁ ନେଇ ସ୍ଥାନୀୟ ଲୋକମାନେ ଉଦ୍‌ବେଗ ପ୍ରକାଶ କରିଛନ୍ତି। ପୁଲିସ ଏବଂ ପ୍ରଶାସନ ପକ୍ଷରୁ ତଦନ୍ତ ଜାରି ରହିଛି। ଅଭିଯୁକ୍ତମାନଙ୍କୁ ଗିରଫ କରି ଅଦାଲତକୁ ଚାଲାଣ କରାଯାଇଛି। ଏହି ଘଟଣା ଅଞ୍ଚଳରେ ଚାଞ୍ଚଲ୍ୟ ସୃଷ୍ଟି କରିଛି ଏବଂ ଲୋକମାନେ ଦୋଷୀଙ୍କୁ କଡ଼ା ଦଣ୍ଡ ଦେବାକୁ ଦାବି କରିଛନ୍ତି। ସମ୍ପୃକ୍ତ ଘଟଣାକୁ ନେଇ ସ୍ଥାନୀୟ ଲୋକମାନେ ଉଦ୍‌ବେଗ ପ୍ରକାଶ କରିଛନ୍ତି। ପୁଲିସ ଏବଂ ପ୍ରଶାସନ ପକ୍ଷରୁ ତଦନ୍ତ ଜାରି ରହିଛି। ଅଭିଯୁକ୍ତମାନଙ୍କୁ ଗିରଫ କରି ଅଦାଲତକୁ ଚାଲାଣ କରାଯାଇଛି। ଏହି ଘଟଣା ଅଞ୍ଚଳରେ ଚାଞ୍ଚଲ୍ୟ ସୃଷ୍ଟି କରିଛି ଏବଂ ଲୋକମାନେ ଦୋଷୀଙ୍କୁ କଡ଼ା ଦଣ୍ଡ ଦେବାକୁ ଦାବି କରିଛନ୍ତି। ସମ୍ପୃକ୍ତ ଘଟଣାକୁ ନେଇ ସ୍ଥାନୀୟ ଲୋକମାନେ ଉଦ୍‌ବେଗ ପ୍ରକାଶ କରିଛନ୍ତି। ପୁଲିସ ଏବଂ ପ୍ରଶାସନ ପକ୍ଷରୁ ତଦନ୍ତ ଜାରି ରହିଛି। ଅଭିଯୁକ୍ତମାନଙ୍କୁ ଗିରଫ କରି ଅଦାଲତକୁ ଚାଲାଣ କରାଯାଇଛି। ଏହି ଘଟଣା ଅଞ୍ଚଳରେ ଚାଞ୍ଚଲ୍ୟ ସୃଷ୍ଟି କରିଛି ଏବଂ ଲୋକମାନେ ଦୋଷୀଙ୍କୁ କଡ଼ା ଦଣ୍ଡ ଦେବାକୁ ଦାବି କରିଛନ୍ତି। ସମ୍ପୃକ୍ତ ଘଟଣାକୁ ନେଇ ସ୍ଥାନୀୟ ଲୋକମାନେ ଉଦ୍‌ବେଗ ପ୍ରକାଶ କରିଛନ୍ତି। ପୁଲିସ ଏବଂ ପ୍ରଶାସନ ପକ୍ଷରୁ ତଦନ୍ତ ଜାରି ରହିଛି। ଅଭିଯୁକ୍ତମାନଙ୍କୁ ଗିରଫ କରି ଅଦାଲତକୁ ଚାଲାଣ କରାଯାଇଛି। ଏହି ଘଟଣା ଅଞ୍ଚଳରେ ଚାଞ୍ଚଲ୍ୟ ସୃଷ୍ଟି କରିଛି ଏବଂ ଲୋକମାନେ ଦୋଷୀଙ୍କୁ କଡ଼ା ଦଣ୍ଡ ଦେବାକୁ ଦାବି କରିଛନ୍ତି। ସମ୍ପୃକ୍ତ ଘଟଣାକୁ ନେଇ ସ୍ଥାନୀୟ ଲୋକମାନେ ଉଦ୍‌ବେଗ ପ୍ରକାଶ କରିଛନ୍ତି। ପୁଲିସ ଏବଂ ପ୍ରଶାସନ ପକ୍ଷରୁ ତଦନ୍ତ ଜାରି ରହିଛି। ଅଭିଯୁକ୍ତମାନଙ୍କୁ ଗିରଫ କରି ଅଦାଲତକୁ ଚାଲାଣ କରାଯାଇଛି। ଏହି ଘଟଣା ଅଞ୍ଚଳରେ ଚାଞ୍ଚଲ୍ୟ ସୃଷ୍ଟି କରିଛି ଏବଂ ଲୋକମାନେ ଦୋଷୀଙ୍କୁ କଡ଼ା ଦଣ୍ଡ ଦେବାକୁ ଦାବି କରିଛନ୍ତି। ସମ୍ପୃକ୍ତ ଘଟଣାକୁ ନେଇ ସ୍ଥାନୀୟ ଲୋକମାନେ ଉଦ୍‌ବେଗ ପ୍ରକାଶ କରିଛନ୍ତି। ପୁଲିସ ଏବଂ ପ୍ରଶାସନ ପକ୍ଷରୁ ତଦନ୍ତ ଜାରି ରହିଛି। ଅଭିଯୁକ୍ତମାନଙ୍କୁ ଗିରଫ କରି ଅଦାଲତକୁ ଚାଲାଣ କରାଯାଇଛି। ଏହି ଘଟଣା ଅଞ୍ଚଳରେ ଚାଞ୍ଚଲ୍ୟ ସୃଷ୍ଟି କରିଛି ଏବଂ ଲୋକମାନେ ଦୋଷୀଙ୍କୁ କଡ଼ା ଦଣ୍ଡ ଦେବାକୁ ଦାବି କରିଛନ୍ତି। ସମ୍ପୃକ୍ତ ଘଟଣାକୁ ନେଇ ସ୍ଥାନୀୟ ଲୋକମାନେ ଉଦ୍‌ବେଗ ପ୍ରକାଶ କରିଛନ୍ତି। ପୁଲିସ ଏବଂ ପ୍ରଶାସନ ପକ୍ଷରୁ ତଦନ୍ତ ଜାରି ରହିଛି। ଅଭିଯୁକ୍ତମାନଙ୍କୁ ଗିରଫ କରି ଅଦାଲତକୁ ଚାଲାଣ କରାଯାଇଛି। ଏହି ଘଟଣା ଅଞ୍ଚଳରେ ଚାଞ୍ଚଲ୍ୟ ସୃଷ୍ଟି କରିଛି ଏବଂ ଲୋକମାନେ ଦୋଷୀଙ୍କୁ କଡ଼ା ଦଣ୍ଡ ଦେବାକୁ ଦାବି କରିଛନ୍ତି। ସମ୍ପୃକ୍ତ ଘଟଣାକୁ ନେଇ ସ୍ଥାନୀୟ ଲୋକମାନେ ଉଦ୍‌ବେଗ ପ୍ରକାଶ କରିଛନ୍ତି। ପୁଲିସ ଏବଂ ପ୍ରଶାସନ ପକ୍ଷରୁ ତଦନ୍ତ ଜାରି ରହିଛି। ଅଭିଯୁକ୍ତମାନଙ୍କୁ ଗିରଫ କରି ଅଦାଲତକୁ ଚାଲାଣ କରାଯାଇଛି। ଏହି ଘଟଣା ଅଞ୍ଚଳରେ ଚାଞ୍ଚଲ୍ୟ ସୃଷ୍ଟି କରିଛି ଏବଂ ଲୋକମାନେ ଦୋଷୀଙ୍କୁ କଡ଼ା ଦଣ୍ଡ ଦେବାକୁ ଦାବି କରିଛନ୍ତି। ସମ୍ପୃକ୍ତ ଘଟଣାକୁ ନେଇ ସ୍ଥାନୀୟ ଲୋକମାନେ ଉଦ୍‌ବେଗ ପ୍ରକାଶ କରିଛନ୍ତି। ପୁଲିସ ଏବଂ ପ୍ରଶାସନ ପକ୍ଷରୁ ତଦନ୍ତ ଜାରି ରହିଛି। ଅଭିଯୁକ୍ତମାନଙ୍କୁ ଗିରଫ କରି ଅଦାଲତକୁ ଚାଲାଣ କରାଯାଇଛି। ଏହି ଘଟଣା ଅଞ୍ଚଳରେ ଚାଞ୍ଚଲ୍ୟ ସୃଷ୍ଟି କରିଛି ଏବଂ ଲୋକମାନେ ଦୋଷୀଙ୍କୁ କଡ଼ା ଦଣ୍ଡ ଦେବାକୁ ଦାବି କରିଛନ୍ତି। ସମ୍ପୃକ୍ତ ଘଟଣାକୁ ନେଇ ସ୍ଥାନୀୟ ଲୋକମାନେ ଉଦ୍‌ବେଗ ପ୍ରକାଶ କରିଛନ୍ତି। ପୁଲିସ ଏବଂ ପ୍ରଶାସନ ପକ୍ଷରୁ ତଦନ୍ତ ଜାରି ରହିଛି। ଅଭିଯୁକ୍ତମାନଙ୍କୁ ଗିରଫ କରି ଅଦାଲତକୁ ଚାଲାଣ କରାଯାଇଛି। ଏହି ଘଟଣା ଅଞ୍ଚଳରେ ଚାଞ୍ଚଲ୍ୟ ସୃଷ୍ଟି କରିଛି ଏବଂ ଲୋକମାନେ ଦୋଷୀଙ୍କୁ କଡ଼ା ଦଣ୍ଡ ଦେବାକୁ ଦାବି କରିଛନ୍ତି। ସମ୍ପୃକ୍ତ ଘଟଣାକୁ ନେଇ ସ୍ଥାନୀୟ ଲୋକମାନେ ଉଦ୍‌ବେଗ ପ୍ରକାଶ କରିଛନ୍ତି। ପୁଲିସ ଏବଂ ପ୍ରଶାସନ ପକ୍ଷରୁ ତଦନ୍ତ ଜାରି ରହିଛି। ଅଭିଯୁକ୍ତମାନଙ୍କୁ ଗିରଫ କରି ଅଦାଲତକୁ ଚାଲାଣ କରାଯାଇଛି। ଏହି ଘଟଣା ଅଞ୍ଚଳରେ ଚାଞ୍ଚଲ୍ୟ ସୃଷ୍ଟି କରିଛି ଏବଂ ଲୋକମାନେ ଦୋଷୀଙ୍କୁ କଡ଼ା ଦଣ୍ଡ ଦେବାକୁ ଦାବି କରିଛନ୍ତି। ସ
ଥାନାରେ ପୁଲିସ୍-ଜନତା ଖଣ୍ଡଯୁଦ୍ଧ,୭ ଅଟକ
ସମ୍ପୃକ୍ତ ଘଟଣାକୁ ନେଇ ସ୍ଥାନୀୟ ଲୋକମାନେ ଉଦ୍‌ବେଗ ପ୍ରକାଶ କରିଛନ୍ତି। ପୁଲିସ ଏବଂ ପ୍ରଶାସନ ପକ୍ଷରୁ ତଦନ୍ତ ଜାରି ରହିଛି। ଅଭିଯୁକ୍ତମାନଙ୍କୁ ଗିରଫ କରି ଅଦାଲତକୁ ଚାଲାଣ କରାଯାଇଛି। ଏହି ଘଟଣା ଅଞ୍ଚଳରେ ଚାଞ୍ଚଲ୍ୟ ସୃଷ୍ଟି କରିଛି ଏବଂ ଲୋକମାନେ ଦୋଷୀଙ୍କୁ କଡ଼ା ଦଣ୍ଡ ଦେବାକୁ ଦାବି କରିଛନ୍ତି। ସମ୍ପୃକ୍ତ ଘଟଣାକୁ ନେଇ ସ୍ଥାନୀୟ ଲୋକମାନେ ଉଦ୍‌ବେଗ ପ୍ରକାଶ କରିଛନ୍ତି। ପୁଲିସ ଏବଂ ପ୍ରଶାସନ ପକ୍ଷରୁ ତଦନ୍ତ ଜାରି ରହିଛି। ଅଭିଯୁକ୍ତମାନଙ୍କୁ ଗିରଫ କରି ଅଦାଲତକୁ ଚାଲାଣ କରାଯାଇଛି। ଏହି ଘଟଣା ଅଞ୍ଚଳରେ ଚାଞ୍ଚଲ୍ୟ ସୃଷ୍ଟି କରିଛି ଏବଂ ଲୋକମାନେ ଦୋଷୀଙ୍କୁ କଡ଼ା ଦଣ୍ଡ ଦେବାକୁ ଦାବି କରିଛନ୍ତି। ସମ୍ପୃକ୍ତ ଘଟଣାକୁ ନେଇ ସ୍ଥାନୀୟ ଲୋକମାନେ ଉଦ୍‌ବେଗ ପ୍ରକାଶ କରିଛନ୍ତି। ପୁଲିସ ଏବଂ ପ୍ରଶାସନ ପକ୍ଷରୁ ତଦନ୍ତ ଜାରି ରହିଛି। ଅଭିଯୁକ୍ତମାନଙ୍କୁ ଗିରଫ କରି ଅଦାଲତକୁ ଚାଲାଣ କରାଯାଇଛି। ଏହି ଘଟଣା ଅଞ୍ଚଳରେ ଚାଞ୍ଚଲ୍ୟ ସୃଷ୍ଟି କରିଛି ଏବଂ ଲୋକମାନେ ଦୋଷୀଙ୍କୁ କଡ଼ା ଦଣ୍ଡ ଦେବାକୁ ଦାବି କରିଛନ୍ତି। ସମ୍ପୃକ୍ତ ଘଟଣାକୁ ନେଇ ସ୍ଥାନୀୟ ଲୋକମାନେ ଉଦ୍‌ବେଗ ପ୍ରକାଶ କରିଛନ୍ତି। ପୁଲିସ ଏବଂ ପ୍ରଶାସନ ପକ୍ଷରୁ ତଦନ୍ତ ଜାରି ରହିଛି। ଅଭିଯୁକ୍ତମାନଙ୍କୁ ଗିରଫ କରି ଅଦାଲତକୁ ଚାଲାଣ କରାଯାଇଛି। ଏହି ଘଟଣା ଅଞ୍ଚଳରେ ଚାଞ୍ଚଲ୍ୟ ସୃଷ୍ଟି କରିଛି ଏବଂ ଲୋକମାନେ ଦୋଷୀଙ୍କୁ କଡ଼ା ଦଣ୍ଡ ଦେବାକୁ ଦାବି କରିଛନ୍ତି। ସମ୍ପୃକ୍ତ ଘଟଣାକୁ ନେଇ ସ୍ଥାନୀୟ ଲୋକମାନେ ଉଦ୍‌ବେଗ ପ୍ରକାଶ କରିଛନ୍ତି। ପୁଲିସ ଏବଂ ପ୍ରଶାସନ ପକ୍ଷରୁ ତଦନ୍ତ ଜାରି ରହିଛି। ଅଭିଯୁକ୍ତମାନଙ୍କୁ ଗିରଫ କରି ଅଦାଲତକୁ ଚାଲାଣ କରାଯାଇଛି। ଏହି ଘଟଣା ଅଞ୍ଚଳରେ ଚାଞ୍ଚଲ୍ୟ ସୃଷ୍ଟି କରିଛି ଏବଂ ଲୋକମାନେ ଦୋଷୀଙ୍କୁ କଡ଼ା ଦଣ୍ଡ ଦେବାକୁ ଦାବି କରିଛନ୍ତି। ସମ୍ପୃକ୍ତ ଘଟଣାକୁ ନେଇ ସ୍ଥାନୀୟ ଲୋକମାନେ ଉଦ୍‌ବେଗ ପ୍ରକାଶ କରିଛନ୍ତି। ପୁଲିସ ଏବଂ ପ୍ରଶାସନ ପକ୍ଷରୁ ତଦନ୍ତ ଜାରି ରହିଛି। ଅଭିଯୁକ୍ତମାନଙ୍କୁ ଗିରଫ କରି ଅଦାଲତକୁ ଚାଲାଣ କରାଯାଇଛି। ଏହି ଘଟଣା ଅଞ୍ଚଳରେ ଚାଞ୍ଚଲ୍ୟ ସୃଷ୍ଟି କରିଛି ଏବଂ ଲୋକମାନେ ଦୋଷୀଙ୍କୁ କଡ଼ା ଦଣ୍ଡ ଦେବାକୁ ଦାବି କରିଛନ୍ତି। ସମ୍ପୃକ୍ତ ଘଟଣାକୁ ନେଇ ସ୍ଥାନୀୟ ଲୋକମାନେ ଉଦ୍‌ବେଗ ପ୍ରକାଶ କରିଛନ୍ତି। ପୁଲିସ ଏବଂ ପ୍ରଶାସନ ପକ୍ଷରୁ ତଦ
ସମ୍ପୃକ୍ତ ଘଟଣାକୁ ନେଇ ସ୍ଥାନୀୟ ଲୋକମାନେ ଉଦ୍‌ବେଗ ପ୍ରକାଶ କରିଛନ୍ତି। ପୁଲିସ ଏବଂ ପ୍ରଶାସନ ପକ୍ଷରୁ ତଦନ୍ତ ଜାରି ରହିଛି। ଅଭିଯୁକ୍ତମାନଙ୍କୁ ଗିରଫ କରି ଅଦାଲତକୁ ଚାଲାଣ କରାଯାଇଛି। ଏହି ଘଟଣା ଅଞ୍ଚଳରେ ଚାଞ୍ଚଲ୍ୟ ସୃଷ୍ଟି କରିଛି ଏବଂ ଲୋକମାନେ ଦୋଷୀଙ୍କୁ କଡ଼ା ଦଣ୍ଡ ଦେବାକୁ ଦାବି କରିଛନ୍ତି। ସମ୍ପୃକ୍ତ ଘଟଣାକୁ ନେଇ ସ୍ଥାନୀୟ ଲୋକମାନେ ଉଦ୍‌ବେଗ ପ୍ରକାଶ କରିଛନ୍ତି। ପୁଲିସ ଏବଂ ପ୍ରଶାସନ ପକ୍ଷରୁ ତଦନ୍ତ ଜାରି ରହିଛି। ଅଭିଯୁକ୍ତମାନଙ୍କୁ ଗିରଫ କରି ଅଦାଲତକୁ ଚାଲାଣ କରାଯାଇଛି। ଏହି ଘଟଣା ଅଞ୍ଚଳରେ ଚାଞ୍ଚଲ୍ୟ ସୃଷ୍ଟି କରିଛି ଏବଂ ଲୋକମାନେ ଦୋଷୀଙ୍କୁ କଡ଼ା ଦଣ୍ଡ ଦେବାକୁ ଦାବି କରିଛନ୍ତି। ସମ୍ପୃକ୍ତ ଘଟଣାକୁ ନେଇ ସ୍ଥାନୀୟ ଲୋକମାନେ ଉଦ୍‌ବେଗ ପ୍ରକାଶ କରିଛନ୍ତି। ପୁଲିସ ଏବଂ ପ୍ରଶାସନ ପକ୍ଷରୁ ତଦନ୍ତ ଜାରି ରହିଛି। ଅଭିଯୁକ୍ତମାନଙ୍କୁ ଗିରଫ କରି ଅଦାଲତକୁ ଚାଲାଣ କରାଯାଇଛି। ଏହି ଘଟଣା ଅଞ୍ଚଳରେ ଚାଞ୍ଚଲ୍ୟ ସୃଷ୍ଟି କରିଛି ଏବଂ ଲୋକମାନେ ଦୋଷୀଙ୍କୁ କଡ଼ା ଦଣ୍ଡ ଦେବାକୁ ଦାବି କରିଛନ୍ତି। ସମ୍ପୃକ୍ତ ଘଟଣାକୁ ନେଇ ସ୍ଥାନୀୟ ଲୋକମାନେ ଉଦ୍‌ବେଗ ପ୍ରକାଶ କରିଛନ୍ତି। ପୁଲିସ ଏବଂ ପ୍ରଶାସନ ପକ୍ଷରୁ ତଦନ୍ତ ଜାରି ରହିଛି। ଅଭିଯୁକ୍ତମାନଙ୍କୁ ଗିରଫ କରି ଅଦାଲତକୁ ଚାଲାଣ କରାଯାଇଛି। ଏହି ଘଟଣା ଅଞ୍ଚଳରେ ଚାଞ୍ଚଲ୍ୟ ସୃଷ୍ଟି କରିଛି ଏବଂ ଲୋକମାନେ ଦୋଷୀଙ୍କୁ କଡ଼ା ଦଣ୍ଡ ଦେବାକୁ ଦାବି କରିଛନ୍ତି। ସମ୍ପୃକ୍ତ ଘଟଣାକୁ ନେଇ ସ୍ଥାନୀୟ ଲୋକମାନେ ଉଦ୍‌ବେଗ ପ୍ରକାଶ କରିଛନ୍ତି। ପୁଲିସ ଏବଂ ପ୍ରଶାସନ ପକ୍ଷରୁ ତଦନ୍ତ ଜାରି ରହିଛି। ଅଭିଯୁକ୍ତମାନଙ୍କୁ ଗିରଫ କରି ଅଦାଲତକୁ ଚାଲାଣ କରାଯାଇଛି। ଏହି ଘଟଣା ଅଞ୍ଚଳରେ ଚାଞ୍ଚଲ୍ୟ ସୃଷ୍ଟି କରିଛି ଏବଂ ଲୋକମାନେ ଦୋଷୀଙ୍କୁ କଡ଼ା ଦଣ୍ଡ ଦେବାକୁ ଦାବି କରିଛନ୍ତି। ସମ୍ପୃକ୍ତ ଘଟଣାକୁ ନେଇ ସ୍ଥାନୀୟ ଲୋକମାନେ ଉଦ୍‌ବେଗ ପ୍ରକାଶ କରିଛନ୍ତି। ପୁଲିସ ଏବଂ ପ୍ରଶାସନ ପକ୍ଷରୁ ତଦନ୍ତ ଜାରି ରହିଛି। ଅଭିଯୁକ୍ତମାନଙ୍କୁ ଗିରଫ କରି ଅଦାଲତକୁ ଚାଲାଣ କରାଯାଇଛି। ଏହି ଘଟଣା ଅଞ୍ଚଳରେ ଚାଞ୍ଚଲ୍ୟ ସୃଷ୍ଟି କରିଛି ଏବଂ ଲୋକମାନେ ଦୋଷୀଙ୍କୁ କଡ଼ା ଦଣ୍ଡ ଦେବାକୁ ଦାବି କରିଛନ୍ତି। ସମ୍ପୃକ୍ତ ଘଟଣାକୁ ନେଇ ସ୍ଥାନୀୟ ଲୋକମାନେ ଉଦ୍‌ବେଗ ପ୍ରକାଶ କରିଛନ୍ତି। ପୁଲିସ ଏବଂ ପ୍ରଶାସନ ପକ୍ଷରୁ ତଦ
ସମ୍ପୃକ୍ତ ଘଟଣାକୁ ନେଇ ସ୍ଥାନୀୟ ଲୋକମାନେ ଉଦ୍‌ବେଗ ପ୍ରକାଶ କରିଛନ୍ତି। ପୁଲିସ ଏବଂ ପ୍ରଶାସନ ପକ୍ଷରୁ ତଦନ୍ତ ଜାରି ରହିଛି। ଅଭିଯୁକ୍ତମାନଙ୍କୁ ଗିରଫ କରି ଅଦାଲତକୁ ଚାଲାଣ କରାଯାଇଛି। ଏହି ଘଟଣା ଅଞ୍ଚଳରେ ଚାଞ୍ଚଲ୍ୟ ସୃଷ୍ଟି କରିଛି ଏବଂ ଲୋକମାନେ ଦୋଷୀଙ୍କୁ କଡ଼ା ଦଣ୍ଡ ଦେବାକୁ ଦାବି କରିଛନ୍ତି। ସମ୍ପୃକ୍ତ ଘଟଣାକୁ ନେଇ ସ୍ଥାନୀୟ ଲୋକମାନେ ଉଦ୍‌ବେଗ ପ୍ରକାଶ କରିଛନ୍ତି। ପୁଲିସ ଏବଂ ପ୍ରଶାସନ ପକ୍ଷରୁ ତଦନ୍ତ ଜାରି ରହିଛି। ଅଭିଯୁକ୍ତମାନଙ୍କୁ ଗିରଫ କରି ଅଦାଲତକୁ ଚାଲାଣ କରାଯାଇଛି। ଏହି ଘଟଣା ଅଞ୍ଚଳରେ ଚାଞ୍ଚଲ୍ୟ ସୃଷ୍ଟି କରିଛି ଏବଂ ଲୋକମାନେ ଦୋଷୀଙ୍କୁ କଡ଼ା ଦଣ୍ଡ ଦେବାକୁ ଦାବି କରିଛନ୍ତି। ସମ୍ପୃକ୍ତ ଘଟଣାକୁ ନେଇ ସ୍ଥାନୀୟ ଲୋକମାନେ ଉଦ୍‌ବେଗ ପ୍ରକାଶ କରିଛନ୍ତି। ପୁଲିସ ଏବଂ ପ୍ରଶାସନ ପକ୍ଷରୁ ତଦନ୍ତ ଜାରି ରହିଛି। ଅଭିଯୁକ୍ତମାନଙ୍କୁ ଗିରଫ କରି ଅଦାଲତକୁ ଚାଲାଣ କରାଯାଇଛି। ଏହି ଘଟଣା ଅଞ୍ଚଳରେ ଚାଞ୍ଚଲ୍ୟ ସୃଷ୍ଟି କରିଛି ଏବଂ ଲୋକମାନେ ଦୋଷୀଙ୍କୁ କଡ଼ା ଦଣ୍ଡ ଦେବାକୁ ଦାବି କରିଛନ୍ତି। ସମ୍ପୃକ୍ତ ଘଟଣାକୁ ନେଇ ସ୍ଥାନୀୟ ଲୋକମାନେ ଉଦ୍‌ବେଗ ପ୍ରକାଶ କରିଛନ୍ତି। ପୁଲିସ ଏବଂ ପ୍ରଶାସନ ପକ୍ଷରୁ ତଦନ୍ତ ଜାରି ରହିଛି। ଅଭିଯୁକ୍ତମାନଙ୍କୁ ଗିରଫ କରି ଅଦାଲତକୁ ଚାଲାଣ କରାଯାଇଛି। ଏହି ଘଟଣା ଅଞ୍ଚଳରେ ଚାଞ୍ଚଲ୍ୟ ସୃଷ୍ଟି କରିଛି ଏବଂ ଲୋକମାନେ ଦୋଷୀଙ୍କୁ କଡ଼ା ଦଣ୍ଡ ଦେବାକୁ ଦାବି କରିଛନ୍ତି। ସମ୍ପୃକ୍ତ ଘଟଣାକୁ ନେଇ ସ୍ଥାନୀୟ ଲୋକମାନେ ଉଦ୍‌ବେଗ ପ୍ରକାଶ କରିଛନ୍ତି। ପୁଲିସ ଏବଂ ପ୍ରଶାସନ ପକ୍ଷରୁ ତଦନ୍ତ ଜାରି ରହିଛି। ଅଭିଯୁକ୍ତମାନଙ୍କୁ ଗିରଫ କରି ଅଦାଲତକୁ ଚାଲାଣ କରାଯାଇଛି। ଏହି ଘଟଣା ଅଞ୍ଚଳରେ ଚାଞ୍ଚଲ୍ୟ ସୃଷ୍ଟି କରିଛି ଏବଂ ଲୋକମାନେ ଦୋଷୀଙ୍କୁ କଡ଼ା ଦଣ୍ଡ ଦେବାକୁ ଦାବି କରିଛନ୍ତି। ସମ୍ପୃକ୍ତ ଘଟଣାକୁ ନେଇ ସ୍ଥାନୀୟ ଲୋକମାନେ ଉଦ୍‌ବେଗ ପ୍ରକାଶ କରିଛନ୍ତି। ପୁଲିସ ଏବଂ ପ୍ରଶାସନ ପକ୍ଷରୁ ତଦନ୍ତ ଜାରି ରହିଛି। ଅଭିଯୁକ୍ତମାନଙ୍କୁ ଗିରଫ କରି ଅଦାଲତକୁ ଚାଲାଣ କରାଯାଇଛି। ଏହି ଘଟଣା ଅଞ୍ଚଳରେ ଚାଞ୍ଚଲ୍ୟ ସୃଷ୍ଟି କରିଛି ଏବଂ ଲୋକମାନେ ଦୋଷୀଙ୍କୁ କଡ଼ା ଦଣ୍ଡ ଦେବାକୁ ଦାବି କରିଛନ୍ତି। ସମ୍ପୃକ୍ତ ଘଟଣାକୁ ନେଇ ସ୍ଥାନୀୟ ଲୋକମାନେ ଉଦ୍‌ବେଗ ପ୍ରକାଶ କରିଛନ୍ତି। ପୁଲିସ ଏବଂ ପ୍ରଶାସନ ପକ୍ଷରୁ ତଦନ୍ତ ଜାରି ରହିଛି। ଅଭିଯୁକ୍ତମାନଙ୍କୁ ଗିରଫ କ
ସମ୍ପୃକ୍ତ ଘଟଣାକୁ ନେଇ ସ୍ଥାନୀୟ ଲୋକମାନେ ଉଦ୍‌ବେଗ ପ୍ରକାଶ କରିଛନ୍ତି। ପୁଲିସ ଏବଂ ପ୍ରଶାସନ ପକ୍ଷରୁ ତଦନ୍ତ ଜାରି ରହିଛି। ଅଭିଯୁକ୍ତମାନଙ୍କୁ ଗିରଫ କରି ଅଦାଲତକୁ ଚାଲାଣ କରାଯାଇଛି। ଏହି ଘଟଣା ଅଞ୍ଚଳରେ ଚାଞ୍ଚଲ୍ୟ ସୃଷ୍ଟି କରିଛି ଏବଂ ଲୋକମାନେ ଦୋଷୀଙ୍କୁ କଡ଼ା ଦଣ୍ଡ ଦେବାକୁ ଦାବି କରିଛନ୍ତି। ସମ୍ପୃକ୍ତ ଘଟଣାକୁ ନେଇ ସ୍ଥାନୀୟ ଲୋକମାନେ ଉଦ୍‌ବେଗ ପ୍ରକାଶ କରିଛନ୍ତି। ପୁଲିସ ଏବଂ ପ୍ରଶାସନ ପକ୍ଷରୁ ତଦନ୍ତ ଜାରି ରହିଛି। ଅଭିଯୁକ୍ତମାନଙ୍କୁ ଗିରଫ କରି ଅଦାଲତକୁ ଚାଲାଣ କରାଯାଇଛି। ଏହି ଘଟଣା ଅଞ୍ଚଳରେ ଚାଞ୍ଚଲ୍ୟ ସୃଷ୍ଟି କରିଛି ଏବଂ ଲୋକମାନେ ଦୋଷୀଙ୍କୁ କଡ଼ା ଦଣ୍ଡ ଦେବାକୁ ଦାବି କରିଛନ୍ତି। ସମ୍ପୃକ୍ତ ଘଟଣାକୁ ନେଇ ସ୍ଥାନୀୟ ଲୋକମାନେ ଉଦ୍‌ବେଗ ପ୍ରକାଶ କରିଛନ୍ତି। ପୁଲିସ ଏବଂ ପ୍ରଶାସନ ପକ୍ଷରୁ ତଦନ୍ତ ଜାରି ରହିଛି। ଅଭିଯୁକ୍ତମାନଙ୍କୁ ଗିରଫ କରି ଅଦାଲତକୁ ଚାଲାଣ କରାଯାଇଛି। ଏହି ଘଟଣା ଅଞ୍ଚଳରେ ଚାଞ୍ଚଲ୍ୟ ସୃଷ୍ଟି କରିଛି ଏବଂ ଲୋକମାନେ ଦୋଷୀଙ୍କୁ କଡ଼ା ଦଣ୍ଡ ଦେବାକୁ ଦାବି କରିଛନ୍ତି। ସମ୍ପୃକ୍ତ ଘଟଣାକୁ ନେଇ ସ୍ଥାନୀୟ ଲୋକମାନେ ଉଦ୍‌ବେଗ ପ୍ରକାଶ କରିଛନ୍ତି। ପୁଲିସ ଏବଂ ପ୍ରଶାସନ ପକ୍ଷରୁ ତଦନ୍ତ ଜାରି ରହିଛି। ଅଭିଯୁକ୍ତମାନଙ୍କୁ ଗିରଫ କରି ଅଦାଲତକୁ ଚାଲାଣ କରାଯାଇଛି। ଏହି ଘଟଣା ଅଞ୍ଚଳରେ ଚାଞ୍ଚଲ୍ୟ ସୃଷ୍ଟି କରିଛି ଏବଂ ଲୋକମାନେ ଦୋଷୀଙ୍କୁ କଡ଼ା ଦଣ୍ଡ ଦେବାକୁ ଦାବି କରିଛନ୍ତି। ସମ୍ପୃକ୍ତ ଘଟଣାକୁ ନେଇ ସ୍ଥାନୀୟ ଲୋକମାନେ ଉଦ୍‌ବେଗ ପ୍ରକାଶ କରିଛନ୍ତି। ପୁଲିସ ଏବଂ ପ୍ରଶାସନ ପକ୍ଷରୁ ତଦନ୍ତ ଜାରି ରହିଛି। ଅଭିଯୁକ୍ତମାନଙ୍କୁ ଗିରଫ କରି ଅଦାଲତକୁ ଚାଲାଣ କରାଯାଇଛି। ଏହି ଘଟଣା ଅଞ୍ଚଳରେ ଚାଞ୍ଚଲ୍ୟ ସୃଷ୍ଟି କରିଛି ଏବଂ ଲୋକମାନେ ଦୋଷୀଙ୍କୁ କଡ଼ା ଦଣ୍ଡ ଦେବାକୁ ଦାବି କରିଛନ୍ତି। ସମ୍ପୃକ୍ତ ଘଟଣାକୁ ନେଇ ସ୍ଥାନୀୟ ଲୋକମାନେ ଉଦ୍‌ବେଗ ପ୍ରକାଶ କରିଛନ୍ତି। ପୁଲିସ ଏବଂ ପ୍ରଶାସନ ପକ୍ଷରୁ ତଦନ୍ତ ଜାରି ରହିଛି। ଅଭିଯୁକ୍ତମାନଙ୍କୁ ଗିରଫ କରି ଅଦାଲତକୁ ଚାଲାଣ କରାଯାଇଛି। ଏହି ଘଟଣା ଅଞ୍ଚଳରେ ଚାଞ୍ଚଲ୍ୟ ସୃଷ୍ଟି କରିଛି ଏବଂ ଲୋକମାନେ ଦୋଷୀଙ୍କୁ କଡ଼ା ଦଣ୍ଡ ଦେବାକୁ ଦାବି କରିଛନ୍ତି। ସମ୍ପୃକ୍ତ ଘଟଣାକୁ ନେଇ ସ୍ଥାନୀୟ ଲୋକମାନେ ଉଦ୍‌ବେଗ ପ୍ରକାଶ କରିଛନ୍ତି। ପୁଲିସ ଏବଂ ପ୍ରଶାସନ ପକ୍ଷରୁ ତଦନ୍ତ ଜାରି ରହିଛି। ଅଭିଯୁକ୍ତମାନଙ୍କୁ ଗିରଫ
